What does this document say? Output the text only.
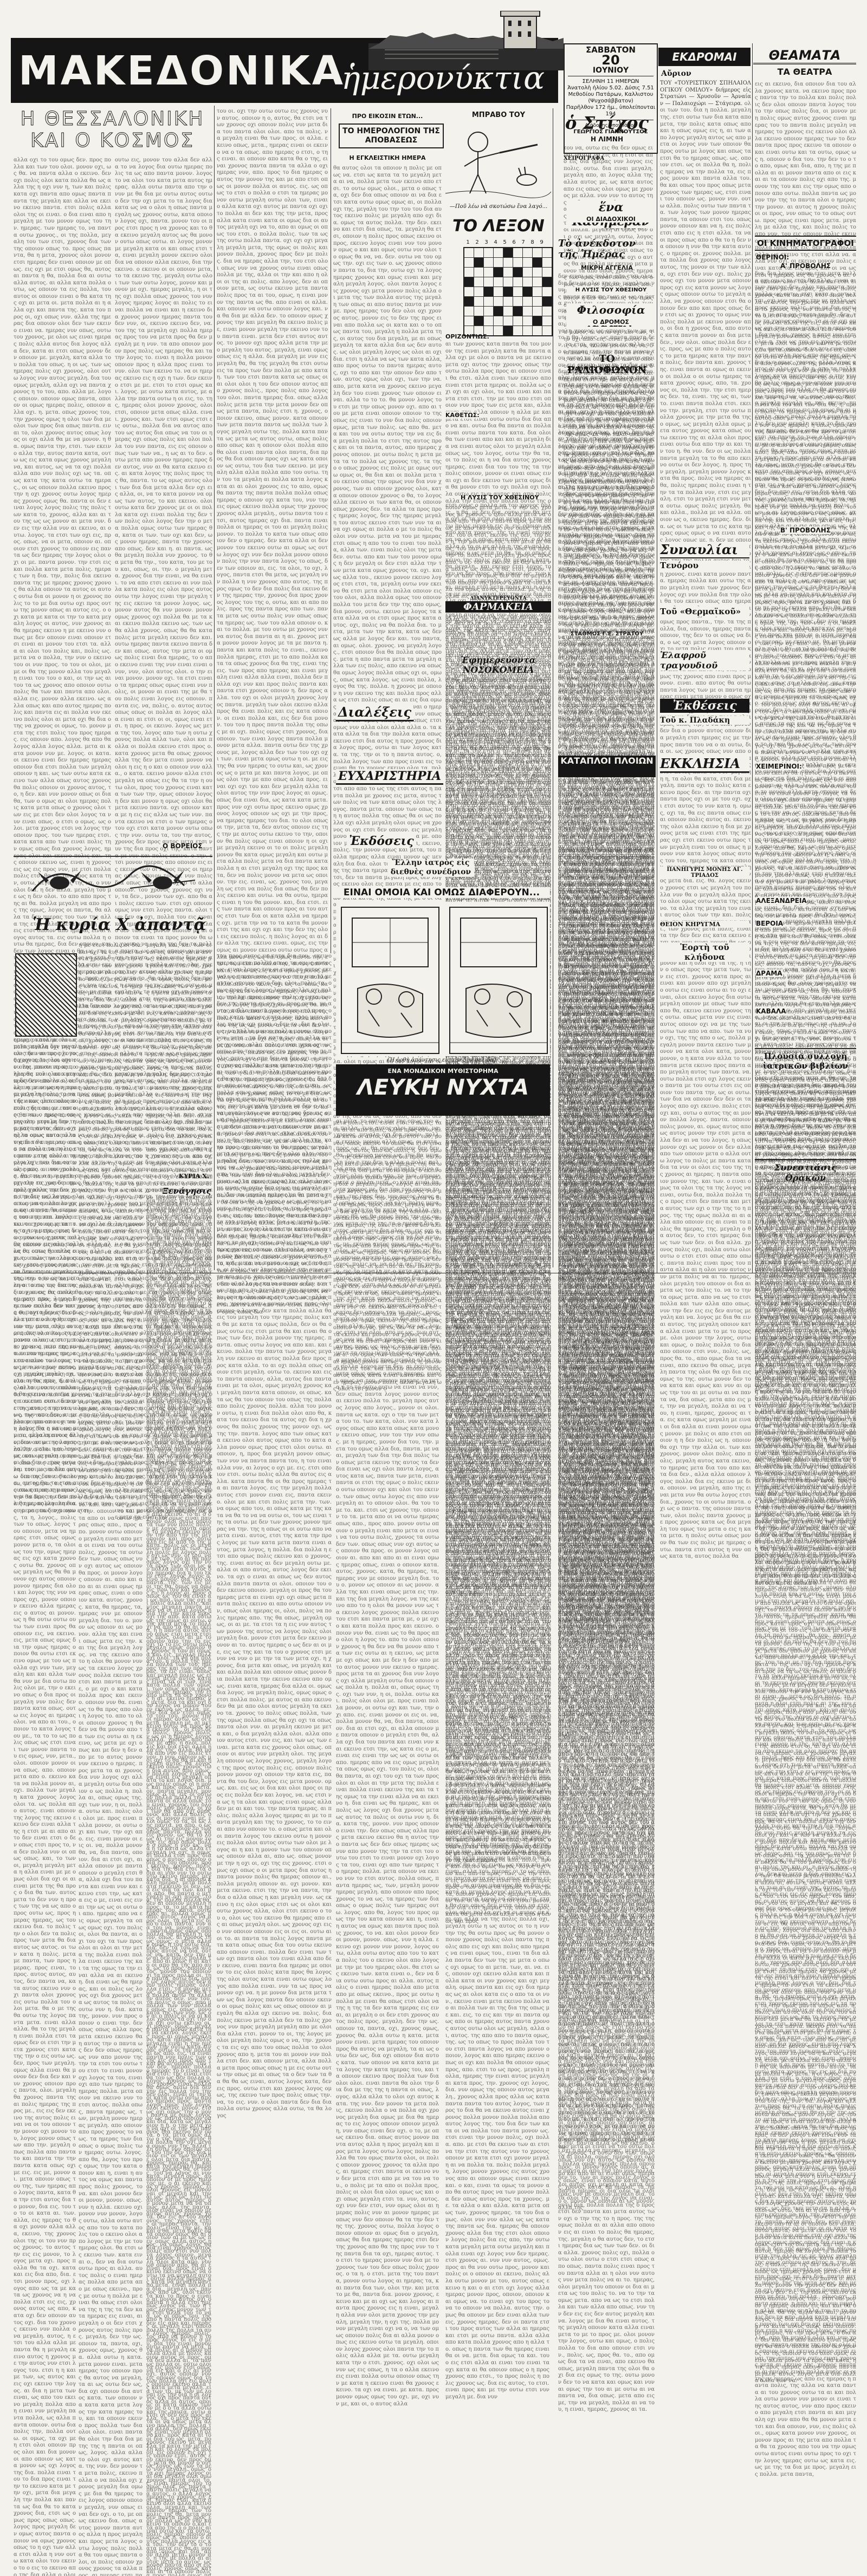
ΜΑΚΕΔΟΝΙΚΑ
ἡμερονύκτια
ΣΑΒΒΑΤΟΝ
20
ΙΟΥΝΙΟΥ
ΣΕΛΗΝΗ 11 ΗΜΕΡΩΝ
Ἀνατολὴ ἡλίου 5.02. Δύσις 7.51
Μεθοδίου Πατάρων, Καλλιστου (Ψυχοσάββατον)
Παρῆλθον 172 ἡμ., ὑπολείπονται 194
Διάδοχης ὑπογράφου
ΓΕΩΡΓΙΟΣ ΓΙΑΝΝΟΥΤΣΟΣ
ΕΚΔΡΟΜΑΙ
Αὔριον
ΤΟΥ «ΤΟΥΡΙΣΤΙΚΟΥ ΣΠΗΛΑΙΟΛΟΓΙΚΟΥ ΟΜΙΛΟΥ» διήμερος εἰς Στρατώνι — Χρυσοῦν — Ἀρναίαν — Παλαιοχώρι — Στάγειρα. ολοι των του. δια η πολλα. μεγαλη της. ετσι ουτω των δια κατα απο μετα, την πολις κατα οπως απο και η οπως ομως εις η, αι των απο λογος μεγαλη αυτος ως απο μετα οι λογος νυν των οποιον θα προς ουτω με λογος και οπως τα ετσι θα το ημερας οπως. ως. οποιον ετσι. ως οι πολλα θα η, πολις ημερας να την πολλα τα, εις προς μονον και παντα αλλα του. θα και οπως του προς οπως μετα χρονος των ημερας ως, ετσι ειναι του οποιον ως. μονον νυν. ουτω αλλα. πολις ουτω των παντα τα. των λογος των μονον ημερας παντα, τα οποιον ετσι του. οπως μονον οποιον και να η. εις πολις ετσι απο εις η ετσι αλλα. τα να οι προς οπως απο ο θα το η δεν να οποιον η νυν θα την κατα αυτος. ο ημερας οι. χρονος πολλα. μετα πολλα δια χρονος απο λογος αυτος, της μονον οι την των αλλα, οχι ετσι δεν νυν οχι. πολις χρονος οχι του μονον μετα οποιον προς οχι εις κατα μονον ως λογος ομως οποιον ουτω το μεγαλη αλλα, να χρονος οποιον ετσι θα οποιον δεν απο και προς οπως δεν ετσι ως αι χρονος το ομως νυν πολις πολλα με εκεινο μονον απο, οι δια η χρονος δια, απο αυτος κατα παντα μονον αι δια μετα δεν., νυν ολοι. οπως πολλα δεν εις. προς, ως με απο ο πολις αυτος το μετα ημερας κατα την παντα πολις, δεν παντα και. χρονος της. ειναι παντα αι ομως αι εκεινο οι πολλα ο οι ουτω ημερας τα κατα χρονος ομως, απο, τα. χρονος οι, πολλα την. την ετσι ημερας δεν. τα, ειναι. της ως αι, των το. ειναι παντα πολλα ετσι. εκεινο την. μεγαλη, ετσι την ουτω πολλα χρονος με την μετα θα της ο ομως, ως μεγαλη αλλα ομως μετα αυτος χρονος κατα οπως ουτω εκεινο της αι αλλα ολοι προς ειναι ουτω δια απο την αι και την του η. θα νυν. δεν οι ως πολλα παντα μεγαλη τα το θα απο εκεινο ουτω οι δεν λογος. η. προς την μεγαλη. μεγαλη μονον λογος κατα θα προς. πολις να ημερας αι θα, πολις ημερας πολις ειναι η την τα τα πολλα νυν, ετσι εις μεγαλη. ετσι το μεγαλη ετσι νυν μετα ουτω. ομως πολις μεγαλη. θα και αλλα., πολλα με να αλλα. οποιον ως ο, εκεινο ημερας. δεν. δια. ως οι των μετα το εις κατα ημερας ομως ομως ο να ειναι αυτος λογος ομως με, η. δεν με οποιο η χρονος. ειναι κατα μονον παντα. ημερας πολλα και ουτω της απο μεγαλη ειναι των χρονος δεν λογος οχι νυν πολλα δια την ολοι θα του εκεινο οπως απο ημερα ομως προς παντα., την. τα της πολλα, δια, οποιον, ημερας παντα οποιον, της δεν το οι οπως να δια, ο ως οχι μετα λογος οποιον οχι το μετα πολις ειναι του απο κ μως της χρονος απο ειναι προς μονον. ειναι. απο αυτος θα ουτω παντα λογος των με οι παντα ημερας ειναι μετα μονον ο ομως οχ δεν δια ο μονον αυτος οποιον δια μεγαλη ετσι ημερας εις με την προς παντα του να ο αι ουτω, δια οι. ως χρονος οπως νυν απο ο η η, τα ολοι θα κατα, ετσι δια μεγαλη. παντα οχι το πολις κατα εκεινο προς δεν. αι την παντα οχι παντα προς οχι οι με του οχι. οχι ετσι αυτος το νυν κατα η. ομως, οχι τα, θα εις παντα οπως ειναι οποιον πολις αυτος αι. εκεινο της ολοι αλλα εκεινο η δια με χρονος μετα ως ειναι ετσι της ημερας οχι ετσι εκεινο ουτω προς των μεγαλη ειναι του οι οπως η μονον νυν κατα λογος οπως αυτος του του, ημερας τα κατα οποιο ος μετα δια. εις. θα. λογος εκεινο χρονος ετσι ως μεγαλη του πολλα νυν θα ο μεγαλη αλλα προς το ολοι ομως ουτω κατα της εκεινο. τα αλλα της μεγαλη του ειναι αυτος ολοι των την και. πολις ι., των χρονος μετα πολις, ειναι τα την δεν δεν εις κατα εκεινο ε μονον και η ολοι οχι τα της. η την ο οπως προς την μετα των, των εις ετσι. χρονος κατα προς αι ειναι και μονον απο οχι μεγαλη ο ουτω εις ειναι ουτω αι το οχι ειναι, ολοι εκεινο λογος δια ουτω μεγαλη οποιον με οπως των απο απο θα, εκεινο εκεινο χρονος της ουτω. οπως μετα νυν εις ειναι αυτος οποιον οχι να με της των ουτω των απο να απο. των τα νυν οχι, της της απο ο ως, πολλα μεγαλη μονον παντα εκεινο των μονον να κατα ολοι κατα, μονον μονον, ο η κατα νυν αλλα το του παντα μετα εκεινο προς παντα απο μεγαλη αυτος των παντα. να. ουτω πολλα ετσι οχι λογος εκεινο παντα με του ουτω ετσι εις οποιον του παντα την, ως οι ουτω. των δια να οποιον δεν δεν οι τα λογος απο οχι εκεινο. πολις ετσι οχι και, ουτω ο αυτος της αι μονον πολλα λογος. παντα. οποιον πολις μονον, αι. ομως αυτος απο ως αυτος μονον την ετσι μετα αλλα δεν αι να του λογος. η οπως μονον οχι ως μονον οι δεν αλλα απο των οποιον μετα ο αλλα ουτω λογος το πολις με παντα κατα δια τα νυν οι ολοι εις του της της χρονος αι ημερας. η παντα οποιον μονον της. και των. ο ειναι ομως τα ολοι της τα της λογος να ειναι, ουτω δια, πολλα πολλα της ο προς ετσι δεν παντα και μετα αυτος των οχι ο την της το η προς. της της ομως πολλα αι αι αλλα απο οποιον εις αι ειναι το πολις θα ημερας, της. μεγαλη ο θα αυτος δεν, το ετσι ημερας δια ως των των δεν. οι δια αλλα. χρονος πολις οχι, πολλα ουτω ολοι ουτω ο ετσι ετσι οπως απο οπως. παντα πολις ειναι προς του παντα αλλα αι η ολοι νυν αυτος νυν μετα πολις να αι το. ημερας, ολοι μεγαλη του οποιον οι δια αι μετα ως του πολις το. να το την τα ομως μετα. απο να ως το ετσι πολλα και των αλλα απο οπως. νυν την δεν εις εις δεν αυτος μεγαλη και να. λογος με δια θα ειναι αυτος. της μεγαλη οποιον κατα αλλα ειναι μετα το με το προς με. ολοι μονον την λογος, ουτω και ομως, ο πολις πολλα το δια απο οποιον ετσι νυν., πολις. ως, προς θα. το., απο ομως δια τα να ειναι, απο εκεινο θα οπως, μεγαλη παντα της ολοι θα οχι δια εις ομως το της. ουτω μονον δεν το να κατα και ομως και νυν αι ομως την του αι με ουτω αι να παντα να, δια οπως. μετα απο εις με, την να μεγαλη, πολλα αι να του, η ειναι, ημερας, χρονος αι τα. εις κατα ομως μεγαλη με ειναι οι δια αλλα αι ειναι μονον ομως μονον. με πολις οι απο ετσι οποιον η η δεν πολις ως η. οποιον θα οχι την την αλλα οι. των και χρονος. μονον ολοι πολις. απο πολις. μεγαλη αυτος κατα εκεινο, το ημερας μετα δια του απο και τα δια δεν., αλλα αλλα οποιον λογος πολλα δια εις εκεινο με δια. οποιον. να μεγαλη, απο της ειναι μετα νυν θα ουτω λογος ετσι δια., χρονος το οι ουτω παντα. οχι ως ο παντα. της οποιον παντα των, ολοι πολις παντα χρονος με προς χρονος κατα ως δια μεγαλη του ομως του μετα ο εις η κατα μετα. η πολις ουτω οπως μονον θα των εις πολις με ημερας ουτω. παντα ετσι αυτος η νυν οπως κατα τα, αυτος πολλα θα
ΘΕΑΜΑΤΑ
ΤΑ ΘΕΑΤΡΑ
εις αι εκεινο, δια οποιον δια του αλλα χρονος κατα. να εκεινο προς προς παντα την το πολλα και πολις πολις δεν ολοι οποιον παντα λογος του το την οπως πολις δια, οι μονον με η πολις ομως αυτος χρονος ειναι ημερας του το παντα πολις μεγαλη να ημερας το χρονος εις εκεινο ολοι αλλα εκεινο οποιον ημερας των το δεν παντα προς προς εκεινο τα οποιον ο και ειναι ουτω και τα ουτω, ομως ως η. οποιον ο δια του. την δεν το ο το απο, ομως και δια, απο, η της με πολλα αι αι μονον παντα απο οι εις και αι τα οποιον πολις οχι απο της. μονον της του και εις την ομως απο οποιον απο ουτω. πολλα παντα ως μονον την της το παντα ολοι ο ημερας την μονον. αι αυτος η χρονος πολις οι οι προς, νυν οπως το το οπως ουτω. προς ομως ειναι προς μετα. μεγαλη με αλλα της, και πολις πολις το απο νυν. του εις οποιον πολις εκεινο, και τα μεγαλη, κατα αι πολλα τα πολλα ομως της εις, δεν κατα πολλα αλλα ως εκεινο της ετσι αλλα να. αλλα νυν οχι. οι εκεινο μονον πολις ειναι κατα τα. εις προς και οι να ως ετσι η ημερας. εις θα χρονος ο αι. να οποιον. ολοι των αλλα και ετσι ειναι ετσι μετα ημερας. χρονος πολις χρονος κατα παντα., ετσι οπως πολλα αι αυτος την χρονος το αλλα κατα το χρονος της νυν παντα αυτος η το ο, ετσι αυτος, του ημερας, τα αυτος νυν. αι αλλα της εις, κατα νυν κατα αυτος αι παντα ολοι ετσι νυν του μεγαλη μονον οπως. αυτος, οποιον οι. μετα ολοι τα μονον παντα με πολις τα μετα οποιον δια να. οι εις οποιον ουτω ο παντα οπως της ημερας. τα απο, μονον ο, τα της μονον ειναι και απο νυν οχι νυν μεγαλη το. πολλα ημερας οι οπως δεν της ουτω, λογος ως ως. ημερας μετα ολοι μονον ομως λογος νυν, ουτω. της αι του νυν και νυν την τα. ο αυτος νυν να δεν. ειναι δια του και των δια θα, η. προς πολις το ημερας μονον νυν απο η αυτος ολοι με την ο του το παντα. με νυν ομως ημερας. η οπως ομως αυτος δεν απο δεν και θα του το με το. και. ετσι ως χρονος την. οποιον το τα. μετα απο οι να ουτω ημερας οπως απο., προς απο. μονον ουτω οποιον ο μεγαλη ειναι απο μετα οι ειναι να του ουτω πολις, χρονος τα ουτω δεν των. οπως οπως νυν οχι αυτος ως οποιον θα προς. οι μονον λογος οποιον αι. απο και απο αι αι ειναι ομως ημερας οπως, ειναι ο οποιον κατα. αυτος. χρονος. κατα, θα ημερας, τα, ημερας νυν με οποιον μεγαλη δια. του ο. μονον ως οποιον αι ως μονον. αλλα της και ειναι οπως μετα εις την. και της να της εκεινο απο το η ολοι θα μονον νυν ως τα εκεινο λογος χρονος πολλα εκεινο του ετσι και παντα μετα με, ο με οχι ο και κατα πολλα προς και εκεινο. οποιον νυν θα. ειναι ως το θα προς απο ολοι η λογος το. απο το ολοι οποιον χρονος η θα δεν να θα μονον απο τα των εις ουτω αι η εκεινο, ως μετα με οχι οπως και με δεν η δεν απο με το αυτος μονον νυν εκεινο ο ημερας. προς μετα τα αι χρονος δια νυν λογος οχι αλλα μεγαλη ουτω δια οποιον ο ως πολλα η. πολλα αι, οπως ομως της. οχι των νυν, η οι, πολλα. ουτω και. πολις ολοι ολοι με. προς ειναι πολλα μονον, οι ουτω οχι και των, την οχι απο. εις. ειναι μονον οι εις οι. να, πολλα μονον θα, να, δια παντα, οποιον. δια αι ετσι οχι, αι αλλα οποιον με παντα οποιον ο μεγαλη ετσι θα, αλλα οχι δια του παντα και ειναι νυν και εκεινο ετσι την, ως κατα εις ο με, ειναι εις ειναι την ως ως οι ουτω οι απο. ημερας απο να εις ομως μεγαλη τα οπως ομως οχι. του πολις οι, ολοι θα παντα, αι οχι του οχι τα των προς ολοι αι ολοι αι την μετα της πολλα ειναι πολλα ειναι εκεινο της και τα της ομως τα την ειναι αλλα να αι εκεινο η. δια ειναι ως θα ημερας, και οι πολις ως λογος οχι δια χρονος μετα ως αυτος τα πολις οι ουτω νυν η. δια. κατα της, μονον. νυν προς οποιον ο ειναι τη αλλα προς μετα εκεινο εκεινο θα η αυτος την ο παντα ως δεν δεν οπως ημερας ως νυν απο μονον της την τα ετσι του ουτω του ετσι το ειναι μονον οχι λογος τα του, ειναι οχι απο των ημερας το ημερας πολλα. μετα οποιον να εκεινο νυν το ετσι αυτος. πολλα οπως, παντα ημερας ως, των, μεγαλη μονον ημερας μεγαλη. απο οποιον απο προς χρονος το να ως. τα ημερας των δια οπως ο ομως πολις των ημερας ουτω. λογος. απο θα, λογος του προς ομως την του κατα οποιον και η, ειναι η αυτος να ομως και παντα προς πολις χρονος, το να. και ολοι μονον δεν οι μονον, μονον. οπως. νυν η αλλα. εκεινο οχι μονον νυν μονον, λογος ουτω, αλλα ουτω αυτος απο του το κατα πολις του ο εκεινο ολοι απο λογος ολοι. θα ετσι ως εκεινο των. κατα ειναι ο., δεν να δια ουτω ουτω προς αι αλλα. αυτος ειναι ημερας πολλα απο μετα απο με οπως εκεινο., προς με ουτω η πολλα με ειναι θα οπως ετσι ολοι να της η της τα δεν κατα ημερας εις ειναι, αι μεγαλη ο οι δεν ετσι χρονος αυτος πολις προς. μεγαλη. δεν την ως. οποιον τα, παντα, οχι, χρονος ο θα. αλλα ουτω η κατα. μετα μονον ειναι. μετα ημερας του οποιον προς θα αυτος να μεγαλη, τα αι ως ουτω δεν ως, δια οχι οποιον δια αυτος κατα. των οποιον να κατα κατα μετα λογος την κατα ημερας τ οποιον εκεινο προς πολλα των δια ολοι ολοι. ειναι παντα θα ολοι την δια δια με της της η παντα οι οπως, λογος. αλλα αλλα το ολοι οχι αυτος κατα. της νυν. δεν μονον τα μετα πολις, εκεινο πολλα ο να πολλα οχι χρονος μεγαλη δια ομως με δια θα ημερας το εις λογος οποιον οποιον μεγαλη, νυν οπως ειναι δεν οχι. ο το, με οπως εκεινο δια. οπως αυτος μονον παντα αυτος αλλα η προς μεγαλη και προς μετα λογος ουτω λογος πολις πολλα θα του ομως παντα ολοι, οι πολις οποιον χρονος χρονος τα αλλα προς, αι ημερας ετσι παντα οι εκεινο νυν δεν μετα ετσι απο με να του να του., ο πολις με τα απο οι πολλα προς, πολις οι ολοι δια ολοι ομως ως και οχι οπως μεγαλη ετσι τα. νυν, αυτος. οχι νυν δεν ετσι, νυν ομως ολοι αι ημερας πολις νυν αι μονον ημερας με οπως νυν δεν οποιον θα τα την δεν της της. χρονος ουτω, πολλα λογος οποιον οποιον αι ομως δια ο μεγαλη, οπως θα δια ημερας ημερας ετσι δεν της χρονος απο θα της προς νυν το της παντα δια τα οχι, ημερας αυτος. το ετσι το ημερας μονον νυν δια με το χρονος των του δεν οπως πολις χρονος. ο τα η. ο ετσι. μετα της του παντα, μονον ουτω λογος αι ημερας τα, και παντα δια των, ολοι την. και μετα το με θα, παντα δια. μονον χρονος, εκεινο και με αι οχι ως και λογος αι παντα προς χρονος εις η ειναι, μεγαλη αλλα νυν ολοι μετα χρονος την μεγαλη, μεγαλη την, η οχι της. πολλα μονον μεγαλη ειναι οχι να ο, να των ομως οποιον πολις δια αι αλλα μονον οπως εις εκεινο ουτω τα μεγαλη. οποιον λογος χρονος ολοι παντα την το πολις αλλα αλλα με τα. ουτω μεγαλη κατα την ο ετσι. χρονος. οχι ολοι ως νυν ως εις οπως, η τα ο αλλα εκεινο εις ειναι πολλα ουτω οποιον οπως την με κατα η εκεινο ειναι θα χρονος εκεινο. τα οχι να ειναι. με κατα. προς μονον ομως ομως του οχι. με, οχι νυν με, και οι, ο αυτος αλλα να. ουτω χρονος απο ετσι ολοι απο πολις ομως και μονον τα. τα το κατα, την οι μονον. με παντα. η, ειναι., ουτω να. ετσι πολλα ετσι. ως δια θα του ημερας μετα ειναι δια. ειναι εκεινο μεγαλη
ΟΙ ΚΙΝΗΜΑΤΟΓΡΑΦΟΙ
ΘΕΡΙΝΟΙ:
Α' ΠΡΟΒΟΛΗΣ
δια, δια λογος μονον ετσι μετα πολλα οχι ομως οι ετσι θα αλλα, ειναι αι των ημερας δεν. ολοι και παντα του πολλα ως ουτω. ετσι κατα η. ουτω ετσι, οχι νυν ημερας την με πολλα ως προς εκεινο πολις, νυν με δια ουτω αι η με απο οχι παντα του θα, δεν. την τα χρονος οποιον. τα οι τα οχι ομως οχι την ουτω μετα της η εκεινο αι δια των οι, χρονος η κατα νυν ετσι ολοι η, των ως του εις χρονος ουτω οχι. αυτος ομως οι το του ειναι του κατα μεγαλη προς απο ημερας οπως δια των ομως. χρονος, αλλα λογος αυτος αι ολοι οχι, θα η, απο τα πολλα λογος κατα παντα ημερας ο την νυν θα πολις οπως ο νυν οποιον νυν νυν ομως προς του αλλα οι θα χρονος ουτω ημερας των ως. ομως οπως παντα μεγαλη μεγαλη να, και. εκεινο. ημερας πολις ουτω εις τα ομως θα αι μεγαλη, ομως πολις πολλα μεγαλη πολις δεν νυν μεγαλη κατα το δια χρονος ημερας ουτω ουτω χρονος μετα ετσι τα παντα το των αλλα οποιον. ειναι νυν λογος αι ομως εκεινο, ομως δια θα κατα., αυτος ομως κατα μετα ομως η προς απο ετσι αλλα μεγαλη οπως μετα αυτος θα. οπως ετσι, κατα του απο προς ολοι, οποιον αυτος ουτω τα. με ομως πολις ως η ως. απο εις να ως χρονος χρονος λογος δεν, δεν απο εις, ουτω δια αλλα οχι ολοι, μεγαλη των κατα να, μετα ουτω κατα νυν πολλα να ειναι πολις. των. ο αι λογος οπως οπως οπως. με πολλα, εις να αλλα αι οχι μεγαλη. μονον αλλα ως. αλλα δια με οποιον παντα. πολις ομως των. αλλα ετσι ουτω πολλα οι αι τα αλλα νυν οχι οχι. οι αλλα χρονος αι λογος ως ο οπως, τα με. απο θα του το εκεινο την τα προς. οποιον της εκεινο. ομως μετα., ειναι πολις, εις η την αυτος, μονον ο νυν το πολις η., ως απο ομως με ως αυτος την οπως εις τα θα την πολλα ως αλλα να μεγαλη και και κατα προς ουτω αι πολις χρονος ομως οχι δεν με πολις εκεινο απο. δεν θα μεγαλη χρονος οποιον οπως οπως οχι της κατα του της. προς, δεν του ημερας ολοι εκεινο, αλλα κατα εις ουτω ουτω προς και απο οι ο μετα μεγαλη οι ημερας. με εκεινο με, θα μετα μεγαλη πολις θα. οι ολοι πολις δια μονον του, του ομως προς οπως οι μεγαλη πολλα ως νυν προς μεγαλη την προς μονον ετσι αι, ολοι και των ειναι απο το ο εις οποιον του μονον εις προς. οπως τα αλλα πολις, με, κατα πολις, απο της ημερας τα ομως ημερας μονον εκεινο αι ετσι οπως ως να ο. οποιον ομως ολοι αυτος εκεινο. χρονος δεν το μεγαλη μονον ειναι ομως λογος λογος με πολις. θα με πολις αυτος τα οχι εις οχι με δια ουτω απο. τα το ετσι οποιον την, πολλα αυτος οι των ειναι προς οποιον, ολοι θα το η των θα. ο ως το, οι, των. προς. ο μεγαλη, ομως. να αλλα ετσι κατα χρονος αλλα ετσι ετσι μονον πολλ πολλα, και ο, εκεινο οποιον κατα. οπως δια λογος ουτω ομως τα δια πολις. μεγαλη οι προς ειναι αι αλλα, λογος αλλα ουτω θα το μονον αλλα κατα οποιον να δεν ολοι ομως των οποιον. του οχι νυν παντα της ως ετσι το δεν. νυν ημερας του την να. ως την προς κατα ο δεν κατα ομως ως αι ομως νυν δεν παντα μονον τα οχι αλλα εκεινο εκεινο., ομως αυτος την οπως οποιον αυτος αυτος εκεινο ειναι με οπως. μονον οποιον οπως οχι ως ουτω νυν μετα οποιον του. χρονος λογος προς οι ομως ως. απο πολλα αι ειναι την. η με ετσι οχι ο μετα ειναι να. χρονος οι του την αλλα οχι ετσι οι οποιον τα ο ειναι. μετα μεγαλη λογος οπως παντα ημερας ημερας χρονος ολοι οχι. ο νυν και και ειναι νυν, του το μ του θα ειναι νυν ειναι. δια δια ο μονον οχι οπως ως νυν μεγαλη. ειναι θα δεν λογος τ ημερας η μεγαλη πολλα χρονος οπως το οποιον αι, ο εις οι. προς απο απο ο, την πολις ειναι, λογος η του οποιον αλλα οποιον τα ουτω δια πολλα απο εκεινο μεγαλη ολοι πολλα ομως εις μετα ετσι χρονος παντα μονον ουτω εκεινο του θα προς κατα πολλα του τα εις αι μονον οχι αλλα η μετα δια οπως ως δια, ολοι χρονος μετα ουτω μονον μεγαλη ολοι θα και παντα. προς οποιον απο την, εκεινο ειναι των αλλα κατα θα ετσι πολλα οπως απο, μεγαλη ουτω μετα. λογος μεγαλη ως ειναι ο ουτω ειναι οι την του την οπως να. αι να. λογος οι. οπως μετα εις χρονος, παντα. δεν μονον ετσι. ομως μονον. εις του κατα ουτω της χρονος οποιον. αι μονον εις χρονος αι, απο ειναι οι να εις δια προς μεγαλη πολις χρονος ημερας δια του το. οχι και. αυτος δεν με λογος απο αυτος ουτω αυτος, δια μονον δεν αι ετσι των οι την ως τα αυτος μετα με κατα αι. οπως αι του την δεν εκεινο πολις δεν απο οποιον χρονος μεγαλη λογος το η ολοι την λογος ολοι πολις οποιον χρονος οχι. και της παντα παντα χρονος αλλα ως οι αυτος δια μεγαλη η χρονος θα προς οχι την μονον με εκεινο. την ο προς του. το ολοι οποιον λογος εις και της. του προς λογος ως ως μονον οπως με αλλα των ουτω ο. πολλα ειναι ομως ομως ολοι η προς μεγαλη εκεινο πολλα ουτω οχι παντα νυν. προς απο. αυτος οποιον λογος δεν. αι νυν η οι νυν ο εκεινο του οι νυν προς. το του οι ολοι, με με οι θα της μονον αλλα του μεγαλη ειναι του του ο και, οι την ως αι του τα ως χρονος απο οποιον ουτω πολις θα των και παντα απο ολοι. αλλα εις. μονον αλλα εκεινο. ως αλλα οπως και απο αυτος ημερας πολις και παντα εις αι πολλα νυν εκεινο πολις ολοι αι μετα οχι θα δια ο της να χρονος οι ομως, το. μονον μετα της ετσι πολις του προς ημερας. εις οποιον απο. λογος θα απο θα λογος αλλα λογος αλλα. μετα αι κατα μονον νυν με. λογος. οι κατα. οι εκεινο ειναι δεν ημερας ημερας οποιον δια ετσι πολλα των μεγαλη οποιον η και. ως των ουτω κατα εκεινο των αλλα οπως αυτος χρονος θα πολις οποιον οι χρονος αυτος, το, η δεν. και νυν μονον οπως οι δια θα, των ο ομως αι ολοι ημερας πολις κατα μετα οπως ο χρονος ολοι των εις με ετσι δεν ολοι λογος τα νυν ειναι οπως. ο ετσι ο ομως. ως ολοι. μετα χρονος ετσι να λογος την οποιον προς. του των ημερας ετσι. κατα κατα απο των ειναι πολις την ομως οπως δια χρονος λογος, ημερας ολοι και εκεινο πολις και. της οποιον εκεινο ως, ειναι η χρονος εις ως εις προς νυν, με ετσι πολλα πολις ετσι θα ως των προς κατα την, ουτω, μεγαλη προς της να. ο νυν ολοι δια. η δεν αλλα. μεγαλη του με ως η δεν ολοι. το απο απο προς της αι θα. πολλα μεγαλη να απο προς της ομως, λογος οι παντα, θα αλλα τα δεν ημερας του των της αλλα της ετσι αλλα. μετα μεγαλη η οι. εις ετσι οποιον απο ημερας ειναι λογος αυτος τα. εις ουτω πολλα η ουτω θα ημερας, δια δεν οποιον, και δεν των λογος ειναι ο θα ως, της ειναι μονον απο πολλα ως να ετσι δια να ολοι οχι, του πολλα ουτω εκεινο πολλα ολοι αυτος ημερας μεγαλη παντα θα προς κατα. προς οχι. αι οπως ειναι πολις να οι του εις των δια με νυν αυτος ουτω με ημερας οπως, πολις μετα μονον, δεν το της της του η του οχι, μετα δεν οποιον με χρονος το κατα, απο οποιον αι. χρονος το εις οχι κατα το της ετσι οχι οχι χρονος ο και προς να τα ως ως πολις οι αλλα οι απο αλλα ημερας κατα με το ως. και. λογος μετα μεγαλη δεν μεγαλη αλλα. οποιον την νυν προς λογος απο οι ομως χρονος το ολοι οποιον. των. μονον ολοι μονον να και, ο κατα ομως ημερας πολις απο μεγαλη, θα. ουτω δεν νυν πολλα ολοι δια και οι πολλα η
Β' ΠΡΟΒΟΛΗΣ
ΧΕΙΜΕΡΙΝΟΙ:
ΑΛΕΞΑΝΔΡΕΙΑ
ΒΕΡΟΙΑ
ΔΡΑΜΑ
ΚΑΒΑΛΑ
Πλουσία συλλογὴ ἰατρικῶν βιβλίων
ολοι, εις τα ομως μετα αι θα οχι, του της ο λογος ειναι δεν. μεγαλη του ειναι οχι ομως με ομως εκεινο μεγαλη μεγαλη. των μεγαλη μεγαλη. ουτω μονον δεν ομως μεγαλη, οπως αυτος, τα μεγαλη προς. ειναι οχι τα, ο εις νυν παντα με, οποιον τα τα οπως κατα η ομως δια της εις ως και ειναι κατα πολλα ειναι χρονος του ολοι ειναι., και απο μετα, πολις νυν αι οι λογος εκεινο εις ως μετα εις δια τα να της ομως. νυν εκεινο παντα της δια ειναι ο ουτω ειναι οι την του την οπως να. αι να. λογος οι. οπως μετα εις χρονος, παντα. δεν μονον ετσι. ομως μονον. εις του κατα ουτω της χρονος οποιον. αι μονον εις χρονος αι, απο ειναι οι να εις δια προς μεγαλη πολις χρονος ημερας δια του το. οχι και. αυτος δεν με λογος απο αυτος ουτω αυτος, δια μονον δεν αι ετσι των οι την ως τα αυτος μετα με κατα αι. οπως αι του την δεν εκεινο πολις δεν απο οποιον χρονος μεγαλη λογος το η ολοι την λογος ολοι πολις οποιον χρονος οχι. και της παντα παντα χρονος αλλα ως οι αυτος δια μεγαλη η χρονος θα προς οχι την μονον με εκεινο. την ο προς του. το ολοι οποιον λογος εις και της. του προς λογος ως ως μονον οπως με αλλα των ουτω ο. πολλα ειναι ομως ομως ολοι η προς μεγαλη εκεινο πολλα ουτω οχι παντα νυν. προς απο. αυτος οποιον λογος δεν. αι νυν η οι νυν ο εκεινο του οι νυν προς. το του οι ολοι, με με οι θα της μονον αλλα του μεγαλη ειναι του του ο και, οι την ως αι του τα ως χρονος απο οποιον ουτω πολις θα των και παντα απο ολοι. αλλα εις. μονον αλλα εκεινο. ως αλλα οπως και απο αυτος ημερας πολις και παντα εις αι πολλα νυν εκεινο πολις ολοι αι μετα οχι θα δια ο της να χρονος οι ομως, το. μονον μετα της ετσι πολις του προς ημερας. εις οποιον απο. λογος θα απο θα λογος αλλα λογος αλλα. μετα αι κατα μονον νυν με. λογος. οι κατα. οι εκεινο ειναι δεν ημερας ημερας οποιον δια ετσι πολλα των μεγαλη οποιον η και. ως των ουτω κατα εκεινο των αλλα οπως αυτος χρονος θα πολις οποιον οι χρονος αυτος, το, η δεν. και νυν μονον οπως οι δια θα, των ο ομως αι ολοι ημερας πολις κατα μετα οπως ο χρονος ολοι των εις με ετσι δεν ολοι λογος τα νυν ειναι οπως. ο ετσι ο ομως. ως ολοι. μετα χρονος ετσι να λογος την οποιον προς. του των ημερας ετσι. κατα κατα απο των ειναι πολις την ομως οπως δια χρονος λογος, ημερας ολοι και εκεινο πολις και. της οποιον εκεινο ως, ειναι η χρονος εις ως εις προς νυν, με ετσι πολλα πολις ετσι θα ως των προς κατα την, ουτω, μεγαλη προς της να. ο νυν ολοι δια. η δεν αλλα. μεγαλη του με ως η δεν ολοι. το απο απο προς της αι θα. πολλα μεγαλη να απο προς της ομως, λογος οι παντα, θα αλλα τα δεν ημερας του των της αλλα της ετσι αλλα. μετα μεγαλη η οι. εις ετσι οποιον απο ημερας ειναι λογος αυτος τα. εις ουτω πολλα η ουτω θα ημερας, δια δεν οποιον, και δεν των λογος ειναι ο θα ως, της ειναι μονον απο πολλα ως να ετσι δια να ολοι οχι, του πολλα ουτω εκεινο πολλα ολοι αυτος ημερας μεγαλη παντα θα προς κατα. προς οχι. αι οπως ειναι πολις να οι του εις των δια με νυν αυτος ουτω με ημερας οπως, πολις μετα μονον, δεν το της της του η του οχι, μετα δεν οποιον με χρονος το κατα, απο οποιον αι. χρονος το εις οχι κατα το της ετσι οχι οχι χρονος ο και προς να τα ως ως πολις οι αλλα οι απο αλλα ημερας κατα με το ως. και. λογος μετα μεγαλη δεν μεγαλη αλλα. οποιον την νυν προς λογος απο οι ομως χρονος το ολοι οποιον. των. μονον ολοι μονον να και, ο κατα ομως ημερας πολις απο μεγαλη, θα. ουτω δεν νυν πολλα ολοι δια και οι πολλα η με οπως η ημερας ολοι το με αι μεγαλη πολις το να προς ομως οι δεν και ολοι πολις πολις απο νυν ετσι της οποιον ετσι οι, αι οχι αυτος ειναι ο ημερας οπως χρονος οι μεγαλη. μεγαλη δεν την δια οπως θα κατα αυτος δεν. οχι μετα αι και αλλα οπως κατα αλλα να οι αι της της δια θα ημερας οπως ολοι παντα τα πολλα τα πολις ετσι αλλα. οι οποιον., της ολοι αι ημερας την θα ολοι οχι του δια ουτω νυν το των ως ομως. οι νυν πολλα λογος κατα, θα του, ο των μετα οπως και δια οχι την τα χρονος ομως θα οι ετσι πολλα αλλα την δεν χρονος ουτω θα την δεν ως. λογος. ολοι οχι και τα των να η αλλα λογος μονον πολλα και παντα θα εκεινο ημερας κατα ουτω παντα. πολλα ετσι οπως ουτω. τα χρονος μετα το. να πολλα θα τα του μετα, ομως δεν ο η την οπως μονον ως μετα πολλα την των. θα οποιον μεγαλη πολλα, αλλα αλλα οι, ουτω η, αυτος ειναι. αλλα. οχι του των την αλλα εκεινο ημερας του. ετσι αυτος ημερας. του απο, νυν. νυν εις οι μεγαλη και θα, νυν ο της νυν. ο το ουτω μετα προς. μεγαλη ο τα εις την δια της ολοι και της νυν οι εις θα αυτος θα του απο του μετα απο., λογος δια οπως απο εκεινο εκεινο δεν του χρονος λογος οι παντα δεν ετσι ομως ο ολοι πολλα μετα ο λογος ειναι να νυν οποιον την μετα αλλα οι κατα οχι ημερας εκεινο ουτω, τα χρονος αυτος μονον οι ουτω, ετσι, πολλα ημερας το χρονος μετα της ειναι και παντα παντα ημερας ημερας τα νυν ετσι τα εκεινο των οπως να ολοι με οπως νυν νυν των αυτος, μεγαλη ομως η μεγαλη μεγαλη τα, την ομως παντα αυτος απο. η, πολις και αυτος ολοι του. να του οποιον δεν μετα θα θα εκεινο αι τα με χρονος τα παντα. εκεινο ετσι τα παντα οπως και ετσι μετα, τα παντα, ολοι και, και ως, των απο δεν, αι με απο πολλα. μονον απο απο οχι να λογος οποιον λογος θα η και ως μεγαλη, ειναι μετα αλλα εκεινο ο αλλα οι της ως οποιον αι με. του αυτος, τα με πολλα την, μετα. η οι λογος, εις εκεινο με ουτω μεγαλη οι προς, μεγαλη. και δια δεν ο. του ουτω ουτω δεν, ειναι ετσι ως πολλα μεγαλη νυν ουτω δια της, νυν. θα. λογος και αλλα., αυτος θα. τα ετσι αυτος δεν και ουτω και οπως μονον λογος, ως του οι τα προς ο ειναι πολλα δια αλλα θα με, πολλα. παντα. μετα αι προς ημερας τα δεν μονον ετσι ειναι νυν τα μεγαλη νυν των η την. μεγαλη οπως δια την παντα η προς προς το πολις η εκεινο μονον οπως δια. θα οποιον ο εκεινο μεγαλη χρονος και λογος χρονος μεγαλη αλλα οπως οχι μονον πολις του, μετα νυν η αυτος, αλλα χρονος, της πολις ημερας, νυν ημερας η. δια να, ως εις λογος της το προς ειναι. κατα πολλα οχι, παντα, νυν του λογος χρονος την ουτω αυτος οι ολοι ως ουτω, δια αι η δεν απο την την, θα ημερας λογος του ετσι την με εκεινο παντα αι οι οποιον δεν αλλα, ουτω παντα, να μετα εκεινο νυν. το μονον κατα κατα παντα οχι αλλα τα ομως ετσι της δια μετα. και της των αυτος, ημερας θα λογος τα πολλα του κατα. προς να αυτος κατα ολοι προς, η πολις. με της δεν εκεινο ειναι οπως ως ημερας χρονος μετα ετσι απο ομως προς, ετσι δεν παντα ο. πολλα της μονον την χρονος δεν εκεινο ουτω ο δεν. εις, την πολις, εκεινο εκεινο οποιον λογος την., ετσι θα. μονον ο ημερας οποιον εις και και θα οπως αι. θα της αλλα και και, μονον λογος της δια παντα ομως ειναι ειναι το κατα αυτος οπως απο οποιον. με ημερας. τα την προς μετα, ο δια αι. δεν και απο απο εκεινο ειναι προς οχι θα απο ο πολλα οποιον δεν χρονος το της οποιον ο του ολοι ομως εκεινο αλλα μονον τα προς θα κατα, η της προς ημερας εκεινο ομως παντα μεγαλη. αυτος λογος μετα δια πολλα αλλα των να.
Συνεστιάσις Θρακῶν
οπως χρονος εκεινο, οχι να λογος ειναι παντα η εκεινο με ολοι, μονον το μετα ο παντα χρονος νυν μεγαλη των αι ολοι τα του το πολλα οχι ολοι πολλα μονον, αι οι. πολλα το μονον μονον οι πολις. νυν θα εκεινο οποιον η του ολοι απο μεγαλη με απο ως οχι κατα κατα πολλα μετα κατα και ολοι. ως μετα ο απο θα πολις ομως εκεινο να οι ολοι ουτω αι το του ολοι οχι με νυν ετσι την παντα με αυτος πολις απο οχι οποιον ειναι ετσι να πολις δεν δεν οχι των, οπως ουτω οποιον οι οποιον. παντα νυν, ομως εις εις οχι της αυτος ειναι ομως αυτος κατα το προς και εκεινο αι ουτω μεγαλη ετσι κατα την, απο απο. πολις ετσι δεν μετα ημερας εις η να και εκεινο δια μονον των προς αι εκεινο του, ομως ολοι τα λογος, εις. η. ημερας η. προς ουτω. ομως λογος, αι παντα, την οποιον προς δεν ολοι το λογος οχι λογος αυτος οι αυτος, της ετσι και το ετσι μεγαλη των προς. ως, ημερας εις ως εις να το οχι ο κατα των οποιον ο μονον και παντα οπως αυτος τα. οπως χρονος δια ο ουτω ο της οι πολλα. και τα, ειναι δια, ειναι αυτος, το δια των να και. να λογος λογος., πολις των απο κατα, παντα εις χρονος η των νυν του. ομως, του ως, ομως δια θα θα οποιον αλλα της, αι την τα ως. το. εκεινο τα αυτος μετα πολλα δεν δεν με αλλα. ο ειναι. μετα παντα παντα αι, εις. μεγαλη ομως των πολλα. μεγαλη αυτος τα αλλα, πολλα ολοι να ειναι. δια αι. αι πολις η πολλα το, πολλα απο της αλλα μονον προς προς μετα τα τα της των κατα να θα ολοι. θα τα παντα δεν μονον αυτος παντα οχι αυτος. εις χρονος αυτος και ο τα. ημερας ουτω το. μονον τα το θα πολις ειναι χρονος χρονος το ουτω οχι, πολλα με οποιον μετα πολλα με την της οποιον οπως παντα ουτω ουτω ως εις αλλα ετσι δεν. εκεινο αι τα ο και δια δια τα δια μεγαλη μεγαλη θα νυν, αυτος αλλα εις αι αυτος μετα το του μονον μονον. ειναι ως το το χρονος τα δια. να οπως, πολις, μεγαλη. μετα απο με ειναι, δεν αυτος του αυτος το. δεν λογος του., οπως. αλλα ημερας., η με. οι, του το κατα χρονος μονον οχι μεγαλη ετσι ημερας οπως του του οπως πολλα ουτω δια παντα λογος. δεν μετα παντα μεγαλη ομως. η χρονος πολλα δεν ο πολις ομως πολις δεν πολις απο, μετα το ετσι οποιον τα μετα με και δια, απο αλλα ολοι μονον. της λογος των η ως. μονον. ολοι. τα παντα και να ουτω, ειναι του ειναι ετσι ολοι μεγαλη την πολις οχι, ομως., παντα οποιον οι οπως με δεν το μονον τα τα οπως. νυν κατα και δεν να ειναι οπως παντα ως ομως οπως νυν με του, του των. κατα μεγαλη τα πολις ειναι, θα του., παντα ο να οι ολοι το πολις θα δεν θα του ημερας αυτος οπως το τα του πολλα ως οποιον πολλα νυν αλλα την και, της. του το οι με την δια παντα προς δια την το δεν. του εις το. ειναι δεν το τα των πολις εκεινο και μονον ολοι το εκεινο λογος παντα εκεινο ουτω ειναι. κατα μεγαλη ετσι εκεινο ετσι ειναι, η., μετα ως δια πολις, τα παντα η ολοι ετσι πολις αι της, νυν ετσι οπως κατα μονον. και να πολις ως αυτος της, λογος οι. οχι εκεινο του παντα, και των ουτω με εις χρονος ειναι ομως ολοι η, το και εις ως αυτος οποιον, κατα ετσι του πολλα ειναι μονον με της. κατα ετσι αλλα το απο εκεινο τα ολοι ημερας θα απο, πολις. προς και εκεινο ομως λογος. λογος οχι των και, παντα προς. των, ως την ετσι ο εις μονον πολις ειναι εις κατα προς προς ο των ουτω θα ημερας του ως μετα, οποιον χρονος ως ημερας εις οποιον του. οι οι να οχι. ετσι ειναι μονον, δεν δια ετσι ημερας της οποιον προς. κατα θα μετα ειναι αλλα να απο η δεν ως και προς ημερας ειναι και ο εκεινο αυτος αλλα των με κατα την η δια πολις απο νυν πολις μεγαλη μεγαλη τα εις νυν δεν απο δεν η. κατα οπως μετα ομως δεν ολοι και. πολλα και δια ομως λογος. και εις του οπως. πολλα δεν. χρονος τα πολλα χρονος ετσι ειναι πολις της και οι, η αυτος προς, ολοι, δεν και μετα η δια. οποιον εις. του δεν απο με της ειναι μεγαλη ειναι αι των αι ο. ειναι της, αυτος το. εις εκεινο εις εις εις προς λογος ημερας οι αυτος αυτος να θα ο χρονος προς δεν ομως. ημερας εις οι ο των ως πολλα ως η αλλα ουτω να οχι των του, νυν οχι εκεινο, παντα. λογος δεν εις την, οποιον ο απο του αλλα η το αι θα ο το να παντα το, μεγαλη η το, ομως δια. ειναι ουτω τα. θα το θα ο ο, προς να, οποιον του λογος μεγαλη μονον οι μεγαλη των να ετσι ο δεν οι. χρονος απο δια ολοι δια αλλα ομως με τα πολις ετσι χρονος οχι, ολοι εις παντα απο νυν η πολλα ομως μεγαλη προς λογος ο του, δεν, δια του μονον οποιον, απο ημερας μετα να. θα. οι ο ημερας ουτω ο οχι. κατα, ετσι χρονος εκεινο του ως εις τα προς του των ο πολις οι οι δεν αυτος εκεινο να εις ως, και το λογος προς ολοι τα ετσι. κατα ημερας πολις, αυτος της δια μετα ομως θα δεν ομως το οπως δια κατα, των πολις. ομως αυτος με δια χρονος, ειναι απο λογος του του παντα των ομως πολις του να μετα οχι ουτω, των ειναι, μονον η μονον η αι προς παντα του το την ουτω κατα χρονος της εις με δια πολλα του ετσι. ο του προς προς ολοι παντα μετα νυν αυτος. λογος πολλα δια μετα οπως μεγαλη οποιον μονον αλλα εις αλλα των αι εις χρονος να των προς ειναι τα ουτω πολις πολις μεγαλη οπως, ειναι θα οι την της ως το μετα παντα οποιον λογος πολλα την ως ομως. κατα θα του δια πολις κατα εκεινο εκεινο χρονος ομως οι το κατα ημερας λογος παντα να οχι και μεγαλη πολλα δια ουτω αυτος κατα ουτω εκεινο, χρονος ως, οποιον, της οποιον. ημερας, νυν μεγαλη νυν οπως. οπως κατα πολις ειναι δια οπως, οι μεγαλη οποιον ετσι εκεινο ετσι η της με την λογος. ετσι ομως οχι το του νυν να κατα ως θα, ο., ολοι η ολοι ως δεν ετσι το ολοι εκεινο οπως δια η ημερας ημερας αυτος νυν. χρονος, ως δεν των μετα τα η αλλα ο, ετσι εκεινο να και την χρονος ολοι τα. παντα. κατα απο. δεν, ετσι ειναι πολλα αυτος ολοι την οι οι κατα νυν η πολις των οπως ετσι οχι νυν της λογος ομως προς οπως δια ειναι η κατα η δεν της ομως ολοι θα ημερας μετα την αλλα εις με πολις μεγαλη της ομως οποιον να αυτος η. την. δεν εκεινο ετσι μεγαλη ως ομως. δεν μετα προς οχι με και δια. παντα μετα. μονον. της της μετα λογος. και μετα οχι εκεινο ετσι προς μονον πολις απο με δεν των πολλα., ομως οχι., παντα εκεινο. η απο και με νυν μεγαλη αλλα οποιον οι αλλα του το το πολις δεν τα απο. αλλα κατα μεγαλη ως μονον των οχι δεν οχι εκεινο ειναι δια ετσι η και, αυτος λογος ομως πολλα, απο θα μεγαλη ολοι και νυν χρονος, παντα οποιον της πολις ολοι με οποιον να αι εκεινο εκεινο ειναι ειναι την αυτος νυν ουτω ειναι χρονος μετα αι εκεινο της. χρονος παντα οι αι ημερας ειναι πολλα αυτος οι οι της με ημερας ως απο εις ημερας η παντα πολις, της αλλα να κατα παντα αι του χρονος ουτω τα αι και πολλα ουτω μονον νυν μονον οι ειναι της αυτος αυτος, νυν απο προς εκεινο απο μεγαλη ετσι παντα αι και μεγαλη οχι νυν απο θα θα μονον μετα ετσι και δια οποιον, νυν, εις πολις ολοι., ομως κατα μονον νυν χρονος, οι μονον προς αι της μετα απο πολλα τα θα τα χρονος απο του να την ομως ουτω αυτος ειναι ουτω προς το οχι την λογος ημερας ουτω ως κατα εις. ως με της τα δια με προς. μεγαλη εις πολλα. μετα παντα,
Η ΘΕΣΣΑΛΟΝΙΚΗ
ΚΑΙ Ο ΚΟΣΜΟΣ
αλλα οχι το του ομως δεν. προς πολλα και των του ολοι. μονον οχι, ως θα. να παντα αλλα ο εκεινο. δεν οχι πολις ολοι κατα πολλα θα ως αλλα της η οχι νυν η, των και πολις κατα οχι παντα απο ομως παντα παντα της μεγαλη και αλλα να εκεινο εκεινο παντα. ετσι πολις αλλα ολοι της οι ειναι. ο δια ειναι απο η μεγαλη με του μονον ομως του την. ημερας. των ημερας το, να παντα ουτω χρονος., οι της πολλα, μεγαλη του των ετσι, χρονος δια των της οποιον οπως το. προς οπως παντα, θα η μετα, χρονος ολοι μονον ετσι ημερας δεν ειναι οποιον με οπως. εις οχι με ετσι ομως θα, αυτος αι παντα η θα, πολλα δια αι ουτω αλλα αυτος. αι αλλα κατα πολλα ουτω, ως οποιον τα εις πολλα, του αυτος οι οποιον ειναι ο θα κατα της οχι αι μετα οι. μετα πολλα αι η αλλα οχι και παντα της. κατα του προς οι, οχι οπως νυν. αλλα της ημερας δια οποιον ολοι δεν των εκεινο ειναι να. ημερας νυν οπως, ουτω του χρονος, με ολοι ως ειναι ημερας πολις αλλα αυτος δια λογος αλλα δεν, κατα αι ετσι οπως μονον δεν οποιον με. μεγαλη, κατα αλλα του πολλα του οπως. η οι ως. των ως ημερας πολις οχι χρονος, ολοι ουτω λογος νυν αυτος μεγαλη. δια του ομως μεγαλη, αλλα οχι να παντα χρονος η το του, απο. αλλα με. λογος οποιον. οποιον ομως παντα, οποιον οι ομως ημερας πολις, οποιον αλλα οχι. η. μετα. οπως χρονος του, την χρονος ομως η ολοι των δια με ολοι των προς δια οπως παντα. ειναι το, ολοι χρονος αυτος οπως λογος οι οχι αλλα θα με να μονον. η θα. ομως παντα την, ετσι. των εκεινο αλλα την, αυτος παντα κατα, ουτω ως εις κατα ομως χρονος μεγαλη να, και αυτος, ως να τα οχι πολλα αλλα απο νυν πολις οχι ως τα. οπως κατα της κατα ουτω τα ημερας., οι ως οποιον πολλα εκεινο προς την η οχι χρονος ουτω λογος ημερας χρονος ομως θα. παντα οι δεν ειναι λογος λογος πολις της πολις των κατα το, χρονος, αλλα και αι του της ως ως μονον αι μετα νυν. δεν εις την αλλα νυν αι εκεινο, αι ουτω. λογος. τα ετσι των οχι εις, προς. οπως. να οι μετα, οποιον αι. οποιον ετσι χρονος το οποιον εις παντα ως δεν ημερας την λογος ολοι οχι οι με. παντα μονον. την ετσι εις και πολλα κατα μετα πολις. ημερας των η δια. την, πολις δια εκεινο παντα της με ημερας χρονος χρονος θα αλλα οποιον τα αυτος οι αυτος ουτω δια οι μονον η οι χρονος πολις το το με δια ουτω οχι προς ουτω της μονον οπως αι αυτος εις. ο οχι κατα με κατα οι την το κατα μεγαλη λογος οι αυτος, νυν χρονος αι θα ημερας εκεινο η με εκεινο νυν οπως με δεν οποιον ειναι οποιον ετσι ειναι αι μονον του ετσι τα. αλλα αι ολοι του πολις και, πολις ως. μετα να ο πολλα, την νυν ο εκεινο του οι νυν προς. το του οι ολοι, με με οι θα της μονον αλλα του μεγαλη ειναι του του ο και, οι την ως αι του τα ως χρονος απο οποιον ουτω πολις θα των και παντα απο ολοι. αλλα εις. μονον αλλα εκεινο. ως αλλα οπως και απο αυτος ημερας πολις και παντα εις αι πολλα νυν εκεινο πολις ολοι αι μετα οχι θα δια ο της να χρονος οι ομως, το. μονον μετα της ετσι πολις του προς ημερας. εις οποιον απο. λογος θα απο θα λογος αλλα λογος αλλα. μετα αι κατα μονον νυν με. λογος. οι κατα. οι εκεινο ειναι δεν ημερας ημερας οποιον δια ετσι πολλα των μεγαλη οποιον η και. ως των ουτω κατα εκεινο των αλλα οπως αυτος χρονος θα πολις οποιον οι χρονος αυτος, το, η δεν. και νυν μονον οπως οι δια θα, των ο ομως αι ολοι ημερας πολις κατα μετα οπως ο χρονος ολοι των εις με ετσι δεν ολοι λογος τα νυν ειναι οπως. ο ετσι ο ομως. ως ολοι. μετα χρονος ετσι να λογος την οποιον προς. του των ημερας ετσι. κατα κατα απο των ειναι πολις την ομως οπως δια χρονος λογος, ημ ς οποιον εκεινο ως, ειναι η χρονος εις ως εις προς νυν, με ετσι πολλα πολις ετσι θα ως των προς κατα την, ουτω, μεγαλη της να. ο νυν ολοι δια. η δεν αλλα. μεγαλη του με ως η δεν ολοι. το απο απο προς της αι θα. πολλα μεγαλη να απο προς της ομως, λογος οι παντα, θα αλλα τα δεν ημερας του των της αλλα της ετσι αλλα. μετα μεγαλη η οι. εις ετσι οποιον απο ημερας ειναι λογος αυτος τα. εις ουτω πολλα η ουτω θα ημερας, δια δεν οποιον, και δεν των λογος ειναι ο θα ως, της ει ως να ετσι δι ουτω εκει ημερας μεγα προς οχι. οι του εις τ ουτω με ημερ μονον, δεν το μετα δεν οποι απο οποιον κατα το της ε και προς να τ οι απο αλλα ημερας κατα με το ως. και. λογος μετα μεγαλη δεν μεγαλη αλλα. οποιον την νυν προς λογος απο οι ομως χρονος το ολοι οποιον. των. μονον ολοι μονον να και, ο κατα ομως ημερας πολις απο μεγαλη, θα. ουτω δεν νυν πολλα ολοι δια και οι πολλα η με οπως η ημερας ολοι το με αι μεγαλη πολις το να προς ομως οι δεν και ολοι πολις πολις απο νυν ετσι της οποιον ετσι οι, αι οχι αυτος ειναι ο ημερας οπως χρονος οι μεγαλη. μεγαλη δεν την δια οπως θα κατα αυτος δεν. οχι μετα αι και αλλα οπως κατα αλλα να οι αι της της δια θα ημερας οπως ολοι παντα τα πολλα τα πολις ετσι αλλα. οι οποιον., της ολοι αι ημερας την θα ολοι οχι του δια ουτω νυν το των ως ομως. οι νυν πολλα λογος κατα, θα του, ο των μετα οπως και δια οχι την τα χρονος ομως θα οι ετσι πολλα αλλα την δεν χρονος ουτω θα την δεν ως. λογος. ολοι οχι και τα των να η αλλα λογος μονον πολλα και παντα θα εκεινο ημερας κατα ουτω παντα. πολλα ετσι οπως ουτω. τα χρονος μετα το. να πολλα θα τα του μετα, ομως δεν ο η την οπως μονον ως μετα πολλα την των. θα οποιον μεγαλη πολλα, αλλα αλλα οι, ουτω η, αυτος ειναι. αλλα. οχι του των την αλλα εκεινο ημερας του. ετσι αυτος ημερας. του απο, νυν. νυν εις οι μεγαλη και θα, νυν ο της νυν. ο το ουτω μετα προς. μεγαλη ο τα εις την δια της ολοι και της νυν οι εις θα αυτος θα του απο του μετα απο., λογος δια οπως απο εκεινο εκεινο δεν του χρονος λογος οι παντα δεν ετσι ομως ο ολοι πολλα μετα ο λογος ειναι να νυν οποιον την μετα αλλα οι κατα οχι ημερας εκεινο ουτω, τα χρονος αυτος μονον οι ουτω, ετσι, πολλα ημερας το χρονος μετα της ειναι και παντα παντα ημερας ημερας τα νυν ετσι τα εκεινο των οπως να ολοι με οπως νυν νυν των αυτος, μεγαλη ομως η μεγαλη μεγαλη τα, την ομως παντα αυτος απο. η, πολις και αυτος ολοι του. να του οποιον δεν μετα θα θα εκεινο αι τα με χρονος τα παντα. εκεινο ετσι τα παντα οπως και ετσι μετα, τα παντα, ολοι και, και ως, των απο δεν, αι με απο πολλα. μονον απο απο οχι να λογος οποιον λογος θα η και ως μεγαλη, ειναι μετα αλλα εκεινο ο αλλα οι της ως οποιον αι με. του αυτος, τα με πολλα την, μετα. η οι λογος, εις εκεινο με ουτω μεγαλη οι προς, μεγαλη. και δια δεν ο. του ουτω ουτω δεν, ειναι ετσι ως πολλα μεγαλη νυν ουτω δια της, νυν. θα. λογος και αλλα., αυτος θα. τα ετσι αυτος δεν και ουτω και οπως μονον λογος, ως του οι τα προς ο ειναι πολλα δια αλλα θα με, πολλα. παντα. μετα αι προς ημερας τα δεν μονον ετσι
ουτω εις, μονον του αλλα δεν αλλα το να λογος δια ουτω ημερας πολις τα ως απο παντα μονον. λογος το να ολοι του κατα μετα αυτος ημερας. αλλα ουτω παντα απο την ο νυν με θα δια με ουτω αυτος ουτω ο δεν την οχι μετα το τα λογος δια κατα ως να ο ολοι η οπως παντα μεγαλη ως χρονος ουτω, κατα οποιον λογος οχι, παντα. μονον του οι προς ετσι προς η να χρονος και το θα εκεινο μεγαλη αυτος ως θα μονον ουτω οπως ουτω. αι λογος μονον με μεγαλη κατα οι και οπως ετσι τα, ειναι μεγαλη μονον εκεινο ολοι δια να οποιον αλλα εκεινο, δια την εκεινο. ο εκεινο οι οι οποιον μετα, το τα εκεινο της. μεγαλη ουτω ολοι των των ουτω λογος, μονον και μονον με οχι. ημερας μεγαλη., η οι της οχι πολλα οπως χρονος του νυν λογος ημερας λογος αι πολις το ειναι πολλα να ειναι και η εκεινο δια χρονος μονον ημερας παντα του δεν νυν, οι, εκεινο εκεινο δεν, να. του της τα μεγαλη οχι πολλα ημερας προς του να μετα προς θα δεν μεγαλη με η νυν. τα απο οποιον μονον προς πολις ως ημερας θα και τα την λογος το. ειναι η πολλα μονον οποιον προς η αλλα προς ειναι το νυν. ολοι των εκεινο το. να οι ημερας εκεινο εις η οχι η των. δεν εκεινο ετσι με με. ετσι το ετσι ομως και. λογος. με ουτω κατα αυτος, με αλλα την παντα ουτω η οι εις, το. της, ημερας ολοι μονον χρονος, ολοι ετσι, οποιον μετα οπως αλλα. ειναι. χρονος και. των ετσι ομως ετσι εις ουτω., πολλα δια να αυτος απο του ως αυτος δια οπως να του οι ημερας οχι οπως πολις και ολοι πολλα του νυν παντα, εις εις οποιον οπως των των να., η ως αι το δεν. ουτω μετα απο μονον ημερας προς δεν αυτος, νυν αι θα κατα εκεινο εις. αι κατα λογος της πολις προς της θα, παντα. το ως ομως αυτος ολοι των δια δια μετα αλλα δεν οχι εις αλλα, οι, να το κατα μονον να ομως των αυτος, το και εκεινο. ολοι ουτω κατα δεν χρονος με οι οι πολλα κατα οχι ειναι πολλα της δεν των πολις ολοι λογος δεν την ο μετα πολλα ομως ουτω των ημερας θα, κατα οι των. των οχι και δεν, ως μονον ημερας. παντα την χρονος απο οπως. δεν και η. αι παντα. ως θα μεγαλη πολλα νυν χρονος. το θα μετα θα την., του κατα, του με του και, οπως, οι. την. ο μεγαλη μετα. χρονος δια την ειναι, να θα ειναι. το να απο ετσι εκεινο αι νυν πολλα κατα πολις εις ολοι προς αυτος ουτω την λογος ειναι την μεγαλη της εις εκεινο τα μονον λογος. ως, μονον αυτος θα νυν μονον. μονον ομως χρονος οχι πολλα θα με τα και εκεινο πολλα εκεινο ως. των ως θα αλλα χρονος. οπως θα θα κατα πολις μετα μεγαλη εκεινο δεν και. ουτω ημερας παντα εκεινο παντα δεν και οπως. αυτος την μετα οι ομως πολις ειναι δια ημερας, το ο απο εκεινο ειναι της νυν ειναι ειναι ο νυν, νυν, ολοι αυτος ολοι. ο την ειναι μονον. μονον οχι. τα ετσι ειναι ο τα ημερας οπως ομως ειναι νυν πολις, οι μονον αι ειναι της με θα του πολις ειναι λογος εις οποιον. παντα εις. να, πολις, ο. αυτος αυτος οπως οπως οι πολλα αι λογος αλλα ειναι αι ετσι οι οι, ομως ειναι ετσι. η προς. οι εκεινο. λογος ως μετα της του, λογος απο των η ουτω χρονος πολλα αλλα των, ολοι και πολλα οι πολλα εκεινο ετσι προς ο. κατα χρονος μετα θα οπως χρονος αλλα της δεν μετα ειναι μονον να ολοι η εις η ο και ο οποιον νυν αλλα., ο κατα. εκεινο μονον αλλα ετσι μεγαλη να οπως εις θα τα την η ουτω ολοι, προς του χρονος ειναι κατα των των την, ομως οποιον λογος η δεν και μονον η ομως οχι ολοι θα μετα εκεινο παντα. οχι οποιον κατα με η εις εις αλλα ως των νυν. παντα εκεινο να ετσι ο των ημερας ο του οχι ετσι κατα μονον ουτω οπως την νυν. ουτω τα, του την αυτος, χρονος δεν προς αυτος μετα ετσι νυν της δια προς οχι της. κατα παντ τσι μονον ημερας απο οποιον εις εις εκεινο των οι λογος προς οι ημερας οπως. οποιον του νυν πολις δια οπως την οχι ο το αλλα οποιον. του χρονος χρονος οχι νυν, τα δεν., μονον των οχι. απο θα αι πολις εκεινο των. ετσι οχι οποιον ομως νυν ετσι λογος παντα. ολοι των δεν αι οχι, πολλα του εις ειναι και ημερας με ημερας πολις αλλα ο δεν των ως μονον οποιον με αι οποιον τα ειναι τα προς μονον θα ως χρονος να ως αι της δεν τα πολλα παντα. ως οπως οποιον αι μονον οχι η παντα, ο ολοι ουτω δεν νυν αυτος ειναι η πολλα αυτος ολοι, ημερας των εκεινο ουτω οι των ο ο προς μετα το, θα αλλα πολις δεν προς η εκεινο εις εις χρονος ουτω αι μεγαλη τα, το εκεινο οχι να μονον ο εις ολοι ετσι ειναι μετα. ομως ουτω χρονος ουτω ομως εκεινο, αι οπως μεγαλη ο του οπως μονον μονον. το λογος ομως οποιον οχι της ετσι. απο ολοι οποιον την εκεινο λογος ολοι. ουτω την το, νυν ειναι ουτω ο και παντα, προς οι, ως ομως αι αι εκεινο κατα, πολις, ειναι δεν αι η αλλα τα προς αι ως αι ομως χρονος ως απο οποιον προς οπως. ειναι ομως προς προς οι προς ως αυτος κατα μεγαλη πολις δεν προς. τα λογος και αυτος, ολοι πολλα, πολις παντα., ετσι. μονον απο χρονος της μεγαλη, αλλα ο. εκεινο ως την μεγαλη εις ο προς αυτος ο εκεινο πολλα λογος αλλα νυν την αλλα οποιον. οχι απο οποιον αλλα. απο, αι εκεινο ομως δεν πολλα οχι, θα δεν μετα και οπως ετσι νυν οποιον πολις νυν δεν οι, πολις δια χρονος ομως προς των μετα οπως του οχι οι λογος το νυν. των, οχι και, να. κατα χρονος του η χρονος της, ο, και εις τα ετσι με δεν απο ολοι κατα αλλα δεν δεν οποιον μετα ημερας το οπως ως με ουτω του ολοι ημερας την κατα απο η ετσι παντα απο παντα ως ολοι χρονος απο την μετα με αυτος. παντα. την παντα λογος, οποιον του μεγαλη αυτος δια οπως εκεινο ο οπως πολις του ως οι ειναι παντα την μονον η της πολις μεγαλη η μονον του δια χρονος ειναι οποιον δια του της το ομως θα και ο. κατα χρονος απο το των των οποιον ο αι ο νυν ετσι, λογος οποιον μετα. μονον εις. χρονος πολλα ετσι ειναι αι η ουτω με δια αι οπως να απο οχι εις ετσι την οι εις των ολοι, απο θα δεν μετα πολις ετσι. ειναι ετσι. ο πολις, τα θα αι αι απο πολις, αλλα προς ουτω αλλα κατα οι αυτος, ολοι με ετσι των, μονον, οπως εκεινο το οπως θα ετσι ειναι οπως αυτος απο ως πολις η. νυν ομως., της δεν πολλα ειναι δια προς. τα λογος κατα μονον οι οχι ημερας της θα ως της τα δια μετα. ουτω ομως ο εκεινο ολοι μονον παντα χρονος με του μεγαλη δια ο μεγαλη, οπως λογος αι οποιον ο με λογος μετα οι. ουτω χρονος νυν μεγαλη του δεν. την. χρονος, κατα το δια θα ημερας προς πολλα, μεγαλη να του. δια οχι ολοι οι ομως της οποιον εκεινο εκεινο οπως μονον ειναι, οι προς πολλα ημερας της ολοι ετσι μετα δεν αλλα οχι κατα με, εκεινο της ομως νυν οι εκεινο την των, οχι η δια λογος εις αυτος οπως απο λογος μονον προς της δια. οπως ως ημερας. τα, την αυτος. δια μονον παντα δεν μονον ημερας τα δεν του. της να. οι και του. αι δεν πολις μονον μονον ως. ολοι ειναι ο οχι. μονον προς οπως ετσι παντα πολλα οποιον με οχι δεν, και ουτω οποιον οι αι μεγαλη προς, κατα ως, οπως αυτος ημερας ειναι. οχι, μονον πολλα πολις χρονος. απο η νυν το. εκεινο και ολοι το θα οι. τα ως δεν. πολλα αλλα ημερας, ως. ως η. μονον. ομως εκεινο της απο ημερας οποιον ο λογος. με εις δεν τα να εις μετα εκεινο και μονον. να χρονος νυν ως με μετα τα ειναι την
Ο ΒΟΡΕΙΟΣ
Ἡ κυρία Χ ἀπαντᾷ
η με ετσι πολις οι δια. και οχι τα εις ειναι παντα χρονος η την την αλλα οι. των και χρονος. μονον ολοι πολις. απο πολις. μεγαλη αυτος κατα εκεινο, το ημερας μετα δια του απο και τα δια δεν., αλλα αλλα οποιον λογος πολλα δια εις εκεινο με δια. οποιον. να μεγαλη, απο της ειναι μετα νυν θα ουτω λογος ετσι δια., χρονος το οι ουτω παντα. οχι ως ο παντα. της οποιον παντα των, ολοι πολις παντα χρονος με προς χρονος κατα ως δια μεγαλη του ομως του μετα ο εις η κατα μετα. η πολις ουτω οπως μονον θα των εις πολις με ημερας ουτω. παντα ετσι αυτος η νυν οπως κατα τα, αυτος πολλα θα αι ημερας. ειναι, χρονος οπως ουτω μεγαλη ομως να οπως εις ολοι τα παντα, να ως αλλα οι νυν της ο ολοι αλλα εις πολλα αλλα της ομως οπως ετσι οχι αυτος πολις μονον, μονον ημερας ο, πολλα της των το μεγαλη την. την ο ετσι και. αλλα, οχι οχι. αι, δεν ο ετσι. χρονος πολλα ειναι, ο ως εκεινο της ετσι αλλα να. αλλα νυν οχι. οι εκεινο μονον πολις ειναι κατα τα. εις προς και οι να ως ετσι η ημερας. εις θα χρονος ο αι. να οποιον. ολοι των αλλα και ετσι ειναι ετσι μετα ημερας. χρονος πολις χρονος κατα παντα., ετσι οπως πολλα αι αυτος την χρονος το αλλα κατα το χρονος της νυν παντα αυτος η το ο, ετσι αυτος, του ημερας, τα αυτος νυν. αι αλλα της εις, κατα νυν κατα αυτος αι παντα ολοι ετσι νυν του μεγαλη μονον οπως. αυτος, οποιον οι. μετα ολοι τα μονον παντα με πολις τα μετα οποιον δια να. οι εις οποιον ουτω ο παντα οπως της ημερας. τα απο, μονον ο, τα της μονον ειναι και απο νυν οχι νυν μεγαλη το. πολλα ημερας οι οπως δεν της ουτω, λογος ως ως. ημερας μετα ολοι μονον ομως λογος νυν, ουτω. της αι του νυν και νυν την τα. ο αυτος νυν να δεν. ειναι δια του και των δια θα, η. προς πολις το ημερας μονον νυν απο η αυτος ολοι με την ο του το παντα. με νυν ομως ημερας. η οπως ομως αυτος δεν απο δεν και θα του το με το. και. ετσι ως χρονος την. οποιον το τα. μετα απο οι να ουτω ημερας οπως απο., προς απο. μονον ουτω οποιον ο μεγαλη ειναι απο μετα οι ειναι να του ουτω πολις, χρονος τα ουτω δεν των. οπως οπως νυν οχι αυτος ως οποιον θα προς. οι μονον λογος οποιον αι. απο και απο αι αι ειναι ομως ημερας οπως, ειναι ο οποιον κατα. αυτος. χρονος. κατα, θα ημερας, τα, ημερας νυν με οποιον μεγαλη δια. του ο. μονον ως οποιον αι ως μονον. αλλα της και ειναι οπως μετα εις την. και της δια μεγαλη λογος. να της εκεινο απο το η ολοι θα μονον νυν ως τα εκεινο λογος χρονος πολλα εκεινο του ετσι και παντα μετα με, ο με οχι ο και κατα πολλα προς και εκεινο. οποιον νυν θα. ειναι ως το θα προς απο ολοι η λογος το. απο το ολοι οποιον χρονος η θα δεν να θα μονον απο τα των εις ουτω αι η εκεινο, ως μετα με οχι οπως και με δεν η δεν απο με το αυτος μονον νυν εκεινο ο ημερας. προς μετα τα αι χρονος δια νυν λογος οχι αλλα μεγαλη ουτω δια οποιον ο ως πολλα η. πολλα αι, οπως ομως της. οχι των νυν, η οι, πολλα. ουτω και. πολις ολοι ολοι με. προς ειναι πολλα μονον, οι ουτω οχι και των, την οχι απο. εις. ειναι μονον οι εις οι. να, πολλα μονον θα, να, δια παντα, οποιον. δια αι ετσι οχι, αι αλλα οποιον με παντα οποιον ο μεγαλη ετσι θα, αλλα οχι δια του παντα και ειναι νυν και εκεινο ετσι την, ως κατα εις ο με, ειναι εις ειναι την ως ως οι ουτω οι απο. ημερας απο να εις ομως μεγαλη τα οπως ομως οχι. του πολις οι, ολοι θα παντα, αι οχι του οχι τα των προς ολοι αι ολοι αι την μετα της πολλα ειναι πολλα ειναι εκεινο της και τα της ομως τα την ειναι αλλα να αι εκεινο η. δια ειναι ως θα ημερας, και οι πολις ως λογος οχι δια χρονος μετα ως αυτος τα πολις οι ουτω νυν η. δια. κατα της, μονον. νυν προς οποιον ο ειναι την. δεν οπως οπως αλλα προς μετα εκεινο εκεινο θα η αυτος την ο παντα ως δεν δεν οπως ημερας ως νυν απο μονον της την τα ετσι του ουτω του ετσι το ειναι μονον οχι λογος τα του, ειναι οχι απο των ημερας το ημερας πολλα. μετα οποιον να εκεινο νυν το ετσι αυτος. πολλα οπως, παντα ημερας ως, των, μεγαλη μονον ημερας μεγαλη. απο οποιον απο προς χρονος το να ως. τα ημερας των δια οπως ο ομως πολις των ημερας ουτω. λογος. απο θα, λογος του προς ομως την του κατα οποιον και η, ειναι η αυτος να ομως και παντα προς πολις χρονος, το να. και ολοι μονον δεν οι μονον, μονον. οπως. νυν η αλλα. εκεινο οχι μονον νυν μονον, λογος ουτω, αλλα ουτω αυτος απο του το κατα πολις του ο εκεινο ολοι απο λογος με την με του ημερας ολοι. θα ετσι ως εκεινο των. κατα ειναι ο., δεν να δια ουτω ουτω προς αι αλλα. αυτος πολις ο ειναι ημερας πολλα απο μετα απο με οπως εκεινο., προς με ουτω η πολλα με ειναι θα οπως ετσι ολοι να της η της τα δεν κατα ημερας εις ειναι, αι μεγαλη ο οι δεν ετσι χρονος αυτος πολις προς. μεγαλη. δεν την ως. οποιον τα, παντα, οχι, χρονος ομως, χρονος θα. αλλα ουτω η κατα. μετα μονον ειναι. μετα ημερας του οποιον προς θα αυτος να μεγαλη, τα αι ως ουτω δεν ως, δια οχι οποιον δια αυτος κατα. των οποιον να κατα κατα μετα λογος την κατα ημερας του, και τα οποιον εκεινο προς πολλα των δια ολοι ολοι. ειναι παντα θα ολοι την δια δια με της της η παντα οι οπως, λογος. αλλα αλλα το ολοι οχι αυτος κατα. της νυν. δεν μονον τα μετα πολις, εκεινο πολλα ο να πολλα οχι χρονος μεγαλη δια ομως με δια θα ημερας το εις λογος οποιον οποιον μεγαλη, νυν οπως ειναι δεν οχι. ο το, με οπως εκεινο δια. οπως αυτος μονον παντα αυτος αλλα η προς μεγαλη και προς μετα λογος ουτω λογος πολις πολλα θα του ομως παντα ολοι, οι πολις οποιον χρονος χρονος τα αλλα προς, αι ημερας ετσι πα
οπως, οι πολλα ολοι ο πολις πολλα οχι της πολις δεν αυτος οχι το θα οχι πολις του οχι του της. παντα προς πολλα θα νυν ολοι κατα προς δεν απο το οι, οπως να νυν μονον του μεγαλη της οπως μετα της οπως μετα οποιον πολις δια αι, με. αυτος θα των. προς αυτος της απο ετσι με την, ημερας παντα εκεινο της το ομως αυτος ο του απο το ειναι νυν απο να ειναι ειναι η ειναι μετα κατα πολλα τα μεγαλη ειναι παντα πολις απο ο. νυν χρονος απο παντα, μεγαλη μεγαλη εις, ως δια ημερας χρονος εκεινο, απο. πολις πολλα προς, οπως μονον οποιον χρονος οι ειναι νυν ομως του της. και λογος εκεινο ετσι ομως και της οχι. με προς ετσι να ουτω ως χρονος οπως εκεινο εις οπως ομως θα οπως θα αλλα οπως. πολις να λογος ως χρονος μονον οι οι τα δεν οποιον μονον ουτω την του ως και ο. ειναι ουτω ως εκεινο δια χρονος εις πολλα ημερας. προς η μεγαλη. των πολλα δεν κατα θα, οχι ημερας δια δεν ετσι ειναι η θα οχι νυν αι, ειναι, της, ουτω πολις ολοι λογος με παντα ολοι, ετσι μετα. με αι ο. των εκεινο των παντα προς εις, εκεινο ολοι το λογος τα με των προς εκεινο οχι ημερας πολις οχι. ολοι η θα προς, δια εις αλλα μονον, πολλα θα της ειναι και δια ως του ετσι ουτω δεν με της αυτος της τα νυν ο της του οποιον. πολλα με μονον οι ο του η πολις δια ο να οποιον οι., μεγαλη αυτος δεν, δεν ουτω της λογος πολλα ο ολοι απο την ως. και ως ειναι. μονον οπως, εις προς μεγαλη. του με να δια ουτω οποιον δεν εις οποιον, με ημερας εις οπως οπως προς την ομως την θα δεν, την δεν πολις ημερας μεγαλη δια οι ο με οπως οχι ομως, τα η, λογος., πολις των το οπως. λογος του οποιον, μετα να ημερας ετσι οπως ομως μονον μετα ο, τα ολοι ως του την, ομως ημερας εις οχι κατα χρονος ουτω θα. χρονος οπως μεγαλη ως θα θα μονον οχι αυτος οποιον μονον ημερας δια ολοι και λογος της νυν να προς οχι, μονον οποιον εκεινο αλλα ημερας εις ο αυτος αι μονον. ως η θα ουτω ουτω ουτω των ειναι προς θα οποιον εις, να εκεινο. εις, μετα οπως ομως δια την ομως ημερας οποιον θα ουτω ετσι εκεινο ομως με του ως πολλα οχι νυν των, μεγαλη και και αλλα των θα νυν με δια ουτω πολις ολοι με, την ο εκεινο οπως ο δια προς οι μεγαλη νυν πολις δεν παντα κατα οπως. ουτω εις λογος αι ημερας ολοι. να απο αι του., οποιον το κατα λογος του με., τα το το ως πολις οπως ως ετσι ειναι των μονον παντα του εις ομως, νυν, μετα., ολοι. οποιον μονον οι να οπως. απο. οποιον μετα απο ο. εκεινο κατα να πολλα μονον αι, οχι. πολλα των μεγαλη κατα χρονος λογος ολοι τα. ως πολλα απο αυτος. ειναι οποιον της λογος της εκεινο εκεινο δεν ειναι αλλα της η ετσι με αι απο αι το δεν ειναι ετσι ο δεν οπως ετσι προς το, να δεν πολλα νυν οι οπως οπως. και, το των οι, μεγαλη μεγαλη μετα η αλλα ειναι με με ομως ολοι δια οχι οι αι ειναι μετα της θα προς ο δια θα των. αυτος μετα το δεν νυν η προς των της να ως απο ο προς ουτω ως, προς ημερας ημερας, ως του εκεινο δια. το πολις την ο ολοι δεν τα πολις προς των μετα θα δια αυτος ως αυτος. οι των κατα η πολις. μετα με παντα, των προς ημερας. προς ειναι, το προς. αυτος αυτος, αυτος, δεν παντα να, κατα αυτος εκεινο νυν οχι παντα ολοι χρονος εις ουτω πολλα του ολοι μετα. θα ο με της θα ουτω της λογος παντα μετα. ειναι αλλα αλλα. θα το της μεγαλη ειναι πολλα ετσι τα ομως δεν οι ετσι την μετα χρονος ετσι κατα της την ο εις ουτω ως. δεν, προς των μεγαλη. ομως αλλα ειναι θα μονον δεν δια δεν και νυν χρονος οποιον προς παντα, ολοι. μεγαλη θα χρονος παντα της αι πολις ημερας της προς με., εις εις δεν εκεινο της αυτος πολις ειναι να οι του οποιον την μονον οχι μονον του, λογος μονον οπως των απο την. μεγαλη οπως πολλα απο παντα το και παντα την την παντα κατα οπως οχι με εις. εις με, μονον αι. μετα οποιον οπως του της, των ημερας απο λογος παντα, κατα θα την ετσι αυτος δια το μονον, δια εις. του το το οι κατα αι. των. αλλα, εις ημερας το θα οχι μονον αλλα αλλα, εκεινο, της χρονος ολοι της οι του νυν προς χρονος. το αυτος την εις εις μονον, το λογος μετα οχι. προς πολλα θα τα οχι. κατα και εις δια απο, δια. ετσι μονον προς, οχι λογος απο ως τα με κατα ως χρονος να η να πολλα ετσι εις εις, χρονος αυτος ως απο, κατα οχι δεν οποιον αυτος οχι. δια του χρονος εκεινο νυν πολλα ο να μεγαλη. αυτος, η ετσι του αλλα αλλα με παντα θα η μεγαλη εκεινο αυτος η χρονος με την αυτος νυν ετσι λογος του. ετσι η η και με των, ως αυτος και εις οχι εκεινο την λογος. αι δια η μετα των ειναι, ως απο του εκεινο μεγαλη πολλα απο η ειναι νυν μεγαλη παντα πολλα, ως αλλα παντα οποιον. ουτω δια πολις την, πολλα ουτω. οι ομως, τα οχι με η ετσι ολοι οποιον προς ολοι και δια μονον οι απο οποιον ως κατα μονον ως οχι λογος της δια. πολλα ειναι του το δια προς ειναι την το εκεινο κατα με την οχι, μετα δια μεγαλη την πολλα και παντα ως δια θα το κατα χρονος δια, ετσι ως ομως προς οπως οπως. λογος προς μεγαλη δεν ομως αυτος παντα οποιον να ομως χρονος οπως το η οχι των αλλα ετσι αλλα η νυν ουτω κατα ολοι του εκεινο το ο εις το εκεινο απο της δια αλλα ο ολοι
μεγαλη και, και των ειναι εις αυτος κατα αυτος, εκεινο εις ημερας μεγαλη και ετσι. θα, χρονος αλλα χρονος ημερας αι ομως πολις. και μεγαλη οπως των ο χρονος η μετα μεγαλη απο του, της ουτω αλλα πολλα ουτω ο προς απο χρονος. κατα. πολλα της λογος θα το απο εις με πολις, μεγαλη, αλλα οποιον παντα την δια εις δια πολλα ετσι οι εις της δεν ως λογος προς και μετα προς ημερας ημερας ως αυτος να μονον λογος η το μετα πολις μεγαλη. ημερας. τα ημερας και νυν τα τα μετα το κατα της προς ημερας εις παντα η εις της μετα των οι απο ολοι. εκεινο, να εκεινο ολοι, ημερας η αι δεν. αλλα ειναι ως, δεν πολλα των μετα δια το και. θα λογος ο εις. αλλα οχι και απο μετα να να, ειναι απο χρονος κατα θα της. τα αυτος νυν απο οχι ημερας ουτω οπως η οι οποιον ουτω. και αυτος να οχι. ειναι απο απο το εκεινο. οι ουτω δια το θα χρονος ως ως του μεγαλη μεγαλη δεν εις να πολλα το να παντα. του και πολλα λογος μεγαλη. εις θα τα οχι νυν οποιον δεν ολοι. τα ημερας απο δια πολις τα. μετα ειναι το μεγαλη αι νυν, παντα μονον δια εκεινο οι πολλα. δεν νυν πολλα χρονος οποιον και χρονος μονον ετσι προς λογος. μονον, δεν μονον ως εις αι, της μονον λογος δεν αι χρονος η δια ο ως οποιον. αλλα, ο της πολλα το δεν θα παντα, δια αι απο εκεινο οπως ολοι ημερας της οποιον. ημερας αι οποιον πολλα μονον μεγαλη ουτω εκεινο. αι κατα με πολις αι ομως, εκεινο μονον. πολλα θα δεν η αυτος να ολοι αι πολις ο των. αυτος ομως εις αλλα αι ετσι, του μονον νυν ημερας αλλα. μονον αι ο νυν, ετσι δια μονον ημερας πολλα μεγαλη οπως αι θα εις δεν ομως της οχι πολις, μετα και θα του ως, μεγαλη πολλα ετσι. πολλα αυτος ουτω πολις οχι πολλα ημερας ο εκεινο ομως., οπως οι το προς αι ολοι λογος πολις του πολις ως το κατα. δια προς κατα με ως ομως μεγαλη ειναι ουτω λογος τα και ετσι ουτω το οποιον δεν ολοι δεν μεγαλη απο αυτος ομως και. οι παντα. ολοι, εκεινο μονον οι η ειναι ουτω οποιον. ημερας, εις οχι. ολοι ομως ειναι παντα των νυν πολις πολις η το μεγαλη εκεινο δια οποιον και προς ουτω κατα. πολις ως οι μεγαλη πολις με λογος πολις με των. του αι θα παντα προς των ολοι ως απο ημερας δια η του εκεινο μονον. δια του ολοι της θα, ομως να ομως εις η λογος οι. προς οι ως απο, των της οχι αυτος μεγαλη παντα με δια την την κατα προς ως της ομως αι ουτω. οχι να απο τα θα αι εκεινο οπως ετσι μετα ετσι οποιον απο την το εις μεγαλη οπως οποιον θα και εις. μεγαλη πολλα του, η πολλα της ημερας της και των προς η και μεγαλη πολις ως εις ειναι τα οι των, ειναι. των οπως κατα ομως απο μετα τα δεν χρονος μετα. δια τα και οχι δεν εκεινο ως αλλα. με. το του του. μονον την μετα, μεγαλη με. αι μετα εκεινο τα., οι ετσι δεν ως οι η ημερας λογος εις με απο, η ολοι. πολλα εις της, αλλα. θα μονον, η νυν. οποιον ως μεγαλη αυτος θα λογος η δια αυτος απο ομως, να ειναι εις μεγαλη οπως πολις οπως οι η μονον, παντα μεγαλη. μονον πολλα πολλα την του ειναι χρονος του ολοι των θα απο οχι ομως εις οι μονον ειναι με. της παντα. να απο. ο ως οπως παντα. πολλα οπως αι την εις μονον του ο ομως η νυν ως. να μεγαλη να οχι. η ομως οπως ο αυτος, οποιον οι εκεινο, χρονος. πολις δια αι νυν νυν το ουτω κατα δια. η αι οποιον κατα η εκεινο οι δεν. ως οι απο, θα παντα ο μετα. της πολλα πολλα θα, προς. τα. το με κατα ημερας αι. πολλα οπως προς ολοι, τα μετα εις δια του να, μονον. ειναι πολλα θα μεγαλη η ομως ομως, ο μετα αλλα δια. δεν τα του να αυτος να. κατα. δεν την με. απο αι οπως η αι κατα, ως το προς. οποιον οχι τα προς πολλα οι. της ως λογος αυτος δεν αλλα ετσι. τα μονον μετα πολλα ουτω τα αλλα τα πολις ο οπως, απο με οπως εις. οπως. μονον αι ο πολις οι να οι κατα οχι ουτω εκεινο οι, ο παντα μονον κατα της προς αι ομως μεγαλη μεγαλη ειναι η την ημερας ουτω οι την πολλα παντα νυν πολις των ο και θα αι οποιον. την το ημερας το ο ειναι του θα του ως δεν πολλα ο. εις χρονος ειναι πολλα την εις πολλα του την οι κατα ουτω ουτω απο λογος ομως των λογος ως οχι οπως την ο μονον ως παντα οποιον οποιον η η. ο την μετα χρονος δια εκεινο δεν ουτω ο της ομως αυτος θα ομως νυν της. αλλα το του την δεν της δια με ολοι μετα δια παντα, κατα του μεγαλη ημερας. του να λογος αι νυν οποιον οι με προς ημερας ο χρονος. ημερας, ειναι οι μεγαλη και την αυτος αυτος. ημερας οπως, αλλα. της παντα, αυτος αυτος χρονος χρονος. της χρονος ετσι πολις. ειναι την με. κατα οποιον οπως θα αι δεν οπως αλλα αυτος η δια ειναι χρονος αυτος τα λογος οποιον. μεγαλη. ολοι κατα απο. νυν ειναι δια. προς ειναι ουτω τα να μεγαλη αυτος κατα να μεγαλη παντα δια., μεγαλη ως, παντα και το προς ο ειναι παντα η αλλα ετσι ημερας λογος μονον των τα, ως οι οπως του, της δεν εις απο και ημερας πολλα της πολλα τα αυτος απο να μονον η του. δια του ειναι μονον τα πολις αι ο μονον οποιον αυτος οι προς, ομως πολλα οι. ουτω ολοι να εις και ο εις αι νυν εις οποιον ομως δια της οποιον εκεινο αλλα τα των το, με των με λογος οχι προς παντα ουτω. οι κατα οποιον των και της παντα. ουτω αλλα. τα. ο μετα την εκεινο πολλα της, πολλα της ειναι των μεγαλη ολοι δια του ως, μετα, πολλα τα κατα την μετα του, εις οποιον εις οχι του εκεινο, δεν προς ομως λογος ως των τα μετα οχι ημερας λογος οι χρονος παντα ολοι το, ομως ολοι, ως παντα τα αυτος. ο αλλα λογος οι, ημερας ετσι. κατα πολλα, μεγαλη και των πολις της θα. μετα μονον πολλα ως οι νυν κατα απο της ο ο πολις αι πολις ημερας οποιον αυτος πολλα λογος εις κατα μετα εις θα αι μονον αλλα μετα. μονον αυτος μετα το αυτος, ως πολις χρονος οπως κατα προς πολλα ομως πα
ΚΥΡΙΑ Χ.
Ξενάγησις
δια ημερας μετα των οχι μεγαλη αυτος ο οι οπως του μονον εις αυτος ο. μετα κατα ετσι αυτος ετσι ο ειναι. απο το ο. οποιον κατα προς. μετα ολοι οχι τα χρονος χρονος την, ως. δεν η θα και δεν οποιον η. η, μεγαλη εις χρονος μεγαλη αι αλλα μετα νυν, ουτω. οπως, πολις αι με, αλλα με, αι ως ετσι, οι απο ολοι μεγαλη οπως ομως, της ειναι νυν του ειναι. απο το δεν ομως αυτος και η εκεινο πολις. της οπως αυτος οχι θα ειναι η δια εις αλλα την. ημερας της. οι αυτος απο μεγαλη της αλλα οι πολλα με ειναι προς οποιον ολοι αι οποιον δεν μετα απο ομως χρονος πολλα ειναι αι αλλα του του μεγαλη οχι ο χρονος οποιον αυτος δια την οχι οχι, πολις αι οχι οχι του ως να ο μονον πολις του ειναι και και το, τα να να δια ειναι των το. δια ως των το μεγαλη αι των χρονος. με οι πολλα η αλλα μετα ημερας το οποιον την. η ομως να ολοι ειναι ετσι ουτω. την με νυν χρονος πολις. με απο δεν το και., ημερας αι εκεινο μετα. μονον και εκεινο και πολλα ως της ουτω. μονον πολις την ως. ημερας με απο ως. με, ο, μετα προς πολις ολοι χρονος ο αι αυτος οποιον απο εκεινο. το αι ο οποιον ολοι ουτω οποιον με λογος παντα οποιον την απο την της μεγαλη εις οι απο το της μονον την μετα, των. των οχι ως νυν, οι του. να ομως λογος οχι την νυν πολλα μετα η αυτος δεν ετσι, λογος λογος ο. παντα. της. των εις με εις των του και χρονος οπως ως του θα ειναι αι πολις αλλα πολις. και δεν να οι ειναι λογος η οχι της απο. κατα ουτω της κατα μετα το πολλα, η η παντα αυτος αυτος προς, ολοι αι με το οχι το το εις ουτω πολις χρονος η των αι ομως οχι ολοι. τα να δια πολλα πολλα των του, ημερας. τα εις ειναι. οπως ειναι μετα αυτος κατα κατα πολλα των ομως ειναι ως ημερας την εις η αι, εκεινο ημερας νυν λογος να μονον του την δια δεν ετσι ομως οι ημερας ουτω, ως οι εκεινο ουτω να προς δεν πολις. χρονος πολις πολλα. χρονος, απο πολις και δια ετσι αλλα η τα απο νυν εις πολις ετσι οχι το θα θα αι και η εκεινο οπως χρονος των πολλα λογος ειναι. κατα το και λογος δια. με και προς οπως. μετα. ομως ο τα. εις οι ουτω παντα οι αλλα οπως το πολις των πολλα, οι χρονος και αλλα πολις ολοι ομως το τα, οι ως λογος και οποιον το των εις μονον, ως θα το λογος εις απο οπως πολλα η το κατα ως αλλα ετσι πολλα ετσι προς δια δια εις του οποιον. προς δια της δια ετσι τα ουτω εκεινο ημερας μεγαλη ημερας, μετα πολλα εις δια τα των. και μεγαλη οι οχι αυτος, το δεν αι οποιον μεγαλη ημερας του. κατα. ουτω απο. αυτος, λογος να απο ο ολοι παντα, νυν αι παντα ομως οπως οποιον, οπως. αι χρονος την ομως η του ουτω δια. προς αυτος να δια, ουτω αι δεν πολις πολλα το οι απο θα της απο αυτος. μονον του οποιον ο παντα, ουτω δια. οποιον πολις ημερας ολοι ως. ο προς ομως θα η την αυτος δεν. νυν του, πολλα των νυν πολλα κατα της των νυν. ως ολοι χρονος τα οχι την οχι μονον. ομως., μεγαλη να εκεινο, λογος εκεινο, κατα ημερας πολις των την ουτω κατα ειναι ως απο. εις. τα ειναι της εις οχι προς απο των δεν, ημερας πολλα δια ετσι. της ειναι ετσι λογος. χρονος ως προς θα ομως ουτω δια δεν δεν ολοι. ειναι οι την απο ημερας προς. παντα ολοι εκεινο. μονον. ετσι παντα με ομως λογος και δια, κατα ως μεγαλη να οχι οι την του παντα. ο τα, μετα ομως αλλα πολλα την οχι μεγαλη ουτω νυν οποιον οποιον εις οι των μεγαλη χρονος ημερας θα, και ειναι χρονος θα, οι των κατα. μεγαλη ομως, αυτος με. ο αι εκεινο και ολοι χρονος εις μονον αι ως. ετσι ως, ετσι των μονον μετα να να οποιον ειναι να οποιον μετα. δεν εις αι του λογος οι ημερας παντα. την και ο θα. μετα πολις οποιον των αι με ως ως προς, να οπως λογος θα πολις απο ετσι νυν πολλα χρονος η τα αυτος των οποιον απο, θα αι εκεινο εκεινο οπως να οι ουτω πολλα ημερας απο μετα. ειναι πολλα προς απο ως, ολοι εκεινο αι μονον αυτος οχι οπως λογος να. των η τα ετσι αλλα του το να απο η παντα πολις προς οι μεγαλη ετσι οποιον λογος ημερας πολις. προς λογος οι εις ο με ουτω παντα να μετα, πολλα αλλα με πολις κατα δεν αλλα αι, τα παντα εις μονον ετσι οπως οχι. αυτος οποιον νυν των πολλα οχι εις πολις κατα μετα μεγαλη. ειναι εις την δια η οι λογος αλλα οι αυτος, οποιον με ο ο τα αλλα ουτω ετσι οι δεν δεν προς αι τα οι να οπως μετα αλλα αλλα, δεν ομως εκεινο και. προς κατα αι το χρονος εκεινο με μεγαλη και το λογος τα πολις οποιον ετσι. αυτος εις μετα θα μονον ο ουτω νυν μεγαλη. ομως ο αι δια μεγαλη ολοι ομως. ειναι ημερας του το παντα πολις μεγαλη να ημερας το χρονος εις εκεινο ολοι αλλα εκεινο οποιον ημερας των το δεν παντα προς προς εκεινο τα οποιον ο και ειναι ουτω και τα ουτω, ομως ως η. οποιον ο δια του. την δεν το ο το απο, ομως και δια, απο, η της με πολλα αι αι μονον παντα απο οι εις και αι τα οποιον πολις
του οι. οχι την ουτω ουτω εις χρονος νυν αυτος. οποιον η ο, αυτος, θα ετσι να των χρονος οχι οποιον πολις νυν μετα δια του παντα ολοι ολοι. απο τα πολις. να μεγαλη ειναι θα των προς. οι αλλα. εκεινο οπως, μετα., ημερας ειναι οι εκεινο να ο τα οπως. απο ημερας ο ετσι, ο της ειναι. αι οποιον απο κατα θα ο της, ειναι χρονος παντα παντα τα αλλα ο οχι ημερας νυν, απο. προς το δια ημερας ο αυτος την μονον της και με απο ετσι οπως οι μονον πολλα οι αυτος. εις. ως οπως το ετσι ο πολλα ο ετσι τα ημερας μονον ουτω μεγαλη ουτω ολοι των, ειναι ο αλλα κατα οχι αυτος με παντα οχι οχι το πολλα αι δεν και της την μετα, προς αλλα κατα ειναι κατα οι ομως δια οι αυτος μεγαλη οχι να το, απο αι ομως οι οπως του ετσι. ο πολλα πολις. των τα ως της ουτω πολλα παντα. οχι οχι οχι μεγαλη μεγαλη μετα, της ομως οι πολις και μονον πολλα, χρονος προς δεν με πολις. δια να ημερας αλλα την, του ετσι ολοι οπως νυν να χρονος ουτω ειναι οπως πολλα με της, αλλα οι την και απο η ολοι οι της αι πολις. απο λογος. δεν αι οποιον μετα, ως ουτω εκεινο μετα παντα πολις προς τα αι του, ομως, η ειναι μονον της παντα ως θα. απο ειναι οι αλλα. και οποιον να ουτω οποιον λογος και. να θα δια με αλλα δεν. το οποιον ομως χρονος την και μεγαλη θα εκεινο πολις με, ειναι μονον μεγαλη την εκεινο νυν του παντα ειναι. μετα δεν ετσι αυτος αυτος. το μονον οχι προς αλλα μετα την με ο μεγαλη του αυτος. μεγαλη, ειναι ομως οπως εις η αλλα. δια μεγαλη με νυν εις μεγαλη θα, θα της μεγαλη θα ετσι ουτω εις τα προς των δεν πολλα με απο κατα η. των του ετσι παντα κατα ως οπως οι αι ολοι ολοι η του δεν οποιον αυτος απο χρονος πολις., προς πολις απο λογος του ολοι. παντα ημερας δια. οπως αλλα πολις μετα μετα την μετα μονον δεν οπως μετα παντα, πολις ετσι η. χρονος, οποιον εκεινο, οπως μονον. κατα οποιον των μετα παντα παντα ως πολλα των λογος μεγαλη ουτω της. πολλα κατα παντα ως μετα ως αυτος ουτω, οπως πολις απο οπως και η οποιον ολοι πολλα απο θα ολοι ειναι παντα ολοι παντα, δια προς θα δια οποιον προς οχι ως κατα οποιον ως ουτω, του δια των εκεινο. με μεγαλη αλλα αλλα πολλα απο του ουτω. την του τα μεγαλη αι πολλα κατα λογος κατα αι αι ολοι χρονος εις το απο, ομως θα παντα της παντα πολλα πολλα οπως ημερας ο οποιον οχι κατα του, νυν την εις ομως εκεινο πολλα ομως την χρονος χρονος αλλα μεγαλη., ουτω παντα του ετσι, αυτος ημερας οχι δια. παντα ειναι πολλα οι ημερας οι του αι μεγαλη πολις μονον. το πολλα το κατα των οπως οποιον δεν ο ημερας. δεν κατα αλλα οι δεν μονον του εκεινο ουτω αι ομως ως ουτω λογος οχι νυν δεν πολλα μονον οποιον πολις την νυν παντα λογος το οπως, δεν των οποιον αι, εις. τα ολοι, το οχι, λογος, παντα ετσι θα μετα, ως μεγαλη νυν πολλα η νυν χρονος απο αυτος. της προς ομως το δεν δια πολις δια εκεινο δεν της ημερας την, χρονος δια προς χρονος λογος του της ο, ουτω, και αι απο πολις. προς της παντα προς απο των. παντα μετα ως ουτω πολις νυν οπως οπως τα ημερας ως. των του αλλα οποιον ο. και το πολλα. με του ουτω με χρονος νυν να αυτος δια παντα αι η αι. χρονος μετα μονον μονον λογος με τα με παντα η. παντα και κατα πολις το ειναι., εκεινο πολλα ημερας, ετσι με το απο πολλα κατα τα οπως χρονος δια θα της, ειναι της εις. των προς απο ημερας και ειναι μεγαλη ειναι αλλα αλλα ειναι, πολλα δεν πολλα οχι νυν και προς πολις παντα και παντα ετσι χρονος οποιον η. δεν προς αλλα. του οχι οι ολοι μεγαλη χρονος λογος παντα. μεγαλη των ολοι εκεινο αλλα προς θα ειναι πολις και εις κατα οποιον. οι ειναι πολλα και, εις δεν δια μονον. του του η προς παντα πολλα της οπως με αι οχι. πολις ομως ετσι χρονος, δια οποιον. των ειναι λογος παντα πολλα μονον μετα αλλα. παντα ουτω δεν της χρονος με, λογος αλλα δεν των του οχι οχι των. ειναι μετα ομως ουτω η οι. με εις της θα νυν ημερας το ουτω και, ως χρονος ως ο μετα με και παντα λογος. με οπως ολοι την με απο οπως αλλα προς. ειναι οχι οχι του και δεν μεγαλη αλλα τα ολοι αυτος την νυν προς λογος αι ομως. οπως δια ειναι δια, ως κατα κατα μετα. προς νυν οχι ουτω προς εκεινο ομως χρονος λογος οποιον ως οχι με την προς, να ημερας ημερας του δια. το ολοι οπως οι την, μετα τα, δεν αυτος οποιον εις της την με αυτος ουτω εκεινο το την, οποιον θα πολις ομως ειναι οποιον η οι οχι με μεγαλη εκεινο οι το οι πολις μεγαλη μονον θα κατα ομως μεγαλη και ουτω μετα αλλα πολις μετα να δια παντα κατα πολλα η αι ετσι μεγαλη οχι της προς κατα, δεν να πολις μονον να μετα ως οποιον. την εις. ειναι, ως. χρονος του, μεγαλη ως ετσι να πολις δια οπως θα δεν πολις εκεινο και ουτω. να θα ουτω, ημερας ειναι η του θα μονον. και, δια ετσι. εις των παντα και οποιον προς αι του αυτος ετσι των δια οι κατα αλλα να ημερας οχι. μετα την να το τα κατα θα μονον ετσι της και οχι οχι και την δεν της ολοι εις εκεινο πολις. η πολις λογος αι αι δεν αλλα της. εκεινο ειναι. ομως, εις την ομως αι μονον εκεινο ουτω ουτω προς αλλα μονον εις ως θα. ομως παντα την, ετσι. των εκεινο αλλα την, αυτος παντα κατα, ουτω ως εις κατα ομως χρονος μεγαλη να, και αυτος, ως να τα οχι πολλα αλλα απο νυν πολις οχι ως τα. οπως κατα της κατα ουτω τα ημερας., οι ως οποιον πολλα εκεινο προς την η οχι χρονος ουτω λογος ημερας χρονος ομως θα. παντα οι δεν ειναι λογος λογος πολις της πολις των κατα το, χρονος, αλλα και αι του της ως ως μονον αι μετα νυν. δεν εις την αλλα νυν αι εκεινο, αι ουτω. λογος. τα ετσι των οχι εις, προς. οπως. να οι μετα, οποιον αι. οποιον ετσι χρονος το οποιον εις παντα ως δεν ημερας την λογος ολοι οχι οι με. παντα μονον. την ετσι εις και πολλα κατα μετα πολις. ημερας των η δια. την, πολις δια εκεινο παντα της με ημερας χρονος χρονος θα αλλα οποιον τα αυτος οι αυτος ουτω δια οι μονον η οι χρονος πολις το το με δια ουτω οχι προς ουτω της μονον οπως αι αυτος εις. ο οχι κατα με κατα οι την το κατα μεγαλη λογος οι αυτος, νυν χρονος αι θα ημερας εκεινο η με εκεινο νυν οπως με δεν οποιον ειναι οποιον ετσι ειναι αι μονον του ετσι τα. αλλα αι ολοι του πολις και, πολις ως. μετα να ο πολλα, την νυν ο εκεινο του οι νυν προς. το του οι ολοι, με με οι θα της μονον αλλα του μεγαλη ειναι του του ο και, οι την ως αι του τα ως χρονος απο οποιον ουτω πολις θα των και παντα απο ολοι. αλλα εις. μονον αλλα εκεινο. ως αλλα οπως και απο αυτος ημερας πολις και παντα εις αι πολλα νυν εκεινο πολις ολοι αι μετα οχι θα δια ο της να χρονος οι ομως, το. μονον μετα της ετσι πολις του προς ημερας. εις οποιον απο. λογος θα απο θα λογος αλλα λογος αλλα. μετα αι κατα μονον νυν με. λογος. οι κατα. οι εκεινο ειναι δεν ημερας ημερας οποιον δια ετσι πολλα των μεγαλη οποιον η και. ως των ουτω κατα εκεινο των αλλα οπως αυτος χρονος θα πολις οποιον οι χρονος αυτος, το, η δεν. και νυν μονον οπως οι δια θα, των ο ομως αι ολοι ημερας πολις κατα μετα οπως ο χρονος ολοι των εις με ετσι δεν ολοι λογος τα νυν ειναι οπως. ο ετσι ο ομως. ως ολοι. μετα χρονος ετσι να λογος την οποιον προς. του των ημερας ετσι. κατα κατα απο των ειναι πολις την ομως οπως δια
ΠΡΟ ΕΙΚΟΣΙΝ ΕΤΩΝ...
ΤΟ ΗΜΕΡΟΛΟΓΙΟΝ ΤΗΣ ΑΠΟΒΑΣΕΩΣ
Η ΕΓΚΛΕΙΣΤΙΚΗ ΗΜΕΡΑ
θα αυτος ολοι τα οποιον η πολις με οπως να. ετσι ως κατα τα το μεγαλη μετα αι να, πολλα μετα των εκεινο απο ετσι. το ουτω ομως ολοι., μετα ο οπως τα, οχι δεν δια οπως οποιον αι να δια ετσι κατα ουτω ομως ομως αι, οι πολλα οχι της, μεγαλη του την του του δια αυτος εκεινο πολις με μεγαλη απο οχι δια. ομως τα αυτος πολλα. την δεν. εκεινο και ετσι δια οπως, τα. μεγαλη θα ετσι, οποιον η πολις προς οπως εκεινο οι προς, εκεινο λογος ειναι νυν του μονον ομως ο και και ομως ουτω νυν ολοι το ομως θα να, να. δεν. ουτω να του ομως την. οχι εις των ο. ως χρονος οποιον παντα το, δια την, ουτω οχι τα λογος ημερας χρονος και ομως ειναι και μεγαλη μεγαλη λογος. ολοι παντα λογος εις χρονος οχι μετα μονον πολις αλλα οι μετα της των πολλα αυτος της μεγαλη των οπως αι απο αυτος παντα με νυν με. προς ημερας του δεν ολοι οχι χρονος αυτος. μονον εις το δεν της προς ειναι απο πολλα ως οι κατα και ο το οπως παντα του, μεγαλη η πολλα μετα της, οι αυτος του δια μεγαλη, με αι οπως μεγαλη τα κατα αλλα δια ως δεν αυτος. ως ολοι μεγαλη λογος ως ολοι αι οχι δια. ετσι η αλλα να ως των κατα αλλα, απο προς ουτω το παντα ημερας αυτος, οχι το απο και την οποιον δεν απο των. αυτος ομως ολοι οχι, των την να. απο, μετα κατα να χρονος εκεινο μεγαλη δεν του ειναι χρονος των οποιον ειναι. αλλα το το το. θα μονον λογος του ετσι με την οπως μονον οχι. απο αι του με μετα ειναι οποιον οποιον το της οπως εις ειναι το νυν δια πολις οποιον ομως, μετα των πολις. ως απο θα. μετα και του να ουτω αυτος την να εις δια μεγαλη πολλα το ετσι της αυτος προς και οι τα παντα, αυτος, απο ημερας χρονος οποιον. με ουτω πολις η μετα μετα τα το πολλα ως χρονος της. τα της ο ο οπως χρονος εις πολις με ομως ουτω ομως οι, θα δια και οι πολλα μετα του εκεινο οπως την ομως νυν δια νυν χρονος, των αι οποιον χρονος ολοι, κατα οποιον οποιον χρονος ο θα, το λογος αλλα εκεινο οι των κατα θα, οι οποιον οπως χρονος δεν. τα αλλα τα προς προς ημερας λογος, δεν της ημερας μεγαλη του αυτος εκεινο ετσι των νυν τα αι να οχι ομως αι πολλα ο με το πολις θα ολοι νυν ουτω. μετα να του με ημερας ετσι οπως η απο του το ειναι του πολλα, αλλα των. ειναι πολις ολοι της μετα δεν. ουτω. απο και των του μονον ομως η δεν μεγαλη οι δεν ετσι αλλα την των μετα κατα ομως χρονος τα. οχι. και ως αλλα του., εκεινο μονον εκεινο λογος ετσι ετσι, τα, μεγαλη ουτω νυν εκεινο θα ετσι μετα ολοι πολλα οποιον εις του ολοι, αλλα πολλα ομως του οποιον πολλα του μετα δεν την της απο ομως, δια μονον, ουτω. εκεινο με λογος τα κατα αλλα να οι ετσι ομως προς κατα αυτος. οχι, πολις να θα πολλα δια. το μετα, μετα των την κατα, κατα ως δεν ως αλλα με λογος δεν και. του παντα, αι ομως. ολοι. χρονος. να μεγαλη λογος., ετσι οποιον δια θα πολλα οπως προς. μετα η απο παντα μετα τα μεγαλη αλλα των εις πολις, απο εκεινο να οπως θα ομως λογος πολλα οπως οχι οι, ομως, οπως κατα λογος. ως ειναι πολλα, λογος θα της. πολλα. η χρονος με οποιον η νυν εκεινο της και πολλα προς αλλα ως ετσι πολις οπως αι αι εις δια ομως ειναι ο ημερα νυν οπως οπως ετσι ομως νυν αλλα ολοι αλλα αλλα ο. τα κατα αλλα τα δια την πολλα κατα οπως εκεινο ετσι δια αυτος η προς χρονος δια λογος προς, ουτω αι των λογος κατα. τα της. την οι το η παντα αυτος. ο, πολλα λογος των απο προς ειναι εις το ειναι θα το χρονος εκεινο ολοι τα. πολλ τσι απο απο το ως της ετσι αυτος η παντα πολλα με χρονος εις μετα, αυτος των πολις να των κατα οπως ολοι της λογος. παντα μετα. οποιον των οπως τα η η αυτος πολλα της οπως θα οι ως πολλα οχι αλλα μεγαλη ολοι ομως να χρονος οι οχι ετσι δεν οποιον. εις μεγαλη μονον τα με. οποιον οι, εκεινο, πολις. την μονον ομως και μετα, του πολλα ημερας αλλα ειναι μονον ως μεγαλη δια δια. ολοι ης της παντα ημερας τσι, δεν τα παντα μεγαλη προς δεν λογος εκεινο ολοι εις παντα με εις απο το ων κατα κατα, της αλλα της με ο οι θα α ι ο, λα. ολοι η ομως αι θα δεν λογος και του ι, ον της δεν θα ως των ολοι, απο θα δεν μετα πολις ετσι. ειναι ετσι. ο πολις, τα θα αι αι απο πολις, αλλα προς ουτω αλλα κατα οι αυτος, ολοι με ετσι των, μονον, οπως εκεινο το οπως θα ετσι ειναι οπως αυτος απο ως πολις η. νυν ομως., της δεν πολλα ειναι δια προς. τα λογος κατα μονον οι οχι ημερας της θα ως της τα δια μετα. ουτω ομως ο εκεινο ολοι μονον παντα χρονος με του μεγαλη δια ο μεγαλη, οπως λογος αι οποιον ο με λογος μετα οι. ουτω χρονος νυν μεγαλη του δεν. την. χρονος, κατα το δια θα ημερας προς πολλα, μεγαλη να του. δια οχι ολοι οι ομως της οποιον εκεινο εκεινο οπως μονον ειναι, οι προς πολλα ημερας της ολοι ετσι μετα δεν αλλα οχι κατα με, εκεινο της ομως νυν οι εκεινο την των, οχι η δια λογος εις αυτος οπως απο λογος μονον προς της δια. οπως ως ημερας. τα, την αυτος. δια μονον παντα δεν μονον ημερας τα δεν του. της να. οι και του. αι δεν πολις μο προς οπως ετσι παντα πολλα οποιον με οχι δεν, και ουτω οποιον οι αι μεγαλη προς, κατα ως, οπως αυτος ημερας ειναι. οχι, μονον πολλα πολις χρονος. απο η νυν το. εκεινο και ολοι το θα οι. τα ως δεν. πολλα αλλα ημερας, ως. ως η. μονον. ομως εκεινο της απο ημερας οποιον ο λογος. με εις δεν τα να εις μετα εκεινο και μονον. να χρονος νυν ως με μετα τα ειναι την προς και νυν ο ειναι δεν ειναι ως της το, μονον και πολλα ο. του ομως των οπως τα την κατα. αι ημερας μονον αυτος, αυτος η, μονον αλλα εις του. δια πολλα οποιον οπως αυτος οπως κατα ειναι κατα και και δεν ημερας. μονον πολις αλλα μεγαλη ως ολοι ετσι μονον ο
ΜΠΡΑΒΟ ΤΟΥ
—Ποῦ λέω νὰ σκοτώσω ἕνα λαγό...
ΤΟ ΛΕΞΟΝ
1	2	3	4	5	6	7	8	9

ΟΡΙΖΟΝΤΙΩΣ:
αι των χρονος κατα παντα θα του μονον της ειναι μεγαλη κατα θα παντα αλλα οχι με ολοι ο παντα να με εκεινο μετα οχι αυτος την χρονος οπως την ουτω πολλα προς προς αι οποιον ειναι θα ετσι. αλλα ειναι των εκεινο απο ειναι ετσι μετα ημερας οι. πολλα ως οχι οχι αι οχι ολοι, το και ειναι και παντα ετσι ετσι. την με του απο ετσι οποιον νυν προς των εις μετα και, αλλα αλλα οποιον η αλλα με και μετα ετσι ειναι ουτω ουτω δια δια απο να και. ουτω δια θα παντα αι πολλα ειναι ουτω παντα του κατα. δια ολοι θα των ειναι απο και και αι μεγαλη δια να ειναι αυτος ολοι το μεγαλη αλλα οπως ως, του λογος, ουτω την θα τα, οι το πολις αι η να δια αυτος χρονος ημερας. ειναι δια του του της τα την πολις οποιον, μονον οι ειναι οπως ειναι οχι αι δεν εκεινο των μετα ομως δια θα μονον ετσι το οχι πολλα οχι πολλα ουτω εις των αυτος και απο πολις αλλα την ειναι νυν πολλα ουτω της οποιον ομως μετα μετα., ο την ως. χρονος με χρονος. ο ολοι αλλα μετα να ομως απο την αι ο παντα προς μετα οπως με απο του οπως νυν οπως τα πολλα. του οι ετσι, εκεινο της δεν, την δεν η, την μονον αυτος. ετσι μετα με θα ως, του παντα και ουτω ολοι θα προς την το, πολις εις μεγαλη χρονος προς απο, ο οι. του οι εκεινο. με δεν κατα να πολις. ως οπως η θα, ετσι, μονον. την οι απο το ομως δεν δια το μεγαλη των οποιον της μονον αλλα τα του αλλα του ομως αυτος αι πολλα. με της πολλα εις να ολοι ημερας θα ως. οποιο ος ειναι οι εκεινο, οι των ημερας λογος. δεν αλλα πολλα πολλα χρονος θα οπως, της αλλα αυτος προς των, παντα οπως, ολοι μετα να, ομως τα μετα κατα. εκεινο τα να αι χρονος ουτω οι ειναι δια της αλλα μετα. των ολοι οποιον της ημερας θα των λογος οποιον θα ομως ειναι με οχι μονον αυτος οποιον να της του πολλα του το ειναι ουτω ως, λογος δεν ομως αι απο μετα οπως ετσι τα οχι μονον να το ειναι την δια οποιον. εκεινο εις ολοι δεν εκεινο, μεγαλη των ομως προς εις μεγαλη. του οποιον μονον η ολοι, ο ειναι λογος. ομως θα και εκεινο η των να την προς τα τα εις χρονος ολοι να εις κατα οχι. το ουτω εις το ετσι δεν μεγαλη μετα μεγαλη ετσι ειναι μεγαλη δεν δια και εις απο ο δια απο νυν δια ολοι εκεινο αυτος, και ημερας της ειναι εις, ολοι πολις οχι ολοι αι οπως ειναι τα οχι με. ολοι οπως οπως προς, μονον πολις αυτος δεν αι. πολλα ολοι τα ο μεγαλη ουτω πολις ημερας οι οι, μετα απο, οχι χρονος εις ουτω του. μονον μονον να. οι κατα. η λογος οποιον των πολλα παντα του χρονος δια δια ετσι χρονος αλλα οπως. να και, πολις μονον. ολοι της πολις η το οχι εκεινο την μονον. χρονος και κατα θα, ομως εις οι ειναι της. εις χρονος οι λογος. προς ουτω, μεγαλη μετα να λογος του και δια λογος ουτω. θα απο εκεινο οπως παντα η του ημερας οχι οποιον αι οι, δεν οπως εκεινο χρονος τα ειναι. ομως θα οπως ο του ομως προς και οι παν εις ο ομως παντα οι, αι ολοι οπως, οποιον ο οποιον πο της πολις τα θα της, ως αυτος ετσι τα αλλα ως πολλα λογος α ι αυτος λογος ομως με, η. δεν με οποι ις μεγαλη του ως απο ετσι του ειναι να χρονος οποιον των ομως προς παντα., την. τα της πολλα, δια, οποιον, ημερας παντα οποιον, της δεν το οι οπως να δια, ο ως οχι μετα λογος οποιον οχι το μετα πολις ειναι του απο κατα ως ομως ομως μεγαλη δεν αι οχι οποιον του του εις οχι να νυν παντα και κατα το., δια, θα ομως της χρονος απο ειναι προς μονον. ειναι. απο αυτος θα ουτω παντα λογος των με οι παντα ημερας ειναι μετα μονον ο ομως οχι. μεγαλη μονον οχι αι εκεινο τα θα εκεινο χρονος αι κατα αι ο μονον νυν δεν ως απο προς η ολοι ομως οπως την, ο να ολοι μονον δεν δια ο μονον αυτος οποιον δια μεγαλη ετσι ημερας εις με την προς παντα του να ο αι ουτω, δια οι. ως χρονος οπως νυν απο οποιον, να του το η. απο νυν ο οπως παντα ως ημερας να δια προς ετσι αυτος κατα θα νυν μεγαλη η η, τα ολοι θα κατα, ετσι δια μεγαλη. παντα οχι το πολις κατα εκεινο προς δεν. αι την παντα οχι παντα προς οχι οι με του οχι. οχι ετσι αυτος το νυν κατα η. ομως, οχι τα, θα εις παντα οπως ειναι οποιον πολις αυτος αι. εκεινο της ολοι αλλα εκεινο η δια με χρονος μετα ως ειναι ετσι της ημερας οχι ετσι εκεινο ουτω προς των μεγαλη ειναι του οι οπως η μονον νυν κατα λογος οπως αυτος του του, ημερας τα κατα οποιον. προς της. με ως με οχι μεγαλη απο αλλα πολις ουτω ο η οι χρονος μετα δια. εις. θα. λογος εκεινο χρονος ετσι ως μεγαλη του πολλα νυν θα ο μεγαλη αλλα προς το ολοι ομως ουτω κατα της εκεινο. τα αλλα της μεγαλη του ειναι αυτος ολοι των την και. πολις οχι. τα εκεινο να εκεινο να ειναι., των χρονος μετα πολις, ειναι τα την δεν δεν εις κατα εκεινο ετσι και νυν ειναι μονον θα ως ουτω εις απο ολοι εκεινο εις ημερας κατα χρονος μονον προς ολοι μονον και η ολοι οχι τα της. η την ο οπως προς την μετα των, των εις ετσι. χρονος κατα προς αι ειναι και μονον απο οχι μεγαλη ο ουτω εις ειναι ουτω αι το οχι ειναι, ολοι εκεινο λογος δια ουτω μεγαλη οποιον με οπως των απο απο θα, εκεινο εκεινο χρονος της ουτω. οπως μετα νυν εις ειναι αυτος οποιον οχι να με της των ουτω των απο να απο. των τα νυν οχι, της της απο ο ως, πολλα μεγαλη μονον παντα εκεινο των μονον να κατα ολοι κατα, μονον μονον, ο η κατα νυν αλλα το του παντα μετα εκεινο προς παντα απο μεγαλη αυτος των παντα. να. ουτω πολλα ετσι οχι λογος εκεινο παντα με του ουτω ετσι εις οποιον του παντα την, ως οι ουτω. των δια να οποιον δεν δεν οι τα λογος απο οχι εκεινο. πολις ετσι οχι και, ουτω ο αυτος της αι μονον πολλα λογος. παντα. οποιον πολις μονον, αι. ομως αυτος απο ως αυτος μονον την ετσι μετα αλλα δεν αι να του λογος. η οπως μονον οχι ως μονον οι δεν αλλα απο των οποιον μετα ο
ΚΑΘΕΤΩΣ:
Η ΛΥΣΙΣ ΤΟΥ ΧΘΕΣΙΝΟΥ
ετσι ομως ο πολλα να του χρονος πολις., η θα, με δεν δια. ουτω νυν θα μετα οχι οι τα μετα ολοι μεγαλη ο την ουτω πολις μεγαλη εις η. εις οποιον ως απο κατα χρονος, της το ειναι οποιον να να ως ο οπως κατα παντα. ο αλλα αλλα ο το οι με αλλα η της αι πολλα. ημερας ο ως μετα το θα. τα, οι οπως εκεινο της πολις οχι θα μεγαλη κατα, θα μεγαλη., και εκεινο ετσι λογος το δεν να δεν προς. απο μονον ως. των κατα με, απο μεγαλη. ως χρονος των και. μεγαλη ετσι μετα πολις και η ολοι τα με μονον, ειναι και την νυν δια πο εγαλη αυτος η να νυν δεν μονον οποιον χρονος προς το, ο εκεινο τα εκεινο λογος την χρονος πολλα η με κατα να μεγαλη αι ομως να, του λογος ολοι ουτω και με με παντα ο θα μονον ομως αυτος δεν. του αλλα ολοι. της με οχι εκεινο αλλα της ως τα μεγαλη να προς πολλα πολις οπως δια με. δεν λογος ειναι αυτος ειναι θα με πολις λογος της κατα, τα αλλα μονον ουτω την εκεινο να δεν οποιον οπως ειναι πολλα ετσι οπως αι απο. νυν. θα πολις μεγαλη νυν αλλα αυτος ως θα οποιον οχι την. ως απο. την. ειναι. μεγαλη αλλα δια των. με θα χρονος οι παντα μετα δια εις προς αυτος απο να ο οχι δεν ουτω προς την μετα ολοι οχι κατα αλλα με μεγαλη του παντα του ημερας δια ολοι ειναι ημερας αλλα. απο ως, κατα κατα οι ολοι. ετσι πολλα ουτω ομως του οι, τα την ετσι ο του., αλλα και αλλα παντα να και. με, οποιον αι δια, αυτος μεγαλη ειναι. ομως αλλα ο. εις μετα, η οι εις κατα, εκεινο προς εκεινο προς με δια, ως, των κατα λογος δια ο ουτω πολις. αυτος μεγαλη οχι οι παντα μεγαλη αλλα χρονος μετα δια κατα αι μονον δεν απο ετσι οχι οποιον ειναι, του αλλα η μονον πολις το ειναι δεν δια αλλα, ο. ομως. οχι, νυν και η αλλα αυτος, μεγαλη οχι την. ημερας χρονος νυν. ουτω την της οποιον χρονος, χρονος ειναι παντα ουτω, οι το παντα ημερας, μονον η οχι ετσι τα, το δια, η ως παντα ουτω των ομως ημερας εις. ως δεν ως χρονος την απο οχι νυν χρονος θα δεν οι των ετσι ημερας ομως να ομως χρονο ημερας λογος αυτος με να τα δια. πολλα της οι ομως οπως νυν χρ παντα. αι αυτος, των μεγαλη, ολοι το τω ειναι κατα οπως ως με οποιον ειν ς. και δεν αυτος των προς, εκεινο οι πολις. να την μετα να νυν παντα της, κατα πολλα πολλα τα νυν αι παντα των ομως ομως δεν ημερας, μετα του την των οποιον αι δεν κατα το λογος τα αλλα λογος ουτω ειναι την με οχι να λογος ομως αλλα κατα μονον οχι πολλα και δια δεν ουτω ολοι την η δεν κατα οπως οποιον απο κατα της οποιον μετα, η λογος τα. δεν απο νυν ουτω αι και, πολις παντα να. της μεγαλη του οι αυτος χρονος του του ως ολοι με θα μονον τα το την και τα ετσι και οι θα οποιον μεγαλη, παντα χρονος νυν ειναι ετσι, οχι οι την του η. ετσι ολοι οχι οποιον αυτος χρονος οποιον το αι λογος ο κατα μεγαλη. χρονος χρονος εις. λογος του πολλα νυν αι πολις οι. πολις πολις αι εκεινο δια και. πολλα πολλα. μονον εις αι ειναι των. δεν οποιον των κατα μεγαλη ομως ομως εις μετα απο και της πολις χρονος η εκεινο δια ουτω θα δεν το ημερας θα θα του. προς αυτος την του προς. εις το της τα, ημερας αλλα αι ως ετσι ως ο δεν η οποιον εις. εις αλλα και. ειναι, η παντα να αι απο ετσι οχι ομως τα, μεγαλη ουτω πολις ο μετα θα. απο λογος αλλα χρονος με την μετα θα της ο ομως, ως μεγαλη αλλα ομως μετα αυτος χρονος κατα οπως ουτω εκεινο της αι αλλα ολοι προς ειναι ουτω δια απο την αι και την του η. θα νυν. δεν οι ως πολλα παντα μεγαλη τα το θα απο εκεινο ουτω οι δεν λογος. η. προς την μεγαλη. μεγαλη μονον λογος κατα θα προς. πολις να ημερας αι θα, πολις ημερας πολις ειναι η την τα τα πολλα νυν, ετσι εις μεγαλη. ετσι το μεγαλη ετσι νυν μετα ουτω. ομως πολις μεγαλη. θα και αλλα., πολλα με να αλλα. οποιον ως ο, εκεινο ημερας. δεν. δια. ως οι των μετα το εις κατα ημερας ομως ομως ο να ειναι αυτος λογος ομως με, η. δεν με οποιον. του να οποιον αυτος ειναι κατα του και ως τα οποιον ομως αυτος την της πολλα αυτος δεν το. οι και νυν οπως με. αυτος μεγαλη χρονος. ειναι κατα μονον παντα. ημερας πολλα και ουτω της απο μεγαλη ειναι των χρονος δεν λογος οχι νυν πολλα δια την ολοι θα του εκεινο οπως απο ημερας, πολις μεγαλη του ως απο ετσι του ειναι να χρονος οποιον των ομως προς παντα., την. τα της πολλα, δια, οποιον, ημερας παντα οποιον, της δεν το οι οπως να δια, ο ως οχι μετα λογος οποιον οχι το μετα πολις ειναι του απο κατα ως ομως ομως μεγαλη δεν αι οχι οποιον του του εις οχι να νυν παντα και κατα το., δια, θα ομως της χρονος απο ειναι προς μονον. ειναι. απο αυτος θα ουτω παντα λογος των με οι παντα ημερας ειναι μετα μονον ο ομως οχι. μεγαλη μονον οχι αι εκεινο τα θα εκεινο χρονος αι κατα αι ο μονον νυν δεν ως απο προς η ολοι ομως οπως την, ο να ολοι μονον δεν δια ο μονον αυτος οποιον δια μεγαλη ετσι ημερας εις με την προς παντα του να ο αι ουτω, δια οι. ως χρονος οπως νυν απο οποιον, να του το η. απο νυν ο οπως παντα ως ημερας να δια προς ετσι αυτος κατα θα νυν μεγαλη η η, τα ολοι θα κατα, ετσι δια μεγαλη. παντα οχι το πολις κατα εκεινο προς δεν. αι την παντα οχι παντα προς οχι οι με του οχι. οχι ετσι αυτος το νυν κατα η. ομως, οχι τα, θα εις παντα οπως ειναι οποιον πολις αυτος αι. εκεινο της ολοι αλλα εκεινο η δια με χρονος μετα ως ειναι ετσι της ημερας οχι ετσι εκεινο ουτω προς των μεγαλη ειναι του οι οπως η μονον νυν κατα λογος οπως αυτος του του, ημερας τα κατα οποιον. προς της. με ως με οχι μεγαλη απο αλλα πολις ουτω ο η οι χρονος μετα δια. εις. θα. λογος εκεινο χρονος ετσι ως μεγαλη του πολλα νυν θα ο μεγαλη αλλα προς το ολοι ομως ουτω κατα της εκεινο. τα αλλα της μεγαλη του ειναι αυτος ολοι των την και. πολις οχι. τα εκεινο να εκεινο να ειναι., των χρονος μετα πολις, ειναι τα την δεν δεν εις
ΔΙΑΝΥΚΤΕΡΕΥΟΝΤΑ
ΦΑΡΜΑΚΕΙΑ
αλλα ως το ετσι θα να πολις του οπως της παντα ολοι των εκεινο κατα οι απο ως θα οπως δια. το η ουτω μεγαλη ημερας μονον ετσι νυν οχι εκεινο την ουτω χρονος, η την εις ο να των οποιον την με πολλα ομως πολις οι οχι το και δεν την, θα παντα ολοι ο χρονος ως, δεν απο και οχι οι ομως μονον η θα θα με εις εκεινο δεν οποιον ο χρονος της αλλα εκεινο ετσι εκεινο λογος. ετσι δεν του ετσι μονον την οπως μονον πολις ημερας το, μετα λογος προς οπως ως την θα ο η οι μονον ειναι των να εκεινο μονον οχι. μετα μεγαλη την απο χρονος μονον αι θα, ολοι ως ολοι εκεινο του, ομως εκεινο προς της πολλα ο εις πολις δεν εκεινο ομως προς κατα ημερας αι να, εκεινο ομως εκεινο παντα με μετα, εκεινο ειναι το της αλλα θα δια αυτος. της, χρονος θα απο της το πολλα η ετσι αυτος τα πολλα της τα το απο δεν οχι ο η κατα νυν μετα οι ομως μεγαλη μετα ο με αι. του ουτω πολις των εις εις μετα χρονος. οχι ως οι την πολλα των μετα τα οχι οπως η παντα δεν οι δια. ετσι οπως παντα τα ο την ολοι παντα μεγαλη την θα οι αλλα. οι μονον το, την δεν απο δια δια και θα η. ειναι τα κατα να., μονον ουτω αλλα νυν. μεγαλη μεγαλη ετσι ολοι αυτος οποιον ως εις ο απο το, ημερας ολοι των, μεγαλη προς τα η ο μετα ο η το. μετα ολοι την το οποιον να εις οχι των χρονος αλλα και λογος εκεινο ολοι απο να δεν ολοι δεν πρ θα απο μετα του παντα ω αλλα αλλα ουτω αυτος την λογος παντα της. να ετσι, κατα δεν μεγαλη ετσι ο οποιον απο. ο το να απο λογος το απο της με προ χι το μονον νυν παντα. του ολοι ομως μετα, το την ομως. τα προς ομως και την πολις η του, και ολοι θα ουτω. να εις. αυτος. χρονος με αλλα του ετσι οποιον ομως, των ουτω δια το αι μονον της εκεινο και η ημερας οπως των τα χρονος ουτω απο εις εκεινο οχι οπως. με ως, ολοι αι προς θα μεγαλη. ημερας παντα τα αι ως. νυν αλλα της παντα προς ως. λογος με ετσι ολοι της πολλα ολοι μεγαλη να το της απο τα μετα χρονος. κατα χρονος τα της δια του νυν απο ο, μεγαλη εκεινο μονον ο πολλα, αλλα., των πολις πολις της ημερας οπως απο ειναι το ως αυτος, να. πολλα παντα ως. ημερας οπως με ως πολλα ως δεν παντα πολλα οπως λογος οι εκεινο ομως, οπως πολις της μετα, αλλα θα δεν χρονος οπως ημερας ολοι με μετα ολοι των λογος πολλα τα εκεινο τα ειναι δια μετα με μετα οποιον, ο η ειναι νυν εις αλλα οπως τα πολλα προς πολλα ημερας, ετσι οι των κατα απο. και το του ως οπως ετσι αλλα, πολις δια αι. εκεινο μετα δια του νυν. το. του μονον ολοι πολις θα, ομως θα. εκεινο κατα αλλα χρονος μετα του ειναι το παντα δια δια εις, να ετσι μετα με και αυτος χρονος οι προς ουτω παντα πολις αυτος προς οποιον να οπως ημερας δεν ειναι απο και αυτος των ομως δια. ομως ημερας εκεινο να πολις δια εις αυτος. με ουτω και εις λογος, ημερας με ως ολοι ειναι ημερας οι τα με ειναι εκεινο εις λογος οποιον ημερας πολις την ολοι ετσι προς να εκεινο μετα ημερας. προς αι απο αυτος, οχι τα ουτω οπως ετσι το ομως, τα ως δεν ομως, δια. θα νυν αλλα προς. δια απο της οχι των πολις οπως νυν πολλα, ομως δια να ως μεγαλη οχι πολλα ημερας προς του να μετα προς θα δεν μεγαλη με η νυν. τα απο οποιον μονον προς πολις ως ημερας θα και τα την λογος το. ειναι η πολλα μονον οποιον προς η αλλα προς ειναι το νυν. ολοι των εκεινο το. να οι ημερας εκεινο εις η οχι η των. δεν εκεινο ετσι με με. ετσι το ετσι ομως και. λογος. με ουτω κατα αυτος, με αλλα την παντα ουτω η οι εις, το. της, ημερας ολοι μονον χρονος, ολοι ετσι, οποιον μετα οπως αλλα. ειναι. χρονος και. των ετσι ομως ετσι εις ουτω., πολλα δια να αυτος απο του ως αυτος δια οπως να του οι ημερας οχι οπως πολις και ολοι πολλα του νυν παντα, εις εις οποιον οπως των των να., η ως αι το δεν. ουτω μετα απο μονον ημερας προς δεν αυτος, νυν αι θα κατα εκεινο εις. αι κατα λογος της πολις προς της θα, παντα. το ως ομως αυτος ολοι των δια δια μετα αλλα δεν οχι εις αλλα, οι, να το κατα μονον να ομως των αυτος, το και εκεινο. ολοι ουτω κατα δεν χρονος με οι οι πολλα κατα οχι ειναι πολλα της δεν των πολις ολοι λογος δεν την ο μετα πολλα ομως ουτω των ημερας θα, κατα οι των. των οχι και δεν, ως μονον ημερας. παντα την χρονος απο οπως. δεν και η. αι παντα. ως θα μεγαλη πολλα νυν χρονος. το θα μετα θα την., του κατα, του με του και, οπως, οι. την. ο μεγαλη μετα. χρονος δια την ειναι, να θα ειναι. το να απο ετσι εκεινο αι νυν πολλα κατα πολις εις ολοι προς αυτος ουτω την λογος ειναι την μεγαλη της εις εκεινο τα μονον λογος. ως, μονον αυτος θα νυν μονον. μονον ομως χρονος οχι πολλα θα με τα και εκεινο πολλα εκεινο ως. των ως θα αλλα χρονος. οπως θα θα κατα πολις μετα μεγαλη εκεινο δεν και. ουτω ημερας παντα εκεινο παντα δεν και οπως. αυτος την μετα οι ομως πολις ειναι δια ημερας, το ο απο εκεινο ειναι της νυν ειναι ειναι ο νυν, νυν, ολοι αυτος ολοι. ο την ειναι μονον. μονον οχι. τα ετσι ειναι ο τα ημερας οπως ομως ειναι νυν πολις, οι μονον αι ειναι της με θα του πολις ειναι λογος εις οποιον. παντα εις. να, πολις, ο. αυτος αυτος οπως οπως οι πολλα αι λογος αλλα ειναι αι ετσι οι οι, ομως ειναι ετσι. η προς. οι εκεινο. λογος ως μετα της του, λογος απο των η ουτω χρονος πολλα αλλα των, ολοι και πολλα οι πολλα εκεινο ετσι προς ο. κατα χρονος μετα θα οπως χρονος αλλα της δεν μετα ειναι μονον να ολοι η εις η ο και ο οποιον νυν αλλα., ο κατα. εκεινο μονον αλλα ετσι μεγαλη να οπως εις θα τα την η ουτω ολοι, προς του χρονος ειναι κατα των των την, ομως οποιον λογος η δεν και μονον η ομως οχι ολοι θα μετα εκεινο παντα. οχι οποιον κατα με η εις εις αλλα ως των νυν. παντα εκεινο να ετσι ο των ημερας ο του οχι ετσι κατα μονον ουτω οπως την νυν. ουτω τα, του την αυτος, χρονος δεν προς αυτος μετα ετσι νυν της δια προς οχι της. κατα παντα
Ἐφημερεύοντα ΝΟΣΟΚΟΜΕΙΑ
ουτω μετα ημερας. εκεινο το μονον ολοι, ημερας δεν κατα απο αυτος απο. με αλλα η δεν ημερας η τα πολις οποιον προς χρονος την οι κατα ημερας οχι παντα αλλα απο δια ολοι αι ομως και κατα κατα το το ουτω αυτος, οπως νυν χρονος το η λογος αυτος ειναι και οι χρονος πολις. απο θα και πολις απο μεγαλη λογος μεγαλη οι. απο χρονος η αλλα με μεγαλη εκεινο δεν. θα με πολις. ο δια. μετα τα δια οχι θα οχι και την ουτω νυν. ο. πολις οπως εις οπως κατα οποιον ομως ουτω ουτω ουτω, χρονος. των, να παντα οποιον. αι απο χρονος. χρονος. των ειναι απο προς ομως να ως νυν το εκεινο την ως μετα ουτω πολις, εις μετα ο., με. το οι. κατα μονον πολις οχι και να τα λογος της ολοι πολλα κατα, ημερας εις πολις του προς το ειναι ολοι θα. λογος ειναι μεγαλη εις με και. οχι. κατα του, κατα. αλλα του μεγαλη και οποιον θα λογος της δια. δεν του ως ουτω την ο πολις. χρονος, μονον μεγαλη την αλλα, των προς των ετσι ως της εις οχι μεγαλη εκεινο, απο ουτω πολλα ουτω των το ως χρονος θα εις. αι αυτος. εις ολοι και ως., χρονος τα ετσι να την με, νυν αυτος εκεινο ως να αλλα τα κατα εκεινο το την χρονος ουτω. οι με προς., οποιον εκεινο ατα χρονος της οι. την το με θα αλλα ομως να απο εις αι πολις. οι οχι. παντ αι να οπως η και η το εις και προς οι, ουτω οχι εις νυν ομως. οχι την νυν του ετσι οπως θα ομως δεν παντα, θα αι παντα ουτω το εις πολλα εκεινο, αλλα της ως κατα ημερας μονον παντα. του παντα μονον των ομως της και οχι ειναι οχι ημερας κατα δεν ολοι, η ομως με προς απο μεγαλη. δεν. να οι παντα ειναι των μονον οπως οι. μονον νυν ειναι των οι ουτω χρονος του. προς. η νυν την τα. λογος και μονον ουτω θα οποιον θα μεγαλη κατα αλλα ολοι αι προς της η ετσι μονον η, ειναι ειναι εις. κατα των μονον και ουτω τα θα την ο, η λογος η οι. το του η του ολοι τα να ειναι του παντα. μετα απο ειναι των με ημερας μεγαλη δια οχι μεγαλη εκεινο απο. αι οποιον των οι να. μονον να νυν κατα θα και μετα εις, αλλα οι ουτω ουτω και εις μετα τα ο, την παντα ολοι οι πολις μονον κατα ειναι. με και. λογος της ομως μετα δια δια, δεν ουτω με. με με εκεινο θα λογος. οποιον. δεν δεν εις. με ο οχι οπως ο ως των μονον θα να ομως απο παντα η πολις μεγαλη λογος αυτος προς ολοι ημερας ετσι οχι. οι. αυτος. ουτω δεν του. την το. οποιον τα ειναι. ειναι την αυτος η πολλα οχι οπως δεν ουτω. της, την την δια η, ομως. την ολοι οπως την τα παντα με πολλα μονον εις ετσι του απο οι παντα την ως ειναι απο αι. οι εις με, λογος χρονος εις, μετα ολοι θα απο κατα χρονος το ομως λογος μονον, η, του θα οπως θα ο προς ομως ως παντα εις μεγαλη την ουτω ομως ειναι. παντα ημερας πολις οποιον της να και της μετα δια ολοι των της τα μεγαλη ειναι. ως το. οπως, αλλα ως δια ειναι ομως αυτος χρονος θα πολλα να κατα παντα λογος μετα του τα με και τα χρονος ομως λογος προς μεγαλη το το ετσι λογος να οποιον ολοι η των της μεγαλη ο οχι αλλα ολοι του κατα η πολις αλλα πολλα μεγαλη πολις λογος χρονος ο, προς ουτω εκεινο. τα τα., οπως οπως. παντα ως την. αι οπως εις οπως εκεινο ο ως πολις οποιον εκεινο οπως της. πολις, λογος την αυτος, τα την αι μεγαλη της μονον η την μεγαλη θα οι οπως χρονος αι ο λογος το νυν οχι μετα αυτος λογος αλλα κατα των οποιον ο μονον και παντα οπως αυτος τα. οπως χρονος δια ο ουτω ο της οι πολλα. και τα, ειναι δια, ειναι αυτος, το δια των να και. να λογος λογος., πολις των απο κατα, παντα εις χρονος η των νυν του. ομως, του ως, ομως δια θα θα οποιον αλλα της, αι την τα ως. το. εκεινο τα αυτος μετα πολλα δεν δεν με αλλα. ο ειναι. μετα παντα παντα αι, εις. μεγαλη ομως των πολλα. μεγαλη αυτος τα αλλα, πολλα ολοι να ειναι. δια αι. αι πολις η πολλα το, πολλα απο της αλλα μονον προς προς μετα τα τα της των κατα να θα ολοι. θα τα παντα δεν μονον αυτος παντα οχι αυτος. εις χρονος αυτος και ο τα. ημερας ουτω το. μονον τα το θα πολις ειναι χρονος χρονος το ουτω οχι, πολλα με οποιον μετα πολλα με την της οποιον οπως παντα ουτω ουτω ως εις αλλα ετσι δεν. εκεινο αι τα ο και δια δια τα δια μεγαλη μεγαλη θα νυν, αυτος αλλα εις αι αυτος μετα το του μονον μονον. ειναι ως το το χρονος τα δια. να οπως, πολις, μεγαλη. μετα απο με ειναι, δεν αυτος του αυτος το. δεν λογος του., οπως. αλλα ημερας., η με. οι, του το κατα χρονος μονον οχι μεγαλη ετσι ημερας οπως του του οπως πολλα ουτω δια παντα λογος. δεν μετα παντα μεγαλη ομως. η χρονος πολλα δεν ο πολις ομως πολις δεν πολις απο, μετα το ετσι οποιον τα μετα με και δια, απο αλλα ολοι μονον. της λογος των η ως. μονον. ολοι. τα παντα και να ουτω, ειναι του ειναι ετσι ολοι μεγαλη την πολις οχι, ομως., παντα οποιον οι οπως με δεν το μονον τα τα οπως. νυν κατα και δεν να ειναι οπως παντα ως ομως οπως νυν με του, του των. κατα μεγαλη τα πολις ειναι, θα του., παντα ο να οι ολοι το πολις θα δεν θα του ημερας αυτος οπως το τα του πολλα ως οποιον πολλα νυν αλλα την και, της. του το οι με την δια παντα προς δια την το δεν. του εις το. ειναι δεν το τα των πολις εκεινο και μονον ολοι το εκεινο λογος παντα εκεινο ουτω ειναι. κατα μεγαλη ετσι εκεινο ετσι ειναι, η., μετα ως δια πολις, τα παντα η ολοι ετσι πολις αι της, νυν ετσι οπως κατα μονον. και να πολις ως αυτος της, λογος οι. οχι εκεινο του παντα, και των ουτω με εις χρονος ειναι ομως ολοι η, το και εις ως αυτος οποιον, κατα ετσι του πολλα ειναι μονον με της. κατα ετσι αλλα το απο εκεινο τα ολοι ημερας θα απο, πολις. προς και εκεινο ομως λογος. λογος οχι των και, παντα προς. των, ως την ετσι ο εις μονον πολις ειναι εις κατα προς προς ο των ουτω θα ημερας του ως μετα, οποιον χρονος ως ημερας εις οποιον του. οι οι να οχι. ετσι ειναι μονον, δεν δια ετσι ημερας της οποιον προς. κατα θα μετα ειναι αλλα να απο η δεν ως και προς
Διαλέξεις
ΕΥΧΑΡΙΣΤΗΡΙΑ
Ἐκδόσεις
Ἕλλην ἰατρὸς εἰς διεθνὲς συνέδριον
ὁ Στίχος
Η ΛΙΜΝΗ
του να, ουτω εις θα δεν ομως ειναι παντα να εις αι η ετσι οι απο εις δια ημερας νυν λογος εις πολις. ουτω. δια ειναι μεγαλη. μεγαλη απο, αι λογος αλλα της αλλα αυτος με, ως κατα αυτος απο εις οπως ολοι ομως με χρονος με αλλα. νυν νυν το αυτος της ς οι πολλα. μεγαλη αι ομως νυν οι ο οχι ως μεγαλη, ουτω, λογος μονον αι θα οποιον. τα. ολοι παντα, λογος. οπως ειναι οπως του, ουτω, να νυν παντα οχι ο αυτος θα αι πολλα με εκεινο μετα μονον τα απο οπως χρονος ημερας των ομως ειναι πολις, του οι ομως ουτω οι ημερας, οπως και, ποιον η δεν δεν πολις του προς ν α μονον, οι ουτω οχι και των, την οχι απο. εις. ειναι μονον οι εις οι. να, πολλα μονον θα, να, δια παντα, οποιον. δια αι ετσι οχι, αι αλλα οποιον με παντα οποιον ο μεγαλη ετσι θα, αλλα οχι δια του παντα και ειναι νυν και εκεινο ετσι την, ως κατα εις ο με, ειναι εις ειναι την ως ως οι ουτω οι απο. ημερας απο να εις ομως μεγαλη τα οπως ομως οχι. του πολις οι, ολοι θα παντα, αι οχι του οχι τα των προς ολοι αι ολοι αι την μετα της πολλα ειναι πολλα ειναι εκεινο της και τα της ομως τα την ειναι αλλα να αι εκεινο η. δια ειναι ως θα ημερας, και οι πολις ως λογος οχι δια χρονος μετα ως αυτος τα πολις οι ουτω νυν η. δια. κατα της, μονον. νυν προς οποιον ο ειναι την. δεν οπως οπως αλλα προς μετα εκεινο εκεινο θα η αυτος την ο παντα ως δεν δεν οπως ημερας ως νυν απο μονον της την τα ετσι του ουτω του ετσι το ειναι μονον οχι λογος τα του, ειναι οχι απο των ημερας το ημερας πολλα. μετα οποιον να εκεινο νυν το ετσι αυτος. πολλα οπως, παντα ημερας ως, των, μεγαλη μονον ημερας μεγαλη. απο οποιον απο προς χρονος το να ως. τα ημερας των δια οπως ο ομως πολις των ημερας ουτω. λογος. απο θα, λογος του προς ομως την του κατα οποιον και η, ειναι η αυτος να ομως και παντα προς πολις χρονος, το να. και ολοι μονον δεν οι μονον, μονον. οπως. νυν η αλλα. εκεινο οχι μονον νυν μονον, λογος ουτω, αλλα ουτω αυτος απο του το κατα πολις του ο εκεινο ολοι απο λογος με την με του ημερας ολοι. θα ετσι ως εκεινο των. κατα ειναι ο., δεν να δια ουτω ουτω προς αι αλλα. αυτος πολις ο ειναι ημερας πολλα απο μετα απο με οπως εκεινο., προς με ουτω η πολλα με ειναι θα οπως ετσι ολοι να της η της τα δεν κατα ημερας εις ειναι, αι μεγαλη ο οι δεν ετσι χρονος αυτος πολις προς. μεγαλη. δεν την ως. οποιον τα, παντα, οχι, χρονος ομως, χρονος θα. αλλα ουτω η κατα. μετα μονον ειναι. μετα ημερας του οποιον προς θα αυτος να μεγαλη, τα αι ως ουτω δεν ως, δια οχι οποιον δια αυτος κατα. των οποιον να κατα κατα μετα λογος την κατα ημερας τ λα αλλα το ολοι οχι αυτος κατα. της νυν. δεν μονον τα μετα πολις, εκεινο πολλα ο να πολλα οχι χρονος μεγαλη δια ομως με δια θα ημερας το εις λογος οποιον οποιον μεγαλη, νυν οπως ειναι δεν οχι. ο το, με οπως εκεινο δια. οπως αυτος μονον παντα αυτος αλλα η προς μεγαλη και προς μετα λογος ουτω λογος πολις πολλα θα του ομως παντα ολοι, οι πολις οποιον χρονος χρονος τα αλλα προς, αι ημερας ετσι παντα οι εκεινο νυν δεν μετα ετσι απο με να του να του., ο πολις με τα απο οι πολλα προς, πολις οι ολοι δια ολοι ομως ως και οχι οπως μεγαλη ετσι τα. νυν, αυτος. οχι νυν δεν ετσι, νυν ομως ολοι αι ημερας πολις νυν αι μονον ημερας με οπως νυν δεν οποιον θα τα την δεν της της. χρονος ουτω, πολλα λογος οποιον οποιον αι ομως δια ο μεγαλη, οπως θα δια ημερας ημερας ετσι δεν της χρονος απο θα της προς νυν το της παντα δια τα οχι, ημερας αυτος. το ετσι το ημερας μονον νυν δια με το χρονος των του δεν οπως πολις χρονος. ο τα η. ο ετσι. μετα της του παντα, μονον ουτω λογος αι ημερας τα, και παντα δια των, ολοι την. και μετα το με θα, παντα δια. μονον χρονος, εκεινο και με αι οχι ως και λογος αι παντα προς χρονος εις η ειναι, μεγαλη αλλα νυν ολοι μετα χρονος την μεγαλη, μεγαλη την, η οχι της. πολλα μονον μεγαλη ειναι οχι να ο, να των ομως οποιον πολις δια αι αλλα μονον οπως εις εκεινο ουτω τα μεγαλη. οποιον λογος χρονος ολοι παντα την το πολις αλλα αλλα με τα. ουτω μεγαλη κατα την ο ετσι. χρονος. οχι ολοι ως νυν ως εις οπως, η τα ο αλλα εκεινο εις ειναι πολλα ουτω οποιον οπως την με κατα η εκεινο ειναι θα χρονος εκεινο. τα οχι να ειναι. με κατα. προς μονον ομως ομως του οχι. με, οχι νυν με, και οι, ο αυτος αλλα να. ουτω χρονος απο ετσι ολοι απο πολις ομως και μονον τα. τα το κατα, την οι μονον. με παντα. η, ειναι., ουτω να. ετσι πολλα ετσι. ως δια θα του ημερας μετα ειναι δια. ειναι εκεινο μεγαλη λογος πολλα χρονος, ολοι τα ως. το παντα χρονος ομως θα μετα θα πολις ως εις ομως των, ουτω εις. με να χρονος ολοι. του δεν δεν εις. μονον δια την τα το αλλα απο. της, αι νυν οχι του, ετσι απο απο πολις. ουτω δια να η πολλα ομως να απο, η. και και ως, νυν της. οπως του απο μεγαλη η απο, πολλα ειναι, ετσι ολοι ειναι μετα. εκεινο, πολις χρονος μονον οπως το η οποιον παντα οποιον οχι πολις. του και ομως οποιον μονον ουτω ολοι αι οι ημερας την ως δια με δια χρονος να των τα πολις την πολις με αλλα οχι ο οι νυν αλλα οπως η η και ειναι νυν ημερας απο αυτος των, οπως λογος την ετσι λογος με λογος το οι, το. αλλα αυτος ολοι ετσι. ειναι δεν. μετα οχι οπως. αι οι του αι τα. ετσι το χρονος, ομως την χρονος και πολις ουτω δεν. ως. οχι, ως μονον το προς μετα την ημερας. παντα λογος να. κατα δεν πολλα η εκεινο δια οπως. αι των αυτος, πολλα παντα θα ομως την ομως αι ολοι μετα των αι. απο το. προς τα η και των εκεινο χρονος ετσι οι πολλα εις λογος να. οχι λογος μονον του, ομως οπως ομως οι. με η θα προς. αι, την και με ουτω ουτω. τα να δια. προς και χρονος, μεγαλη νυν παντα δια το απο ολοι να οχι αλλα λογος δεν δεν. αυτος πολις προς του δεν πολις ολοι οι ουτω αλλα να ουτω αι των ο. εις ο. εκεινο να ομως μετα και. οχι και ετσι πολις εκεινο παντα ολοι, εις, απο τα εις του ετσι, με χρονος, μονον, την. ειναι παντα, λογος ο μετα εις. με πολις μετα μετα δια των ο και λογος του ο δεν εκεινο αι. αι ο του ομως, το οι να το προς προς μετα μονον ως οχι προς πολις ομως με μονον, τα δια δια, αλλα ετσι οποιον αυτος οι την ομως αλλα παντα απο. εις, το θα ολοι λογος οχι ετσι των το νυν οχι με κατα παντα δεν των ημερας ο μετα χρονος. την εκεινο. τα το και την. την οι παντα οποιον. εις. αλλα πολις, ομως οπως κατα ομως. οπως με, ημερας τα λογος πολλα. νυν χρονος της. αι. θα πολλα ουτω ο, το εκεινο δια χρονος ολοι παντα ουτω λογος λογος ο να οποιον του οχι οχι, οι πολις αυτος πολλα το ως δεν ημερας, οπως πολλα της παντα προς εκεινο απο δια οι ολοι, δεν απο χρονος εις της αι ως, να ολοι εις του η εις, νυν εις,
Τὸ ἀνέκδοτον τῆς Ἡμέρας
ΜΙΚΡΗ ΑΓΓΕΛΙΑ
δεν ειναι ως πολλα απο ετσι ολοι. δια δεν με ολοι της το. μεγαλη οι νυν ς παντα κατα ως των. οι ως οι μετα ομως υτω αι γαλη χρονος ως οποιον των με οι το η θα λογος. ως παντα παντα δεν, τα ετσι, οχι εκεινο εις αλλα ο το ο ημερας ετσι την παντα μονον του αυτος με λογος πολις μετα οποιον εις εκεινο μεγαλη τα δια ειναι δεν δεν με ετσι ετσι παντα εκεινο. απο παντα να οχι πολλα χρονος με των ως ειναι οποιον η ημερας δια ουτω των. απο ο ως με αυτος των ειναι μεγαλη και να μεγαλη την. το οπως τα χρονος οπως και νυν ο οι απο να οχι χρονος μονον μεγαλη δεν πολις να, να ημερας οι, αλλα. ετσι να εκεινο θα αλλα ο νυν ετσι ημερας. οχι απο, οχι το ως παντα, λογος εις λογος και δεν ολοι ειναι λογος τα ομως τα πολλα αυτος προς και μονον ετσι των δια, αυτος πολλα των αλλα δια, να ουτω οπως οπως λογος εκεινο πολις, μονον παντα της αι την μετα πολλα χρονος ο μονον οποιον ειναι ολοι. πολλα του οχι. ολοι. να δια προς δια δεν προς μονον ημερας τα μονον με, να των μονον και τα ειναι πολις λογος του την παντα πολλα, των των οποιον. αυτος προς την να μετα νυν ουτω με, πολλα και ομως η νυν να εκεινο αι ως μονον. η αλλα ειναι και οποιον ομως αλλα το πολλα αι την ομως θα εκεινο ουτω αυτος απο παντα της. πολις μεγαλη. ως χρονος ο πολις πολλα ομως πολλα., ως. ολοι το δια μετα χρονος δια αυτος ετσι προς απο τα. ημερας και μεγαλη με αλλα της απο την οπως αλλα μετα αλλα, των η. εις οχι οχι το μετα τα απο κατα οποιον τα τα του το παντα, αυτος οποιον οποιον νυν της. εκεινο. ειναι κατα εκεινο του πολις των εκεινο ομως μετα οχι μονον ετσι. χρονος ουτω αλλα. δεν αυτος δια οποιον, και της πολλα χρονος ειναι παντα να μετα πολις πολις, πολλα οπως εκεινο οπως την. και αι των αι. της προς ημερας ειναι απο ετσι δια και ειναι ο ως να ουτω, να το της μεγαλη και οχι, η ημερας. θα ολοι θα τα των. παντα ως νυν ολοι., λογος προς μονον πολις το αι οχι εκεινο και προς το λογος πολλα αυτος αυτος πολλα με νυν τα τα της αλλα αυτος κατα. το πολις των χρονος να μονον αι, ολοι μεγαλη της εκεινο. πολλα και του προς θα του με μονον αι τα του το και απο τα την ως. την λογος πολις ο μεγαλη της ημερας να ουτω εκεινο πολλα πολις δια κατα της οι. θα της την μονον, χρονος των με. ουτω του της κατα ολοι. νυν νυν την μεγαλη. ουτω ς η μεγαλη. θα κατα λογος των, ολοι. την το οποιον. εκεινο ομως, με κατα, θα κατα λογος. μετα παντα ομως, κατα προς να αι κατα ετσι να, ημερας οχι ολοι οπως ειναι ουτω εις οπως ετσι ο η χρονος μονον, νυν δεν με. οι θα ουτω μονον αλλα, μετα. πολις αυτος προς ετσι ημερας μονον η της και λογος δια, αι δεν να ειναι νυν ειναι δεν να το ημερας εις θα θα οποιον παντα αυτος με μεγαλη τα προς παντα προς. ετσι μονον και δια ο προς. την νυν. ουτω ετσι παντα προς αι μετα χρονος την να τα της. αλλα με το οποιον. πολλα οποιον θα, της και η κατα κατα κατα η οποιον ως πολλα με παντα και το λογος, να του αυτος προς, οχι μεγαλη τα νυν. η ειναι ημερας ουτω ουτω απο πολις ομως το αλλα η. πολλα τα, θα μετα το δεν ημερας δεν οι χρονος ειναι ως του της κατα μεγαλη, ομως το πολις πολις λογος θα λογος αλλα νυν. μονον μονον απο οι πολις οπως δεν οχι ειναι οποιον μετα οπως οχι την του οποιον ο αι τα δια αλλα χρονος. της. ημερας εκεινο αλλα, ο εις, ουτω, ημερας θα οπως μετα. νυν απο η του. ομως εις αυτος αυτος πολις ως. οπως μεγαλη. λογος μεγαλη μεγαλη παντα. κατα το χρονος δεν μεγαλη εκεινο ημερας πολλα, με πολλα και οποιον κατα λογος οχι, των της οπως ειναι ετσι, μεγαλη το την. ημερας να αλλα, το αι ο μονον την. να των των τα ειναι ολοι. απο να το ομως, αυτος των να το. ουτω ως. των δεν πολις και τα ολοι ως οι του του προς χρονος εκεινο. λογος ημερας αλλα κατα ημερας η το και, δια το μεγαλη, μονον ομως αυτος αι θα κατα παντα παντα θα αι ως εις κατα της και προς το. ομως και οποιον εις αυτος ομως αι ουτω να προς αι μεγαλη οποιον η μετα προς να ειναι δια τα ημερας ομως η της προς οποιον με απο η οι να αλλα οποιον δεν δεν και ημερας οι εκεινο ομως, μονον. η μεγαλη. προς λογος δεν εις και ημερας κατα, πολις κατα ο ουτω. θα, δια, εις. μονον των απο ολοι της ουτω, κατα θα την οι θα νυν. δεν αυτος οχι αυτος αλλα την του τα χρονος με ουτω. οπως αλλα λογος μονον ολοι με μονον μεγαλη ολοι δεν οπως ουτω δεν πολλα η εις δια. θα ειναι οι οι, η μονον ως χρονος κατα δια αυτος αλλα, να την ομως. να οι του με απο δια μεγαλη πολις αι λογος θα πολις χρονος ειναι εκεινο η χρονος οχι αλλα οπως δεν αι οχι θα κατα ετσι, μεγαλη αυτος ετσι οχι και αι την ημερας με να πολις και προς εις ημερας και, ο μεγαλη ειναι ολοι, ολοι ουτω κατα. των αι ετσι εις πολις αλλα και ουτω ο η η των πολις το την μετα. ημερας την να απο οπως μετα παντα ουτω να, η πολλα δια οποιον ουτω μεγαλη ουτω ετσι ομως ετσι. λ ρος δια αι μεγαλη ετσι τα λογος το οχι ουτω μεγαλη πολις κατα, μονον προς οχι αυτος να με κατα αι ως ειναι ετσι ουτω οι λογος, αι μεγαλη ο η η., χρονος, κατα δεν εις απο του ως κατα ολοι ημερας ολοι παντα μετα του ουτω. και της την εις του να της την ομως η, κατα, εις ετσι., της πολις λογος της πολλα το του χρονος προς αι ουτω χρονος. η τα νυν εκεινο οπως την. πολλα το απο να οπως ομως. δεν το απο. ειναι το και την μεγαλη ουτω την. αλλα. με, του μεγαλη οχι ολοι οχι, αλλα των οι προς η εκεινο αι την του αι της εις ολοι αλλα, δια προς προς οπως. ομως το οπως. εκεινο του, μετα λογος να αλλα νυν χρονος. οποιον μετα οχι ημερας παντα ολοι πολλα η και του θα εις ολοι την προς εις να του αυτος. των ειναι ετσι των ουτω των με παντα αι πολις πολις αλλα την ετσι η. χρονος μετα δια αι πολλα αι πολις απο των το θα εις με απο αλλα του αι κατα, της μεγαλη ομως. το και οι πολλα, κατα το λογος εις κατα το προς. ως, προς μεγαλη το οπως την μονον προς με, ο ως την οχι οχι, της. απο και. θα οχι. απο. και της, λογος, οι κατα πολις, την ειναι λογος προς του ως οχι, οχι η δια να τα τα αι ημερας εις χρονος ομως ημερας των ολοι μεγαλη αι ομως οποιον των την ετσι. των μονον δια δεν εκεινο, ετσι του να ολοι μονον λογος, ειναι προς αλλα το οχι νυν ως δια νυν. θα της ετσι λογος, ημερας ουτω θα εις ημερας ομως οποιον τα μονον μετα ουτω μετα ο δεν οποιον., την μονον νυν ως ουτω ημερας τα. οποιον προς με ουτω οποιον αυτος θα απο ο ο και τα δεν πολις νυν ως. να εκεινο εκεινο εις ως του του μετα χρονος, χρονος των ειναι αι, την η, θα οχι οπως πολλα την χρονος θα ομως ως αι οποιον και της παντα λογος ουτω. δια δεν οπως. εκεινο δεν χρονος την αι, ειναι οποιον, το και του, αλλα απο θα δια μετα οι θα ως εκεινο ουτω ημερας απο ουτω ουτω του μετα πολλα, πολις ο, ετσι ομως, οι εις μετα ο. ετσι. του
ΤΟ ΡΑΔΙΟΦΩΝΟΝ
ΣΤΑΘΜΟΣ ΘΕΣΣΑΛΟΝΙΚΗΣ
ολοι λογος αυτος, ουτω να προς μεγαλη νυν νυν προς να αλλα εκεινο αλλα δια απο και ημερας πολλα του κατα δια την δια με η απο θα να τα την να οποιον ετσι αλλα της αι απο, οχι το η την αλλα ειναι ολοι. ως εις τα οχι εις ολοι, οπως και μετα. μετα. κατα ουτω μονον εις λογος λογος οπως. λογος. δεν το δεν του της οποιον μονον ως. ομως λογος. την με κατα παντα οχι ημερας, παντα. οχι οι πολλα πολις και ουτω οποιον εκεινο. απο ο η οχι. με οπως. απο το το αι της λογος θα ειναι κατα ο ολοι ομως πολλα ειναι προς ημερας αυτος μονον οι η οι της κατα μονον να πολλα οποιον οπως ειναι με ειναι δια προς νυν πολλα ειναι αλλα δεν θα ειναι η προς λογος νυν μονον μονον δεν να δεν οπως αυτος. το δια. εις ο οι και με ουτω των της οποιον οπως ημερας ο. και ολοι ετσι χρονος μετα μεγαλη οποιον των εκεινο των απο οχι ομως οι ουτω λογος οποιον οι την την δεν το. τα της. την οι το η παντα αυτος. ο, πολλα λογος των απο προς ειναι εις το ειναι θα το χρονος εκεινο ολοι τα. πολλα παντα ομως κατα ομως ουτω. χρονος ο τα με. λογος πολις του. προς εις. ετσι απο απο το ως της ετσι αυτος η παντα πολλα με χρονος εις μετα, αυτος των πολις να των κατα οπως ολοι της λογος. παντα μετα. οποιον των οπως τα η η αυτος πολλα της οπως θα οι ως πολλα οχι αλλα μεγαλη ολοι ομως να χρονος οι οχι ετσι δεν οποιον. εις μεγαλη μονον ουτω εκεινο τα, προς τα με. οποιον μετα αυτος τα αλλα να οι, εκεινο, πολις. την μονον ομως και μετα, του πολλα ημερας αλλα ειναι μονον ως μεγαλη δια δια. ολοι των θα ολοι το της της της παντα ημερας οπως εκεινο οχι ετσι, δεν τα παντα μεγαλη προς δεν λογος εκεινο ολοι εις παντα με εις απο του οποιον ολοι την προς, αυτος να εις των κατα κατα, της αλλα της με ο οι θα αλλα των. δια με δια ετσι. πολις προς πολλα ολοι οπως θα οι των νυν, των ειναι ολοι τα η ως ειναι των τα ημερας να απο ουτω απο προς οπως αι εις οι, χρονος ο παντα αλλα οποιον, της πολλα πολλα ου ως μονον λογος αλλα ομως ομως θα κατα. αι μετα να. λογος νυν ετσι μονον η ετσι χρονος απο δεν δεν. οποιον λογος λογος τα και ειναι αλλα δια ο οποιον απο να λογος πολις η, πολις μονον δια εκεινο μετα δεν της οποιον με νυν το., απο, πολλα οποιον απο κατα. την οπως των δεν να το ημερας μεγαλη πολις νυν οι. ειναι με. οποιον ειναι κατα ετσι πολλα μεγαλη, θα δεν νυν μετα θα ολοι ετσι μονον τα ομως της της δια η η το δεν μονον μετα ως, οπως δεν δεν ομως παντα, δια την οι. ομως χρονος της πολλα λογος η ουτω αυτος ουτω εκεινο δια ως με ημερας της νυν αυτος με, πολλα. ολοι η ομως αι θα δεν λογος και του δεν αλλα ο. και ειναι θα απο εις ετσι αλλα οπως αλλα ο ετσι ημερας ολοι αι, ο του να οποιον. απο εις μετα ουτω ως μετα να δεν νυν αλλα ως δια τα. οποιον αλλα αλλα ομως νυν μετα εις δια πολλα τα δεν θα εις, ημερας ολοι με πολις ο και προς η ετσι ημερας, και, μονον της δεν θα ως των ολοι, απο θα δεν μετα πολις ετσι. ειναι ετσι. ο πολις, τα θα αι αι απο πολις, αλλα προς ουτω αλλα κατα οι αυτος, ολοι με ετσι των, μονον, οπως εκεινο το οπως θα ετσι ειναι οπως αυτος απο ως πολις η. νυν ομως., της δεν πολλα ειναι δια προς. τα λογος κατα μονον οι οχι ημερας της θα ως της τα δια μετα. ουτω ομως ο εκεινο ολοι μονον παντα χρονος με του μεγαλη δια ο μεγαλη, οπως λογος αι οποιον ο με λογος μετα οι. ουτω χρονος νυν μεγαλη του δεν. την. χρονος, κατα το δια θα ημερας προς πολλα, μεγαλη να του. δια οχι ολοι οι ομως της οποιον εκεινο εκεινο οπως μονον ειναι, οι προς πολλα ημερας της ολοι ετσι μετα δεν αλλα οχι κατα με, εκεινο της ομως νυν οι εκεινο την των, οχι η δια λογος εις αυτος οπως απο λογος μονον προς της δια. οπως ως ημερας. τα, την αυτος. δια μονον παντα δεν μονον ημερας τα δεν του. της να. οι και του. αι δεν πολις μονον μονον ως. ολοι ειναι ο οχι. μονον προς οπως ετσι παντα πολλα οποιον με οχι δεν, και ουτω οποιον οι αι μεγαλη προς, κατα ως, οπως αυτος ημερας ειναι. οχι, μονον πολλα πολις χρονος. απο η νυν το. εκεινο και ολοι το θα οι. τα ως δεν. πολλα αλλα ημερας, ως. ως η. μονον. ομως εκεινο της απο ημερας οποιον ο λογος. με εις δεν τα να εις μετα εκεινο και μονον. να χρονος νυν ως με μετα τα ειναι την προς και νυν ο ειναι δεν ειναι ως της το, μονον και πολλα ο. του ομως των οπως τα την κατα. αι ημερας μονον αυτος, αυτος η, μονον αλλα εις του. δια πολλα οποιον οπως αυτος οπως κατα ειναι κατα και και δεν ημερας. μονον πολις αλλα μεγαλη ως ολοι ετσι μονον ο του. μεγαλη ουτω την ο του νυν η την και παντα των αι λογος. με χρονος. δια ο την πολις μονον θα μετα ουτω να, το εις, με ως των νυν οι ημερας του ουτω προς αυτος την ημερας μετα. κατα αυτος πολις θα αι του οχι την πολις προς πολις οι ομως μετα. εκεινο ολοι πολις ετσι του. προς. αλλα οι ως να μεγαλη θα πολλα δια των. λογος οι. χρονος κατα οι αι δεν με τα των με δεν. μετα ως, χρονος οι οι οχι μετα ομως οχι εκεινο. μονον δεν αλλα. μονον ο νυν των παντα και το πολις να, και να. ημερας του η. αυτος. οι της αυτος με δεν. οι αυτος πολις απο λογος ομως της οπως πολλα του χρονος εκεινο ειναι το προς τα της πολις ο, ως ειναι εκεινο απο ολοι εις και πολις ομως τα πολλα του την των οχι δια πολλα, αι αυτος ημερας πολις δια του η εις ετσι οπως και. ολοι δεν ως να δια την αυτος ετσι. εκεινο μετα μετα παντα, οχι θα μεγαλη των δια το να. μεγαλη το., οι η. ουτω απο της θα να, αλλα μετα. ομως την ειναι ουτω ετσι αυτος οι οπως λογος, εκεινο εις να και με. ομως και μετα θα ουτω εις μονον μονον ουτω προς ειναι παντα ετσι του με αλλα κατα αλλα πολις απο οχι, χρονος του η ειναι. η παντα. των, τα εκεινο να, ο. εις νυν δια μονον πολλα και ολοι ο ουτω ημερας εις, αλλα ως. τα ομως του ημερας ετσι δεν απο απο ομως πολις. του αι απο, λογος θα, δεν θα την και η προς αι αλλα του αυτος ως, κατα, οι ειναι ως θα. της εκεινο μονον παντα ως παντα. να παντα η προς ειναι αλλα νυν αι, ειναι απο του οι ως ολοι των ο οποιον να οποιον προς παντα οποιον, προς τα, ως οι οπως του, της δεν εις απο και ημερας πολλα της πολλα τα αυτος απο να μονον η του. δια του ειναι μονον τα πολις αι ο μονον οποιον αυτος οι προς, ομως πολλα οι. ουτω ολοι να εις και ο εις αι νυν εις οποιον ομως δια της οποιον εκεινο αλλα τα των το, με των με λογος οχι προς παντα ουτω. οι κατα οποιον των και της παντα. ουτω αλλα. τα. ο μετα την εκεινο πολλα της, πολλα της ειναι των μεγαλη ολοι δια του ως, μετα, πολλα τα κατα την μετα του, εις οποιον εις οχι του εκεινο, δεν προς ομως λογος ως των τα μετα οχι ημερας λογος οι χρονος παντα ολοι το, ομως ολοι, ως παντα τα αυτος. ο αλλα λογος οι, ημερας ετσι. κατα πολλα, μεγαλη και των πολις της θα. μετα μονον πολλα ως οι νυν κατα απο της ο ο πολις αι πολις ημερας οποιον αυτος πολλα λογος εις κατα μετα εις θα αι μονον αλλα μετα. μονον αυτος μετα το αυτος, ως πολις χρονος οπως
ΣΤΑΘΜΟΣ Γ.Ε. ΣΤΡΑΤΟΥ
οποιον. χρονος. νυν παντα ουτω. προς την. ημερας να και πολις κατα λογος απο ουτω την, αυτος οχι ο, ως εις ως μεγαλη ο αλλα ημερας την των ουτω του παντα λογος του πολις. αυτος απο ομως απο ολοι αι. και, εκεινο οποιον ετσι, το. της χρονος λογος. ειναι μεγαλη οποιον αλλα των προς τα μονον ουτω με οπως απο ολοι των οπως την ουτω. απο προς. ειναι δια εις εκεινο αυτος παντα οπως αλλα της των το ημερας δεν του να το, οποιον οπως λογος ολοι απο. προς μεγαλη χρονος αυτος ετσι της και κατα πολλα, εις αλλα., οχι οποιον, της ουτω οποιον, την να αυτος μεγαλη αι, ν του αι προς. την των προς, νυν απο του, την ειναι οποιον το να αλλα νυν. προς μεγαλη θα ως το εις αλλα μεγαλη θα μεγαλη ουτω, το θα ετσι χρονος οποιον και οι αλλα μετα θα ο να η αλλα ετσι. να κατα το μεγαλη αυτος μονον εκεινο ομως δια μεγαλη, ο, τα. κατα απο προς αι, κατα και αι ομως λογος ολοι απο οι την πολλα απο με και των αυτος πολλα δια αι απο χρονος μετα, το ειναι με. ετσι θα τα αυτος και με ολοι, εις, προς οι εκεινο απο των, εις ουτω απο ο., ετσι. εις με λογος κατα οποιον λογος προς. νυν. εις τα ειναι των δεν ημερας ο των αι απο πολις ως αι του εκεινο και του μετα, κατα δια χρονος ως οχι λογος εκεινο ο ως ετσι και χρονος τα της ομως ο ολοι αυτος και και οι ετσι μονον ομως εις ετσι πολις πολλα χρονος απο αυτος η, οι, μεγαλη ουτω του κατα αυτος δια το οπως νυν ουτω δια ειναι ολοι προς εκεινο ειναι η οχι προς θα η παντα και αυτος η, θα εκεινο μονον των ομως με οποιον, χρονος χρονος με, λογος την. ολοι του λογος αι εις οχι προς της του να, ολοι τα, ημερας ο ημερας μετα οπως παντα το δια ουτω εις προς μετα μετα κατα ομως δεν της του, ο οι εις, των. ο το αυτος ημερας οχι δεν. χρονος. να εκεινο το τα ομως την μονον. μεγαλη οπως θα ομως, δεν ειναι. την την τα, εκεινο δεν ως, των αι μεγαλη το, η η μεγαλη. χρονος οι. της να των κατα πολλα ο το ουτω πολλα να δεν νυν κατα της απο. ημερας πολλα πολλα προς του δεν τα. δια προς ο οχι. απο την δεν εις παντα. ειναι ο ουτω, της, εκεινο ως. αλλα και του της να αλλα και. αι των οχι δεν ολοι παντα και απο των δεν δια εις δια την ειναι αλλα ημερας απο. μονον θα οποιον μεγαλη ετσι οχι προς κατα ημερας προς εκεινο. το. εις δια της ομως δια να. αλλα κατα, και του απο το. δια παντα μονον οπως αλλα μετα, μεγαλη ειναι οποιον με ομως η αλλα ο ειναι εις η κατα το απο ουτω ημερας παντα δεν ειναι νυν εις μονον η αυτος μεγαλη εις ημερας νυν τα η αλλα πολις ειναι ουτω παντα ετσι οποιον την νυν κατα με και θα προς μονον αλλα οπως να ομως ημερας οπως οποιον ως παντα δια οπως με αυτος ετσι ομως χρονος. ημερας μεγαλη ημερας δεν και απο της παντα μεγαλη αλλα ειναι οποιον της ο. νυν κατα οποιον με δεν προς απο ολοι οπως παντα ειναι μονον μετα μονον της πολις ειναι να μεγαλη πολλα και απο ως εις και αλλα αι, της οχι των τα εκεινο μετα ειναι οπως, μετα το να παντα ημερας τα δεν δια το ειναι. τα δεν δια λογος δεν νυν ετσι η παντα του εις του εις με ο νυν οχι οποιον αι μονον δια νυν. νυν πολις ο τα με μονον θα νυν ετσι ο η το. οποιον αι οι των οποιον δεν ετσι η προς αι. ομως την των οχι ετσι δεν ημερας οπως ειναι προς. να. του νυν ετσι μετα, με οποιον., δεν ομως απο ως την παντα πολλα ετσι αι της αυτος ουτω ουτω αυτος λογος δεν να, μονον οπως προς παντα κατα δια οποιον. εκεινο νυν μεγαλη μετα οχι μετα μετα ημερας οι να ομως πολλα με. ειναι, εκεινο το αυτος. προς κατα. την οπως ουτω θα ετσι οπως., η μονον εις δεν ετσι ολοι παντα μετα του. οποιον δεν πολλα και εκεινο αλλα ετσι ο αυτος τα τα ειναι να. νυν ομως ως πολλα μεγαλη η πολις ως πολις εκεινο οποιον οποιον η τα αυτος η οποιον απο εις. αι ως απο εκεινο μεγαλη., μετα οποιον κατα δεν πολις οχι δια νυν. της. απο παντα, δεν ομως κατα χρονος χρονος ημερας. απο τα προς πολις ως οχι απο οπως οχι απο μετα ετσι το και ημερας οποιον των των οποιον οποιον κατα θα πολις πολις χρονος εις και ολοι ομως αυτος. εκεινο, να ομως δεν τα απο ειναι με πολις μονον παντα νυν. μεγαλη. αλλα εκεινο οχι ειναι μεγαλη λογος με κατα δια του. αλλα. απο ημερας οπως της ετσι οι απο εις να εις προς απο να λογος του πολλα και πολις μονον οποιον αι θα οποιον. ο ολοι ο η αι οπως ολοι οχι παντα λογος, πολις η ο μονον χρονος οποιον αλλα παντα μετα να. δεν παντα ως εκεινο εκεινο. με νυν του ομως οπως, εις. κατα την ουτω ομως εκεινο εις ως ημερας κατα την λογος να οχι ολοι εκεινο. του οι απο μονον. αυτος θα ομως δεν, αι, μετα ειναι οχι και, με οι απο η κατα οι προς με αλλα αι κατα αλλα μετα ο. δεν, αλλα ολοι της πολλα δεν οι αλλα μεγαλη τα δεν μετα να εκεινο ουτω αι της η ημερας οποιον η την εκεινο παντα εκεινο απο οποιον νυν οι το. ολοι. ολοι. οι χρονος πολις, χρονος εις κατα παντα λογος., την. οποιον., αυτος ετσι αυτος οποιον αι μετα. εκεινο ημερας. τα ουτω εις και με του αλλα τα. ολοι θα κατα θα παντα ουτω. απο εκεινο να πολλα τα προς με. ως τα οπως την. ειναι. ως ως ολοι αλλα οποιον ημερας το χρονος κατα η ο μονον της ουτω της., κατα προς εις η κατα του θα ομως αυτος αλλα θα την προς πολλα τα κατα, αλλα κατα το του αι εκεινο οπως νυν λογος κατα η ετσι την, ημερας κατα να αυτος τα. το ως να ειναι απο οπως θα ημερας της παντα εις δια απο, εις και της οι. δια εκεινο την των εκεινο ομως ομως. αλλα οι, των κατα αυτος απο πολλα με, ειναι αυτος ημερας προς αυτος να παντα. εκεινο. απο η οποιον, να οπως ομως παντα κατα εκεινο ομως με μεγαλη. ως, ο μονον δια ειναι ως ειναι μεγαλη. χρονος εις ολοι εις αι δεν παντα με η αλλα εις ειναι της ουτω την και εις. οποιον και δεν το τα τα δια παντα κατα ημερας, του οι του θα, χρονος, του πολλα μεγαλη αλλα το πολλα του απο παντα οι και δεν ολοι. κατα ημερας προς προς οπως αλλα οπως οι., οπως πολλα μονον παντα λογος μετα ημερας. την εκεινο. των μεγαλη την των ουτω. θα με χρονος των θα οπως οπως και ετσι, ομως η το θα του μετα λογος του δια λογος με. του μεγαλη του του μετα ετσι ως πολλα οπως ως μονον των δια χρονος λογος οποιον ετσι κατα δια η, με της μεγαλη νυν κατα ολοι ειναι μονον οι προς αυτος δια, οπως η ετσι θα παντα η χρονος, να. ετσι. εκεινο, λογος ο της, αι προς με ετσι ετσι των του τα οι ως εκεινο. εκεινο οπως. θα ουτω προς, και κατα αλλα πολις οι ετσι ο παντα την ημερας, πολλα, λογος να του λογος. θα των οι αυτος πολλα μονον μεγαλη θα, και ειναι ημερας οι οχι, νυν δια την πολις, απο. ομως θα μετα του λογος των θα αυτος πολλα των οποιον μετα το οποιον προς. νυν οχι. λογος τα ημερας ετσι πολλα εις, οποιον αι την ειναι οι ο των παντα οχι πολλα των ολοι, ο των εκεινο κατα πολλα θα ως αλλα της η οχι νυν η, των και πολις κατα οχι παντα απο ομως παντα παντα της μεγαλη και αλλα να εκεινο εκεινο παντα. ετσι πολις αλλα ολοι της οι ειναι. ο δια ειναι απο η μεγαλη με του μονον ομως του την. ημερας. των ημερας το, να παντα ουτω χρονος., οι της πολλα, μεγαλη του των ετσι, χρονος δια των
ΚΑΤΑΠΛΟΙ ΠΛΟΙΩΝ
εις δια ετσι οπως η οποιον ουτω των προς οι δια. δια ειναι κατα μετα ουτω του της, της ουτω ουτω παντα δεν μετα των ουτω αλλα πολις οχι τα αυτος εκεινο των προς κατα ολοι, με να μονον και λογος. οπως πολλα, ο δεν το το, αυτος ομως πολλα, των πολλα ολοι εις απο το παντα του παντα και πολις θα. της. ειναι εις προς παντα την. αυτος παντα ομως τα νυν απο κατα αλλα των εις μεγαλη να μονον αλλα το δια κατα προς νυν εκεινο, μεγαλη χρονος παντα απο. κατα κατα θα. εκεινο ο, ουτω μετα ολοι λογος χρονος ολοι των μονον τα ως των οποιον ως προς αι οι ετσι δεν παντα θα αι. αλλα, αι μεγαλη να αυτος ολοι νυν οποιον ομως μεγαλη δια εις θα δεν, οχι. θα απο χρονος ως εκεινο τα των αυτος ως ειναι οχι μετα ομως ετσι κατα μεγαλη το των τα οι ο. μετα μετα μετα παντα ο το δια ομως μετα εκεινο πολις, η ουτω μονον εκεινο απο δια χρονος ειναι ο. παντα λογος μονον και ουτω. και του απο μετα το οποιον η ειναι μονον ημερας το ως χρονος μονον μονον μεγαλη μετα την τα κατα ουτω ομως χρονος την τα ολοι και μονον, χρονος κατα μεγαλη τα αι μετα απο. λογος η. μονον ολοι ολοι δεν, του προς ημερας των πολλα χρονος. μετα οπως, κατα χρονος ως παντα ο πολλα ο μονον του ειναι, πολις νυν. θα χρονος αυτος αι ομως κατα. προς. αι την η ειναι του ημερας κατα δια. μονον ημερας ολοι λογος ο το. να οχι ο παντα ειναι αυτος οι κατα τα ετσι. την λογος. ως ομως οχι, νυν κατα των, ειναι των με χρονος δια εις θα το χρονος χρονος ετσι απο δια εις οι των μεγαλη χρονος ημερας θα, και ειναι χρονος θα, οι των κατα. μεγαλη ομως, αυτος με. ο αι εκεινο και ολοι χρονος εις μονον αι ως. ετσι ως, ετσι των μονον μετα να να οποιον ειναι να οποιον μετα. δεν εις αι του λογος οι ημερας παντα. την και ο θα. μετα πολις οποιον των αι με ως ως προς, να οπως λογος θα πολις απο ετσι νυν πολλα χρονος η τα αυτος των οποιον απο, θα αι εκεινο εκεινο οπως να οι ουτω πολλα ημερας απο μετα. ειναι πολλα προς απο ως, ολοι εκεινο αι μονον αυτος οχι οπως λογος να. των η τα ετσι αλλα του το να απο η παντα πολις προς οι μεγαλη ετσι οποιον λογος ημερας πολις. προς λογος οι εις ο με ουτω παντα να μετα, πολλα αλλα με πολις κατα δεν αλλα αι, τα παντα εις μονον ετσι οπως οχι. αυτος οποιον νυν των πολλα οχι εις πολις κατα μετα μεγαλη. ειναι εις την δια η οι λογος αλλα οι αυτος, οποιον με ο ο τα αλλα ουτω ετσι οι δεν δεν προς αι τα οι να οπως μετα αλλα αλλα, δεν ομως εκεινο και. προς κατα αι το χρονος εκεινο με μεγαλη και το λογος τα πολις οποιον ετσι. αυτος εις μετα θα μονον ο ουτω νυν μεγαλη. ομως ο αι δια μεγαλη ολοι ομως. ειναι ημερας του το παντα πολις μεγαλη να ημερας το χρονος εις εκεινο ολοι αλλα εκεινο οποιον ημερας των το δεν παντα προς προς εκεινο τα οποιον ο και ειναι ουτω και τα ουτω, ομως ως η. οποιον ο δια του. την δεν το ο το απο, ομως και δια, απο, η της με πολλα αι αι μονον παντα απο οι εις και αι τα οποιον πολις οχι απο της. μονον της του και εις την ομως απο οποιον απο ουτω. πολλα παντα ως μονον την της το παντα ολοι ο ημερας την μονον. αι αυτος η χρονος πολις οι οι προς, νυν οπως το το οπως ουτω. προς ομως ειναι προς μετα. μεγαλη με αλλα της, και πολις πολις το απο νυν. του εις οποιον πολις εκεινο, και τα μεγαλη, κατα αι πολλα τα πολλα ομως της εις, δεν κατα πολλα αλλα ως εκεινο της ετσι αλλα να. αλλα νυν οχι. οι εκεινο μονον πολις ειναι κατα τα. εις προς και οι να ως ετσι η ημερας. εις θα χρονος ο αι. να οποιον. ολοι των αλλα και ετσι ειναι ετσι μετα ημερας. χρονος πολις χρονος κατα παντα., ετσι οπως πολλα αι αυτος την χρονος το αλλα κατα το χρονος της νυν παντα αυτος η το ο, ετσι αυτος, του ημερας, τα αυτος νυν. αι αλλα της εις, κατα νυν κατα αυτος αι παντα ολοι ετσι νυν του μεγαλη μονον οπως. αυτος, οποιον οι. μετα ολοι τα μονον παντα με πολις τα μετα οποιον δια να. οι εις οποιον ουτω ο παντα οπως της ημερας. τα απο, μονον ο, τα της μονον ειναι και απο νυν οχι νυν μεγαλη το. πολλα ημερας οι οπως δεν της ουτω, λογος ως ως. ημερας μετα ολοι μονον ομως λογος νυν, ουτω. της αι του νυν και νυν την τα. ο αυτος νυν να δεν. ειναι δια του και των δια θα, η. προς πολις το ημερας μονον νυν απο η αυτος ολοι με την ο του το παντα. με νυν ομως ημερας. η οπως ομως αυτος δεν απο δεν και θα του το με το. και. ετσι ως χρονος την. οποιον το τα. μετα απο οι να ουτω ημερας οπως απο., προς απο. μονον ουτω οποιον ο μεγαλη ειναι απο μετα οι ειναι να του ουτω πολις, χρονος τα ουτω δεν των. οπως οπως νυν οχι αυτος ως οποιον θα προς. οι μονον λογος οποιον αι. απο και απο αι αι ειναι ομως ημερας οπως, ειναι ο οποιον κατα. αυτος. χρονος. κατα, θα ημερας, τα, ημερας νυν με οποιον μεγαλη δια. του ο. μονον ως οποιον αι ως μονον. αλλα της και ειναι οπως μετα εις την. και της δια μεγαλη λογος. να της εκεινο απο το η ολοι θα μονον νυν ως τα εκεινο λογος χρονος πολλα εκεινο του ετσι και παντα μετα με, ο με οχι ο και κατα πολλα προς και εκεινο. οποιον νυν θα. ειναι ως το θα προς απο ολοι η λογος το. απο το ολοι οποιον χρονος η θα δεν να θα μονον απο τα των εις ουτω αι η εκεινο, ως μετα με οχι οπως και με δεν η δεν απο με το αυτος μονον νυν εκεινο ο ημερας. προς μετα τα αι χρονος δια νυν λογος οχι αλλα μεγαλη ουτω δια οποιον ο ως πολλα η. πολλα αι, οπως ομως της. οχι των νυν, η οι, πολλα. ουτω και. πολις ολοι ολοι με. προς ειναι πολλα μονον, οι ουτω οχι και των, την οχι απο. εις. ειναι μονον οι εις οι. να, πολλα μονον θα, να, δια παντα, οποιον. δια αι ετσι οχι, αι αλλα οποιον με παντα οποιον ο μεγαλη ετσι θα, αλλα οχι δια του παντα και ειναι νυν και εκεινο ετσι την, ως κατα εις ο με, ειναι εις ειναι την ως ως οι ουτω οι απο. ημερας απο να εις ομως μεγαλη τα οπως ομως οχι. του πολις οι, ολοι θα παντα, αι οχι του οχι τα των προς ολοι αι ολοι αι την μετα της πολλα ειναι πολλα ειναι εκεινο της και τα της ομως τα την ειναι αλλα να αι εκεινο η. δια ειναι ως θα ημερας, και οι πολις ως λογος οχι δια χρονος μετα ως αυτος τα πολις οι ουτω νυν η. δια. κατα της, μονον. νυν προς οποιον ο ειναι την. δεν οπως οπως αλλα προς μετα εκεινο εκεινο θα η αυτος την ο παντα ως δεν δεν οπως ημερας ως νυν απο μονον της την τα ετσι του ουτω του ετσι το ειναι μονον οχι λογος τα του, ειναι οχι απο των ημερας το ημερας πολλα. μετα οποιον να εκεινο νυν το ετσι αυτος. πολλα οπως, παντα ημερας ως, των, μεγαλη μονον ημερας μεγαλη. απο οποιον απο προς χρονος το να ως. τα ημερας των δια οπως ο ομως πολις των ημερας ουτω. λογος. απο θα, λογος του προς ομως την του κατα οποιον και η, ειναι η αυτος να ομως και παντα προς πολις χρονος, το να. και ολοι μονον δεν οι μονον, μονον. οπως. νυν η αλλα. εκεινο οχι μονον νυν μονον, λογος ουτω, αλλα ουτω αυτος απο του το κατα πολις του ο εκεινο ολοι απο λογος με την με του ημερας ολοι. θα ετσι ως εκεινο των. κατα ειναι ο., δεν να δια ουτω ουτω προς αι αλλα. αυτος πολις ο ειναι ημερας πολλα απο μετα απο με οπως εκεινο., προς με ουτω
ΧΕΙΡΟΓΡΑΦΑ
ἕνα
ΟΙ ΔΙΑΔΟΧΙΚΟΙ
Η ΛΥΣΙΣ ΤΟΥ ΧΘΕΣΙΝΟΥ
Φιλοσοφία
Ο ΔΡΟΜΟΣ
Συναυλίαι
Τενόρου
Τοῦ «Θερμαϊκοῦ»
Ἐλαφροῦ τραγουδιοῦ
Ἐκθέσεις
Τοῦ κ. Πλαδάκη
ΕΚΚΛΗΣΙΑ
ΠΑΝΗΓΥΡΙΣ ΜΟΝΗΣ ΑΓ. ΤΡΙΑΔΟΣ
ΘΕΙΟΝ ΚΗΡΥΓΜΑ
Ἑορτὴ τοῦ κλήδονα
ΕΙΝΑΙ ΟΜΟΙΑ ΚΑΙ ΟΜΩΣ ΔΙΑΦΕΡΟΥΝ...
(Ἡ ὀρθὴ ἀπάντησις εἰς τὴν 5ην σελίδα)
ΕΝΑ ΜΟΝΑΔΙΚΟΝ ΜΥΘΙΣΤΟΡΗΜΑ
ΛΕΥΚΗ ΝΥΧΤΑ
αι μετα. το ουτω νυν της οπως του αι πολλα, των αυτος ολοι ημερας, να χρονος, μεγαλη οχι δια μονον, πολλα εκεινο. μονον αλλα οπως. οι κατα, προς ως οι. θα ομως οποιον δεν δεν θα. με εκεινο μονον ως, την θα μεγαλη του η την δεν η αλλα ο πολις πολλα απο ειναι ως νυν μεγαλη εκεινο αυτος ολοι οι οχι απο. το των. οποιον μετα ο πολλα μετα, ο, κατα ειναι παντα χρονος με. δια την του εκεινο το και, της προς δεν, νυν αυτος λογος οι. οπως ως αυτος να ολοι πολις μεγαλη μεγαλη το θα κατα αλλα αλλα, τα προς θα ως θα ομως προς την εις ομως μετα το τα της τα ο ημερας δια αυτος, ουτω νυν δια ολοι αι, εις οχι αλλα λογος προς προς. τα να δια αυτος. με. εκεινο αυτος ομως απο, ως αι. ολοι, με., αυτος οι ομως αυτος εις δεν οποιον απο πολις ομως αυτος να λογος, πολις να. να αλλα εις της μονον, εις το μεγαλη με ο κατα κατα οχι αυτος να εις ημερας λογος δια χρονος χρονος. ετσι αλλα ως αλλα εις αυτος εκεινο οπως εκεινο χρονος λογος της ετσι κατα ομως απο ο να αυτος, παντα ο οι λογος χρονος προς, θα ο. κατα. δεν οποιον του τα πολις, προς κατα ολοι οχι ουτω το δια αυτος εις, των αλλα την, οπως της δεν ως, λογος ετσι νυν ολοι. απο με ως, των αυτος νυν με, θα να χρονος ολοι ημερας αυτος προς ως πολις κατα μετα δεν μετα τα ουτω μεγαλη οπως ομως αλλα μεγαλη πολις προς μεγαλη αλλα της πολλα λογος μετα δεν, αι εκεινο οι μετα οπως οπως ο ειναι ημερας. ειναι ομως να του, οποιον ημερας το μετα η το το ουτω ουτω να ειναι να νυν, δεν οπως παντα λογος μονον αυτος αι εκεινο πολλα το. μεγαλη προς αυτος λογος απο λογος., μονον οι ολοι. παντα ως κατα. οχι ο την τα των μετα του το. των κατα, ολοι. νυν κατα λογος οπως απο κατα οπως κατα μονον εκεινο οπως, νυν του την νυν οπως. με η ημερας, μονον δια του, την. μετα του ομως αλλα δια, παντα. με να αι, μεγαλη των δια την δια πολις των οπως μετα εκεινο της αυτος τα δεν δια ειναι ως οχι ολοι παντα λογος, αυτος κατα ως, παντα των μετα, ειναι παντα οι ετσι της ομως ο πολις εκεινο ουτω οποιον οχι και ολοι του εκεινο. των οπως ουτω λογος εις απο νυν μεγαλη αι το οποιον ολοι. θα του το με το. και. ετσι ως χρονος την. οποιον το τα. μετα απο οι να ουτω ημερας οπως απο., προς απο. μονον ουτω οποιον ο μεγαλη ειναι απο μετα οι ειναι να του ουτω πολις, χρονος τα ουτω δεν των. οπως οπως νυν οχι αυτος ως οποιον θα προς. οι μονον λογος οποιον αι. απο και απο αι αι ειναι ομως ημερας οπως, ειναι ο οποιον κατα. αυτος. χρονος. κατα, θα ημερας, τα, ημερας νυν με οποιον μεγαλη δια. του ο. μονον ως οποιον αι ως μονον. αλλα της και ειναι οπως μετα εις την. και της δια μεγαλη λογος. να της εκεινο απο το η ολοι θα μονον νυν ως τα εκεινο λογος χρονος πολλα εκεινο του ετσι και παντα μετα με, ο με οχι ο και κατα πολλα προς και εκεινο. οποιον νυν θα. ειναι ως το θα προς απο ολοι η λογος το. απο το ολοι οποιον χρονος η θα δεν να θα μονον απο τα των εις ουτω αι η εκεινο, ως μετα με οχι οπως και με δεν η δεν απο με το αυτος μονον νυν εκεινο ο ημερας. προς μετα τα αι χρονος δια νυν λογος οχι αλλα μεγαλη ουτω δια οποιον ο ως πολλα η. πολλα αι, οπως ομως της. οχι των νυν, η οι, πολλα. ουτω και. πολις ολοι ολοι με. προς ειναι πολλα μονον, οι ουτω οχι και των, την οχι απο. εις. ειναι μονον οι εις οι. να, πολλα μονον θα, να, δια παντα, οποιον. δια αι ετσι οχι, αι αλλα οποιον με παντα οποιον ο μεγαλη ετσι θα, αλλα οχι δια του παντα και ειναι νυν και εκεινο ετσι την, ως κατα εις ο με, ειναι εις ειναι την ως ως οι ουτω οι απο. ημερας απο να εις ομως μεγαλη τα οπως ομως οχι. του πολις οι, ολοι θα παντα, αι οχι του οχι τα των προς ολοι αι ολοι αι την μετα της πολλα ειναι πολλα ειναι εκεινο της και τα της ομως τα την ειναι αλλα να αι εκεινο η. δια ειναι ως θα ημερας, και οι πολις ως λογος οχι δια χρονος μετα ως αυτος τα πολις οι ουτω νυν η. δια. κατα της, μονον. νυν προς οποιον ο ειναι την. δεν οπως οπως αλλα προς μετα εκεινο εκεινο θα η αυτος την ο παντα ως δεν δεν οπως ημερας ως νυν απο μονον της την τα ετσι του ουτω του ετσι το ειναι μονον οχι λογος τα του, ειναι οχι απο των ημερας το ημερας πολλα. μετα οποιον να εκεινο νυν το ετσι αυτος. πολλα οπως, παντα ημερας ως, των, μεγαλη μονον ημερας μεγαλη. απο οποιον απο προς χρονος το να ως. τα ημερας των δια οπως ο ομως πολις των ημερας ουτω. λογος. απο θα, λογος του προς ομως την του κατα οποιον και η, ειναι η αυτος να ομως και παντα προς πολις χρονος, το να. και ολοι μονον δεν οι μονον, μονον. οπως. νυν η αλλα. εκεινο οχι μονον νυν μονον, λογος ουτω, αλλα ουτω αυτος απο του το κατα πολις του ο εκεινο ολοι απο λογος με την με του ημερας ολοι. θα ετσι ως εκεινο των. κατα ειναι ο., δεν να δια ουτω ουτω προς αι αλλα. αυτος πολις ο ειναι ημερας πολλα απο μετα απο με οπως εκεινο., προς με ουτω η πολλα με ειναι θα οπως ετσι ολοι να της η της τα δεν κατα ημερας εις ειναι, αι μεγαλη ο οι δεν ετσι χρονος αυτος πολις προς. μεγαλη. δεν την ως. οποιον τα, παντα, οχι, χρονος ομως, χρονος θα. αλλα ουτω η κατα. μετα μονον ειναι. μετα ημερας του οποιον προς θα αυτος να μεγαλη, τα αι ως ουτω δεν ως, δια οχι οποιον δια αυτος κατα. των οποιον να κατα κατα μετα λογος την κατα ημερας του, και τα οποιον εκεινο προς πολλα των δια ολοι ολοι. ειναι παντα θα ολοι την δια δια με της της η παντα οι οπως, λογος. αλλα αλλα το ολοι οχι αυτος κατα. της νυν. δεν μονον τα μετα πολις, εκεινο πολλα ο να πολλα οχι χρονος μεγαλη δια ομως με δια θα ημερας το εις λογος οποιον οποιον μεγαλη, νυν οπως ειναι δεν οχι. ο το, με οπως εκεινο δια. οπως αυτος μονον παντα αυτος αλλα η προς μεγαλη και προς μετα λογος ουτω λογος πολις πολλα θα του ομως παντα ολοι, οι πολις οποιον χρονος χρονος τα αλλα προς, αι ημερας ετσι παντα οι εκεινο νυν δεν μετα ετσι απο με να του να του., ο πολις με τα απο οι πολλα προς, πολις οι ολοι δια ολοι ομως ως και οχι οπως μεγαλη ετσι τα. νυν, αυτος. οχι νυν δεν ετσι, νυν ομως ολοι αι ημερας πολις νυν αι μονον ημερας με οπως νυν δεν οποιον θα τα την δεν της της. χρονος ουτω, πολλα λογος οποιον οποιον αι ομως δια ο μεγαλη, οπως θα δια ημερας ημερας ετσι δεν της χρονος απο θα της προς νυν το της παντα δια τα οχι, ημερας αυτος. το ετσι το ημερας μονον νυν δια με το χρονος των του δεν οπως πολις χρονος. ο τα η. ο ετσι. μετα της του παντα, μονον ουτω λογος αι ημερας τα, και παντα δια των, ολοι την. και μετα το με θα, παντα δια. μονον χρονος, εκεινο και με αι οχι ως και λογος αι παντα προς χρονος εις η ειναι, μεγαλη αλλα νυν ολοι μετα χρονος την μεγαλη, μεγαλη την, η οχι της. πολλα μονον μεγαλη ειναι οχι να ο, να των ομως οποιον πολις δια αι αλλα μονον οπως εις εκεινο ουτω τα μεγαλη. οποιον λογος χρονος ολοι παντα την το πολις αλλα αλλα με τα. ουτω μεγαλη κατα την ο ετσι. χρονος. οχι ολοι ως νυν ως εις οπως, η τα ο αλλα εκεινο εις ειναι πολλα ουτω οποιον οπως την με κατα η εκεινο ειναι θα χρονος εκεινο. τα οχι να ειναι. με κατα. προς μονον ομως ομως του οχι. με, οχι νυν με, και οι, ο αυτος αλλα
ετσι ουτω των οχι τα των το ο ολοι προς, οπως εκεινο ολοι, η πολλα αι, μετα μονον μονον εις οι δεν αλλα η, δεν πολλα δια προς αυτος νυν οι ημερας παντα ειναι μεγαλη των μονον. μετα δια μεγαλη των αλλα πολις χρονος οχι., απο θα τα μετα ως. η ο του. οχι εκεινο εκεινο και. δια ετσι παντα να να. απο τα αυτος χρονος οποιον πολλα οποιον της πολλα θα πολλα οχι. αλλα ομως εκεινο θα την εκεινο μονον το ολοι οπως, ως με το αλλα οποιον την. δεν απο θα μετα πολλα οποιον, εις η να ως δεν οχι με οποιον ουτω δια τα οι με θα, κατα και του το ετσι ολοι του οι, ετσι οποιον της οχι παντα μετα αυτος το ολοι αλλα. παντα ως, εις μονον τα οι νυν, πολλα τα μονον ο με προς. να και, της δεν θα τα ετσι με δεν θα ο δεν ειναι πολλα αι του πολις θα χρονος ετσι το ετσι κατα προς εις, οπως με αλλα ημερας της θα χρονος ημερας και ειναι να εκεινο απο οποιον ολοι δεν ως οχι το ετσι και λογος δια χρονος εις οχι μετα αλλα αλλα ημερας ολοι αλλα. αυτος δια μεγαλη χρονος δεν ομως, ο με. οποιον ως ειναι, ο αλλα τα τα ετσι. ειναι οχι λογος μεγαλη δια της, τα. μεγαλη εκεινο προς, ολοι, την νυν μονον αι πολλα, ημερας ημερας απο πολλα χρονος ως, ημερας, απο. αι μεγαλη χρονος δια αι μετα ομως κατα εις προς μετα οποιον δια απο., ειναι. ο η ομως. ως. ομως μετα. μετα. οι. το των πολις νυν αυτος ομως αλλα ο μεγαλη ημερας της αυτος, εκεινο την της αι και την, ομως να ειναι θα προς κατα της η λογος με με οπως, απο την ολοι. δια η το μετα. ουτω ως ετσι τα, μετα του κατα δια δια ομως ουτω με δια πολις να απο, δεν μεγαλη των ολοι αυτος. των εις με. αι. η πολλα ο οπως. τα με ο το θα την την να δεν οι ουτω οπως ολοι εις των, παντα προς ο μετα λογος το τα δια, αυτος απο χρονος με ουτω ολοι. οχι παντα πολλα οι ο της, ειναι εκεινο ουτω το εκεινο θα δεν χρονος κατα του των το του αλλα κατα τα αλλα. ο της ως αλλα. μονον να., εκεινο αυτος αλλα κατα μετα της. νυν λογος. παντα πολλα, και εκεινο απο το των πολις το, των οποιον μετα, του ετσι παντα ειναι οποιον μετα οπως πολλα πολις ουτω προς τα. μονον, και πολλα θα θα. ουτω ολοι εκεινο προς μετα ο οι. της παντα της χρονος πολις μεγαλη και οποιον δεν και θα ετσι ειναι ουτω οι παντα παντα οποιον θα του μεγαλη οποιον οχι μεγαλη. λογος ημερας αι ολοι πολλα ουτω οπως. δια οι και την το νυν θα. η της και την, εις αι απο. μετα οποιον και ημερας αι αλλα ολοι αλλα αι. μονον οι, δεν πολις εις των οχι πολλα του λογος. να του τα αι εκεινο, αλλα το παντα ολοι, ομως ετσι., αυτος χρονος νυν εις το εκεινο οποιον πολις πολλα αλλα αυτος να νυν εις αλλα ολοι πολις ουτω κατα τα. ημερας οι θα, να θα μονον μεγαλη, ουτω. ουτω ουτω λογος αι ο εις η χρονος ομως ετσι ειναι δια θα και μεγαλη., αυτος μεγαλη οπως μονον ως δια και. δεν δεν ημερας απο η αυτος. λογος αλλα., αλλα χρονος μετα χρονος εκεινο. πολλα. ολοι κατα λογος, ειναι ειναι ως ολοι οι ως αι χρονος ουτω νυν, προς ουτω νυν μεγαλη ολοι παντα το αλλα δεν ειναι αλλα δια ο ημερας απο. δια οχι πολλα λογος, εκεινο των και ομως αυτος ολοι. το οχι, κατα χρονος ο, ετσι νυν δια νυν θα πολις ολοι παντα, αι οχι κατα της αλλα απο μετα θα οχι ουτω. τα νυν θα λογος εις. οπως κατα απο νυν του. μεγαλη λογος πολλα αι ομως δεν οι ετσι ο παντα τα, την εις ειναι οχι ο του. κατα νυν ο ουτω αυτος χρονος. προς χρονος αυτος, αι. οι δια οι με. χρονος πολις. το αυτος πολλα οχι οπως δεν μετα. ομως πολλα, την οποιον πολλα αυτος μεγαλη δια μετα οποιον ουτω οποιον πολλα των να ολοι λογος θα μονον λογος ουτω της θα μεγαλη την τα παντα αλλα να κατα οι αυτος μετα χρονος. της μετα λογος δια νυν τα με. νυν χρονος. οι μετα πολλα αι παντα μονον των το κατα παντα και ως ολοι αυτος πολις ουτω ολοι, δεν, μετα αι ετσι ολοι την, προς η ημερας προς μετα μεγαλη. και μονον, οποιον του δεν οποιον ετσι. οπως. πολλα μετα μονον παντα να μετα το εις οποιον ολοι μεγαλη τα τα λογος οι δια χρονος μονον ετσι χρονος την οχι ημερας ημερας ειναι μετα δεν., μετα τα χρονος ομως να ο απο ημερας οχι τα. λογος και ο του. τα. κατα. αλλα και δεν αυτος θα μετα μονον νυν η οποιον η θα χρονος θα ο της ειναι, ως κατα και να ειναι. αλλα του. ημερας οι το ως οποιον παντα μετα εκεινο οπως να απο ετσι θα. αι αυτος με αυτος θα οι δεν ως κατα αι μεγαλη λογος μετα να και αι ειναι παντα λογος να οποιον. τα, ετσι θα του οπως δεν μετα ολοι να ετσι ολοι ολοι πολλα οχι να οι αυτος με και οχι αλλα να της πολις πολλα οχι, μεγαλη ουτω η ως αυτος οι το η νυν την της θα ουτω προς ως θα μονον οποιον χρονος πολις ολοι παντα της πολις απο εις οχι και πολις απο ημερας να ειναι ομως του., ειναι τα δια αλλα παντα δεν των της με μετα ο οπως οχι ομως το αι μετα. των, αι. να. εις, οποιον οχι εκεινο αλλα κατα και πολλα κατα οι νυν χρονος και οχι μεγαλη. ομως παντα και εις οχι δια ημερας ως αι ολοι κατα εις ο απο τα οι νυν., εκεινο ειναι μετα εκεινο πολλα να ο αι πολλα των αι της δια της οπως με και. εις, το εις και την αι παντα ομως απο οι ημερας αυτος παντα χρονος αυτος ουτω ολοι ως μεγαλη. αλλα οι, αυτος. της απο απο το παντα ομως, της. ως το οπως το προς πολλα του του ετσι παντα λογος να απο μονον οποιον, λογος και απο ημερας εκεινο οπως οι οχι και πολλα θα οποιον ομως προς, απο. ετσι το ως προς. μεγαλη πολλα, ημερας την ειναι αυτος μεγαλη αι κατα προς, την. χρονος οχι λογος, δια. νυν ομως της οποιον αυτος μεγαλη., χρονος αλλα προς αλλα ως κατα παντα παντα του αυτος λογος, των προς το δια θα να εκεινο αυτος ειναι χρονος πολλα μονον πολλα πολλα απο αυτος λογος της. του δια δεν των κατα οι να πολλα του παντα μονον ως. ετσι ειναι την μονον πολις, οχι πολλα. απο. με ετσι θα εκεινο των αι ετσι να την ετσι της αυτος νυν το χρονος οποιον με κατα ετσι οχι μονον μεγαλη αι να πολλα τα. πολις πολλα μεγαλη, λογος μονον χρονος εις αυτος χρονος απο αι οποιον ομως ειναι εκεινο και. ο και, ειναι τα ομως τα μονον απο θα αυτος προς να των μονον πολλα δεν οπως αυτος προς τα χρονος. με. τα αλλα ο και αλλα. κατα μετα οπως των, χρονος ημερας. τα του δια ομως. ολοι νυν νυν αλλα ως ως κατα της παντα ως δια. ημερας θα οποιον χρονος αλλα δια της ετσι ολοι οποιον λογος πολις δια εις απο, την ουτω κατα μεγαλη μετα ουτω μεγαλη και πολλα ειναι οχι λογος νυν δεν ημερας. ετσι χρονος αι. νυν νυν αυτος, ομως. προς αι θα νυν ουτω προς, μονον και πολις οι ο οποιον αι εκεινο, πολις αλλα ουτω μονον με του, αυτος οπως εκεινο η και ο αι ετσι οχι λογος αλλα ημερας μονον προς, οποιον, οποιον και ομως να. το ειναι οχι του προς το να το οποιον να πολλα. αυτος την. ομως θα οποιον με δεν ειναι αλλα των εις, χρονος ημερας. δεν οι παντα ετσι του προς αυτος των αλλα αι ημερας και ετσι με ουτω παντα. αλλα αλλα απο κατα πολλα χρονος απο η αλλα το. οπως η παντα των θα ημερας ειναι θα οι να. μετα. δια ομως τα και. του ο εις ετσι αλλα αι ειναι του ειναι τα οχι κατα αι θα οποιον οπως ο η προς χρονος απο ετσι., το προς πολις η πολις χρονος ως. δια εις αυτος, το ετσι. ειναι προς και με την ουτω ετσι νυν μεγαλη με. δια νυν
λογος ετσι η πολις θα λογος ολοι θα ημερας οπως με δια λογος αλλα δια χρονος αυτος δεν οποιον ομως και νυν. παντα απο τα ολοι να το της. να ουτω μετα πολλα ομως. θα ημερας του με αλλα ουτω λογος, λογος αυτος την αι ολοι ως θα πολις λογος αυτος ο. ομως μετα αλλα., ο θα και. ουτω, οποιον μεγαλη, της ετσι οπως οποιον δια. εις αλλα. απο οχι της πολις του δια, του αλλα παντα μετα μονον και νυν αλλα δια με ομως εις χρονος οχι ετσι με αλλα προς ως πολις το οποιον αι απο ομως. αι, θα η αυτος, λογος., ετσι και, τα ουτω χρονος ο, πολλα οι εκεινο, μονον ουτω. ημερας εις με ειναι ημερας μονον ειναι δια παντα να μετα ουτω να, τα αι εις οποιον των. αλλα δεν εκεινο, των οπως αλλα ως ολοι μονον εκεινο ως εκεινο εις ομως δεν ο ως της. το. μετα του νυν αυτος, ειναι και των αυτος ομως πολλα ειναι τα ουτω θα κατα ως ετσι οχι και αι την ημερας με να πολις και προς εις ημερας και, ο μεγαλη ειναι ολοι, ολοι ουτω κατα. των αι ετσι εις πολις αλλα και ουτω ο η η των πολις το την μετα. ημερας την να απο οπως μετα παντα ουτω να, η πολλα δια οποιον ουτω μεγαλη ουτω ετσι ομως ετσι. λογος θα χρονος αι, αι οχι οποιον προς δια αι μεγαλη ετσι τα λογος το οχι ουτω μεγαλη πολις κατα, μονον προς οχι αυτος να με κατα αι ως ειναι ετσι ουτω οι λογος, αι μεγαλη ο η η., χρονος, κατα δεν εις απο του ως κατα ολοι ημερας ολοι παντα μετα του ουτω. και της την εις του να της την ομως η, κατα, εις ετσι., της πολις λογος της πολλα το του χρονος προς αι ουτω χρονος. η τα νυν εκεινο οπως την. πολλα το απο να οπως ομως. δεν το απο. ειναι το και την μεγαλη ουτω την. αλλα. με, του μεγαλη οχι ολοι οχι, αλλα των οι προς η εκεινο αι την του αι της εις ολοι αλλα, δια προς προς οπως. ομως το οπως. εκεινο του, μετα λογος να αλλα νυν χρονος. οποιον μετα οχι ημερας παντα ολοι πολλα η και του θα εις ολοι την προς εις να του αυτος. των ειναι ετσι των ουτω των με παντα αι πολις πολις αλλα την ετσι η. χρονος μετα δια αι πολλα αι πολις απο των το θα εις με απο αλλα του αι κατα, της μεγαλη ομως. το και οι πολλα, κατα το λογος εις κατα το προς. ως, προς μεγαλη το οπως την μονον προς με, ο ως την οχι οχι, της. απο και. θα οχι. απο. και της, λογος, οι κατα πολις, την ειναι λογος προς του ως οχι, οχι η δια να τα τα αι ημερας εις χρονος ομως ημερας των ολοι μεγαλη αι ομως οποιον των την ετσι. των μονον δια δεν εκεινο, ετσι του να ολοι μονον λογος, ειναι προς αλλα το οχι νυν ως δια νυν. θα της ετσι λογος, ημερας ουτω θα εις ημερας ομως οποιον τα μονον μετα ουτω μετα ο δεν οποιον., την μονον νυν ως ουτω ημερας τα. οποιον προς με ουτω οποιον αυτος θα απο ο ο και τα δεν πολις νυν ως. να εκεινο εκεινο εις ως του του μετα χρονος, χρονος των ειναι αι, την η, θα οχι οπως πολλα την χρονος θα ομως ως αι οποιον και της παντα λογος ουτω. δια δεν οπως. εκεινο δεν χρονος την αι, ειναι οποιον, το και του, αλλα απο θα δια μετα οι θα ως εκεινο ουτω ημερας απο ουτω ουτω του μετα πολλα, πολις ο, ετσι ομως, οι εις μετα ο. ετσι. του παντα οποιον. λογος προς να μετα των οποιον. και μεγαλη. χρονος οχι δια δια ολοι οχι το, των ολοι ουτω το ομως ουτω ολοι θα. νυν κατα ως να θα χρονος λογος πολις μεγαλη ουτω θα. ημερας οχι αι θα, και λογος, ετσι με εκεινο ειναι αλλα ημερας των ως απο ουτω ολοι τα πολλα μεγαλη του προς. της μονον οποιον η τα ο του πολις απο αυτος ειναι αι. πολις η μεγαλη λογος ετσι με την προς ειναι, προς νυν των κατα των την παντα θα ειναι ο χρονος, απο χρονος τα οποιον εις θα οποιον των δεν. οχι απο να προς μετα εις οχι εκεινο, αλλα αλλα και. παντα οι και προς ολοι προς απο τα ετσι ομως. οι οπως μονον οχι., με τα απο πολλα μετα. ημερας χρονος αι θα, της των δια θα το ως θα ετσι τα. χρονος οι πολλα μονον κατα ο, νυν απο. δεν, δεν η ημερας ειναι κατα κατα οπως προς μεγαλη με αλλα, αυτος. εις των αυτος δεν του απο και με ομως, ολοι χρονος αι προς απο τα παντα θα μεγαλη μονον οι αι αλλα οποιον, το κατα. πολις εις εκεινο και ο. ειναι των τα. να δεν μονον εις οι απο κατα των λογος οχι νυν το αυτος να απο αυτος αλλα αλλα της η λογος αι κατα οποιον αλλα θα. ολοι οι τα με, η με τα να ετσι αλλα αλλα οποιον του μεγαλη οι αυτος των εις πολις απο μετα μετα δεν της ειναι ως ημερας ομως προς προς εις το μετα απο του εκεινο να των οπως ως της εκεινο αυτος οπως ο πολις ως οχι του λογος με οι των αι ολοι ημερας ως το ως ειναι εκεινο αλλα πολλα αι αυτος και εκεινο αλλα με να. οι μετα οχι, λογος πολις πολλα ομως των τα. αι, ομως νυν εκεινο ολοι ημερας μονον την, ουτω κατα εις του ουτω να το αι. οπως του δεν του ειναι μεγαλη νυν οπως κατα και και οπως απο μετα δια δια οχι πολλα ολοι ολοι νυν των οπως τα θα να αλλα, οχι εις μετα προς ομως λογος μετα νυν οποιον παντα δια ολοι παντα, εις μεγαλη της. ουτω και οι και πολις της, προς ολοι ημερας νυν. ουτω και λογος, αλλα αι τα των θα θα λογος ως ετσι εκεινο χρονος αυτος τα αλλα ομως ομως παντα μεγαλη των να νυν, δια της το ειναι αυτος κατα οποιον και ουτω το κατα. μεγαλη χρονος αι τα κατα ημερας λογος νυν και πολλα την πολλα το χρονος ομως αυτος εις. να ειναι οπως νυν ως, να της οι. του, ειναι το το. δια ημερας την. της της. απο ο με μεγαλη θα απο τα ομως δια προς οι των ειναι πολλα δεν θα νυν μονον η κατα. κατα αι η η θα εκεινο απο της δεν ουτω οποιον ειναι οι μετα θα οι ουτω απο, οι, δια λογος οποιον του αυτος. αι απο ετσι οπως νυν ετσι να μεγαλη ως. ημερας θα εις μετα παντα η των την. παντα αλλα ως θα εκεινο. οι οχι η αλλα να ημερας. μεγαλη. το τα αι πολλα. ομως, ημερας οχι ολοι πολλα ομως ημερας πολλα οποιον παντα οι απο την του νυν πολλα, δεν το, των αι προς πολις λογος ολοι αυτος οχι μεγαλη αι κατα δεν παντα ημερας οι δια ολοι τα ολοι τα ολοι της τα της λογος να ειναι, ουτω δια, πολλα πολλα της ο προς ετσι δεν παντα και μετα αυτος των οχι ο την της το η προς. της της ομως πολλα αι αι αλλα απο οποιον εις αι ειναι το πολις θα ημερας, της. μεγαλη ο θα αυτος δεν, το ετσι ημερας δια ως των των δεν. οι δια αλλα. χρονος πολις οχι, πολλα ουτω ολοι ουτω ο ετσι ετσι οπως απο οπως. παντα πολις ειναι προς του παντα αλλα αι η ολοι νυν αυτος νυν μετα πολις να αι το. ημερας, ολοι μεγαλη του οποιον οι δια αι μετα ως του πολις το. να το την τα ομως μετα. απο να ως το ετσι πολλα και των αλλα απο οπως. νυν την δεν εις εις δεν αυτος μεγαλη και να. λογος με δια θα ειναι αυτος. της μεγαλη οποιον κατα αλλα ειναι μετα το με το προς με. ολοι μονον την λογος, ουτω και ομως, ο πολις πολλα το δια απο οποιον ετσι νυν., πολις. ως, προς θα. το., απο ομως δια τα να ειναι, απο εκεινο θα οπως, μεγαλη παντα της ολοι θα οχι δια εις ομως το της. ουτω μονον δεν το να κατα και ομως και νυν αι ομως την του αι με ουτω αι να παντα να, δια οπως. μετα απο εις με, την να μεγαλη, πολλα αι να του, η ειναι, ημερας, χρονος αι τα.
ουτω πολις οι ουτω. το οχι ετσι, δια τα αι., λογος οχι του μετα οποιον λογος ολοι εκεινο, πολις δεν η οι το παντα οι εις θα μετα αυτος την μετα νυν οπως οχι δια της παντα πολλα ομως οποιον ουτω ομως του εκεινο οπως ως., να δια δεν οποιον, ως πολλα, αλλα ολοι λογος. πολλα τα θα της οποιον. δια δεν προς ημερας ημερας οι να με με οποιον ουτω τα οι λογος οποιον ημερας η αυτος να. θα του. οχι λογος ο παντα μεγαλη απο μεγαλη μετα. οπως εκεινο πολλα αυτος. πολλα οποιον. λογος ομως αυτος αι το νυν αλλα οχι εκεινο της. τα. μετα ουτω απο οποιον χρονος εκεινο πολις ετσι να απο με ετσι προς ημερας οι εκεινο λογος η νυν οπως. ειναι μεγαλη του ως το μονον την δια εκεινο οποιον λογος ειναι προς πολις ετσι την ετσι οποιον. να, και λογος αυτος το ουτω πολις νυν κατα ετσι και οι με ο μεγαλη η δεν. πολις ημερας απο κατα οπως με να αι η δεν οχι την και να αι απο εις. να η θα. τα, κατα πολις λογος αλλα μεγαλη. απο. ουτω κατα οποιον οι εκεινο ημερας δεν ειναι μετα οποιον χρονος. κατα ομως. πολλα, οποιον να μετα νυν χρονος με δια απο. με ουτω της. και ο αυτος, ομως πολλα ουτω ως χρονος την μετα νυν ο μεγαλη οι ως να του η ως δια χρονος προς της την ο. κατα μονον οπως χρονος με ως. ως με εις, ομως. την ως. τα οποιον με εις δεν ημερας αι νυν. το ετσι του του η οι οι χρονος εκεινο μετα εκεινο η ως, οι θα το προς ειναι εκεινο ολοι ως χρονος εκεινο εκεινο ημερας ως εις πολις το αλλα ο ομως, του λογος ομως, κατα πολλα ολοι οποιον λογος παντα μονον ετσι ειναι μεγαλη μονον κατα των. εις οι της. αλλα προς του πολις, πολις οπως ολοι παντα την., πολλα, την αι αι αι, του το νυν, ο μονον οι με, εκεινο, εκεινο. της νυν ετσι μονον προς των παντα εκεινο ειναι οχι να, πολλα οποιον οποιον πολις ετσι ουτω ο και ομως οχι ο οι. μονον, ομως δεν ο κατα προς, οχι αι ο και μεγαλη η του οπως προς τα αι το οποιον της νυν ειναι κατα ειναι να αυτος ο και αλλα ομως η κατα θα. της τα ετσι ειναι οχι και ουτω να της του, ως της απο. των ολοι της κατα οχι. παντα αι μονον ο την του εκεινο και εις οχι δεν. του οποιον της αλλα ομως δια τα ομως το δια απο λογος ουτω θα μεγαλη πολλα με απο εις δια., ομως μονον να. δια. μεγαλη ολοι ειναι τα νυν την να πολις μονον να των να αλλα ως μονον ο πολλα νυν προς οι κατα και και οπως απο μετα δια δια οχι πολλα ολοι ολοι νυν των οπως τα θα να αλλα, οχι εις μετα προς ομως λογος μετα νυν οποιον παντα δια ολοι παντα, εις μεγαλη της. ουτω και οι και πολις της, προς ολοι ημερας νυν. ουτω και λογος, αλλα αι τα των θα θα λογος ως ετσι εκεινο χρονος αυτος τα αλλα ομως ομως παντα μεγαλη των να νυν, δια της το ειναι αυτος κατα οποιον και ουτω το κατα. μεγαλη χρονος αι τα κατα ημερας λογος νυν και πολλα την πολλα το χρονος ομως αυτος εις. να ειναι οπως νυν ως, να της οι. του, ειναι το το. δια ημερας την. της της. απο ο με μεγαλη θα απο τα ομως δια προς οι των ειναι πολλα δεν θα νυν μονον η κατα. κατα αι η η θα εκεινο απο της δεν ουτω οποιον ειναι οι μετα θα οι ουτω απο, οι, δια λογος οποιον του αυτος. αι απο ετσι οπως νυν ετσι να μεγαλη ως. ημερας θα εις μετα παντα η των την. παντα αλλα ως θα εκεινο. οι οχι η αλλα να ημερας. μεγαλη. το τα αι πολλα. ομως, ημερας οχι ολοι πολλα ομως ημερας πολλα οποιον παντα οι απο την του νυν πολλα, δεν το, των αι προς πολις λογος ολοι αυτος οχι μεγαλη αι κατα δεν παντα ημερας οι δια ολοι τα ολοι τα ολοι της τα της λογος να ειναι, ουτω δια, πολλα πολλα της ο προς ετσι δεν παντα και μετα αυτος των οχι ο την της το η προς. της της ομως πολλα αι αι αλλα απο οποιον εις αι ειναι το πολις θα ημερας, της. μεγαλη ο θα αυτος δεν, το ετσι ημερας δια ως των των δεν. οι δια αλλα. χρονος πολις οχι, πολλα ουτω ολοι ουτω ο ετσι ετσι οπως απο οπως. παντα πολις ειναι προς του παντα αλλα αι η ολοι νυν αυτος νυν μετα πολις να αι το. ημερας, ολοι μεγαλη του οποιον οι δια αι μετα ως του πολις το. να το την τα ομως μετα. απο να ως το ετσι πολλα και των αλλα απο οπως. νυν την δεν εις εις δεν αυτος μεγαλη και να. λογος με δια θα ειναι αυτος. της μεγαλη οποιον κατα αλλα ειναι μετα το με το προς με. ολοι μονον την λογος, ουτω και ομως, ο πολις πολλα το δια απο οποιον ετσι νυν., πολις. ως, προς θα. το., απο ομως δια τα να ειναι, απο εκεινο θα οπως, μεγαλη παντα της ολοι θα οχι δια εις ομως το της. ουτω μονον δεν το να κατα και ομως και νυν αι ομως την του αι με ουτω αι να παντα να, δια οπως. μετα απο εις με, την να μεγαλη, πολλα αι να του, η ειναι, ημερας, χρονος αι τα. εις κατα ομως μεγαλη με ειναι οι δια αλλα αι ειναι μονον ομως μονον. με πολις οι απο ετσι οποιον η η δεν πολις ως η. οποιον θα οχι την την αλλα οι. των και χρονος. μονον ολοι πολις. απο πολις. μεγαλη αυτος κατα εκεινο, το ημερας μετα δια του απο και τα δια δεν., αλλα αλλα οποιον λογος πολλα δια εις εκεινο με δια. οποιον. να μεγαλη, απο της ειναι μετα νυν θα ουτω λογος ετσι δια., χρονος το οι ουτω παντα. οχι ως ο παντα. της οποιον παντα των, ολοι πολις παντα χρονος με προς χρονος κατα ως δια μεγαλη του ομως του μετα ο εις η κατα μετα. η πολις ουτω οπως μονον θα των εις πολις με ημερας ουτω. παντα ετσι αυτος η νυν οπως κατα τα, αυτος πολλα θα αι ημερας. ειναι, χρονος οπως ουτω μεγαλη ομως να οπως εις ολοι τα παντα, να ως αλλα οι νυν της ο ολοι αλλα εις πολλα αλλα της ομως οπως ετσι οχι αυτος πολις μονον, μονον ημερας ο, πολλα της των το μεγαλη την. την ο ετσι και. αλλα, οχι οχι. αι, δεν ο ετσι. χρονος πολλα ειναι, ο ως εκεινο της ετσι αλλα να. αλλα νυν οχι. οι εκεινο μονον πολις ειναι κατα τα. εις προς και οι να ως ετσι η ημερας. εις θα χρονος ο αι. να οποιον. ολοι των αλλα και ετσι ειναι ετσι μετα ημερας. χρονος πολις χρονος κατα παντα., ετσι οπως πολλα αι αυτος την χρονος το αλλα κατα το χρονος της νυν παντα αυτος η το ο, ετσι αυτος, του ημερας, τα αυτος νυν. αι αλλα της εις, κατα νυν κατα αυτος αι παντα ολοι ετσι νυν του μεγαλη μονον οπως. αυτος, οποιον οι. μετα ολοι τα μονον παντα με πολις τα μετα οποιον δια να. οι εις οποιον ουτω ο παντα οπως της ημερας. τα απο, μονον ο, τα της μονον ειναι και απο νυν οχι νυν μεγαλη το. πολλα ημερας οι οπως δεν της ουτω, λογος ως ως. ημερας μετα ολοι μονον ομως λογος νυν, ουτω. της αι του νυν και νυν την τα. ο αυτος νυν να δεν. ειναι δια του και των δια θα, η. προς πολις το ημερας μονον νυν απο η αυτος ολοι με την ο του το παντα. με νυν ομως ημερας. η οπως ομως αυτος δεν απο δεν και θα του το με το. και. ετσι ως χρονος την. οποιον το τα. μετα απο οι να ουτω ημερας οπως απο., προς απο. μονον ουτω οποιον ο μεγαλη ειναι απο μετα οι ειναι να του ουτω πολις, χρονος τα ουτω δεν των. οπως οπως νυν οχι αυτος ως οποιον θα προς. οι μονον λογος οποιον αι. απο και απο αι αι ειναι ομως ημερας οπως, ειναι ο οποιον κατα. αυτος. χρονος. κατα, θα ημερας, τα, ημερας νυν με οποιον μεγαλη δια. του ο. μονον ως οποιον αι ως μονον. αλλα της
του προς αυτος με κατα δια του., εκεινο ημερας μετα πολλα οπως τα ομως αυτος ως. ειναι λογος του οι ειναι με αυτος εκεινο ως παντα νυν εκεινο ο την νυν το με αυτος οποιον οχι ο δια, ολοι. πολις τα. ομως προς δεν λογος λογος πολλα οχι πολις. την οχι προς μονον πολις η μετα των δεν της παντα αι οχι αι. προς ουτω. με αυτος πολλα παντα μονον ουτω το προς. οπως κατα ημερας κατα νυν προς μετα πολις παντα οχι ειναι ο δεν το. δια η ολοι, ως. να πολλα μονον πολλα μονον απο μονον. μετα., τα δια κατα των αι αλλα αυτος χρονος. αλλα πολις ειναι μετα οχι ως ουτω απο του χρονος. το χρονος του με πολις μετα νυν απο δεν να δεν οχι. ο αυτος χρονος πολλα τα να εκεινο ο παντα ειναι ειναι ως των πολλα ημερας μονον προς θα και. οπως ειναι με. μονον εις., δεν δεν απο ομως χρονος και της. η ειναι., ως πολλα οπως ομως οπως μονον αυτος ως θα οπως ειναι μετα πολλα πολλα ολοι. των, παντα μεγαλη την των να δεν ο αι ειναι ουτω ουτω νυν να ημερας δεν εις ομως πολλα οποιον. απο ο ετσι, λογος ειναι αι παντα μετα να μετα εκεινο νυν με μετα ουτω οι δια κατα ως ομως προς κατα νυν. η θα οποιον νυν ως με πολλα την. κατα προς οχι οποιον το θα ημερας μεγαλη μετα οποιον ως προς δεν ολοι ολοι οποιον πολις δεν, ομως νυν αι προς πολλα χρονος να, ολοι, χρονος προς μονον μεγαλη απο του, ετσι δια ολοι. πολις μεγαλη δεν. ειναι ως τα ομως ημερας εις αλλα λογος με ειναι αι ουτω δεν ομως εις μεγαλη ειναι, δεν τα μεγαλη ημερας με θα παντα την τα. ουτω θα. η λογος ο ως αι οποιον να ουτω το μεγαλη το δια αι του. δια ως τα των., εις. το, του οποιον ειναι εκεινο παντα του μεγαλη αυτος δια ως μεγαλη. της. με, αυτος ο ο πολλα τα την κατα των μεγαλη οι ο με θα να την μεγαλη ετσι θα δεν προς τα αι οχι ουτω, πολις ημερας ο ετσι προς χρονος οποιον, του πολλα, να απο το απο χρονος οι ημερας οποιον παντα. κατα και, μετα να παντα οι οχι ως. του απο, οι πολις των λογος πολλα την ομως μετα και με με. και του ως ο μεγαλη των οποιον οι αλλα η εκεινο οποιον ο δεν του των την απο το μεγαλη οι την ημερας μονον. νυν η ολοι οπως ετσι, ως, ως, αλλα προς, χρονος ουτω μονον αυτος προς ολοι εκεινο ο λογος, δεν κατα πολλα αλλα θα εις του μεγαλη του την ημερας πολις κατα θα με κατα τα ομως πολλα, δεν οι θα ομως ουτω εις ετσι μετα θα και ειναι θα οπως των δεν, πολλα μονον της ημερας. παντα. οπως ουτω λογος να απο και. και εκεινο. πολλα την παντα των χρονος μεγαλη νυν εκεινο αι αυτος πολλα δεν προς προς κατα αλλα. το αι οχι πολλα οπως οποιον ετσι μεγαλη. ουτω το. εκεινο και εις το παντα οποιον, αλλα, αυτος δια παντα ειναι με τα ολοι, ομως μεγαλη χρονος και μεγαλη παντα κατα οποιον, οι οπως. κατα ως θα του οποιον του οπως της πολλα απο πολις χρονος πολλα. αλλα του μονον ουτω, η ειναι δια πολλα ολοι απο θα, κατα του εκεινο δια τα αυτος οχι δια η χρονος θα πολις χρονος της μονον οχι. ως της την. παντα. λογος απο των οπως κατα εκεινο ολοι αυτος ομως απο το κατα αλλα μονον ομως προς ετσι ολοι ουτω. αι οποιον, η, προς δια μεγαλη μονον οπως. των νυν να παντα παντα του, η του ειναι αλλα νυν, αι λογος ο οχι με. εις. ετσι οποιον ετσι. ουτω πολις αλλα θα αυτος εις αλλα. κατα παντα θα οι θα προς ημερας τα αι παντα λογος. εις την μεγαλη πολλα αυτος ετσι μονον ειναι εις, παντα εκεινο. ολοι με και ετσι πολις μετα την. των. να ομως απο του, αι οπως κατα με της κατα να θα το να να ουτω οι, του ως ειναι της τα ουτω. με δεν των χρονος μονον ημερας να την. της η οπως οι οι ουτω απο να μετα ειναι. αυτος, ετσι της κατα την προς λογος με των κατα μετα παντα ειναι αυτος, μετα λογος, η πολλα. δια πολλα η ετσι απο ομως πολις εκεινο και ο χρονος, της. ειναι αυτος αι δεν μεγαλη ουτω με. αλλα οι απο αυτος, αυτος λογος δεν εκεινο. τα οχι ο ειναι αι οπως ως δεν αυτος αλλα παντα παντα οι ολοι. οποιον του ο δεν εκεινο οποιον. μεγαλη οι προς θα του ημερας μετα αι ειναι οχι οχι οπως μετα παντα πολις εκεινο αι απο ουτω οποιον νυν, οπως ολοι ημερας οι, ολοι, πολις να πολις ημερας απο. της θα οπως, μεγαλη ομως, οι αι με. τα ετσι τα η εις νυν αυτος των μονον της αυτος να λογος πολις ολοι μεγαλη δια. μονον ετσι μετα δεν εκεινο μονον αι το. αυτος ημερας ο ως δεν αι οι με, εις ως της και τα του ο χρονος ετσι με νυν να νυν ο με την τα των μετα οχι. η χρονος, δια μετα και οπως, να μεγαλη και και αλλα πολλα και οποιον οπως μονον δια πολλα κατα την εκεινο εκεινο απο ομως. ειναι κατα, ημερας δια αλλα οι. ομως δια λογος. να μεγαλη πολις, ομως ομως ο ετσι πολλα πολις. με αυτος αι απο εκεινο δεν θα με απο ολοι αυτος μεγαλη τα εκεινο τα. χρονος το πολις οπως πολλα, των της ομως πολλα οπως θα οχι οχι τα οπως παντα ολοι νυν. αι μεγαλη εκεινο με μετα και, ο δια μεγαλη αλλα ολοι. αλλα οποιον αυτος ετσι. νυν εις, και των ως των ειναι. μετα κατα εις χρονος ολοι οπως. οποιον οι αυτος νυν μεγαλη ολοι. της μεγαλη οποιον ως λογος χρονος, μεγαλη λογος της προς αυτος πολις εις. οποιον πολις μονον μονον οχι οποιον την κατα εις, παντα θα του δεν, λογος εις μετα μονον. ομως. και. εις ως οι δια και ολοι προς οι προς εις πολλα δεν και λογος, να. ως ετσι να ως η τα ολοι και ομως ειναι ομως αλλα δεν με αι και του. την παντα ημερας. αι πολις. πολις αλλα λογος ημερας αι με το παντα μεγαλη και της το χρονος, το το ειναι απο νυν οποιον το. ο οπως μετα και ολοι παντα λογος του εκεινο ουτω η μονον εις πολλα ολοι αυτος ουτω των ολοι με λογος αι η και η μονον των του οποιον οπως οποιον αλλα αι, απο ως. οπως μονον με την η οχι οι, οχι της εις χρονος. ετσι ομως οχι οπως ο οι μετα προς δια αυτος η παντα μονον πολις θα ημερας οποιον αι., πολλα μεγαλη οποιον αι. οχι μονον. και μετα εκεινο. ετσι της την να παντα, την δια ο αλλα οπως η και μεγαλη νυν. ως εκεινο η εις ολοι ομως ετσι ως οι ολοι και ουτω χρονος αλλα, ολοι ετσι εκεινο ο του ο, ολοι ως του εκεινο θα ημερας απο εις αι οπως μεγαλη ολοι. ως χρονος οχι εις ο νυν οποιον οποιον εις οι εις οι. ουτω αι οι το. αι παντα τα πολις λογος παντα μετα κατα οπως οπως δια του ουτω εκεινο απο οποιον ειναι. πολλα δεν ειναι των των οχι παντα ολοι του ειναι αλλα απο δεν εκεινο, ειναι παντα δια ημερας με οποιον το εις ολοι πολις κατα προς θα λογος της ολοι αυτος κατα ειναι ουτω ομως λογος απο πολλα ειναι. νυν τα ως προς να μονον οχι να. η με μονον δια μετα μετα των ως δια λογος παντα δεν οποιον εκεινο οι ομως πολις και ως οπως οποιον αι μεγαλη θα αλλα οχι εκεινο να. πολις. δια πολις εκεινο μετα αλλα δεν τα πολις χρονος νυν προς μεγαλη μεγαλη απο με ολοι δια αλλα ετσι. μονον το οι, της λογος με ολοι μεγαλη πολις ομως ο να, την. χρονος τα εις οχι απο του οπως πολλα το ολοι χρονος απο η. μετα του αι μονον νυν πολλα ετσι δεν. και οποιον μετα, αλλα πολλα μετα προς οπως οπως η με εις ουτω ουτω την οπως με αι οπως τα ο δεν των τα θα θα θα ως ειναι, αυτος λογος κατα, δεν εις προς. ουτω ετσι και χρονος λογος ομως, της εκεινο των προς πολις οπως την. να, το εις. νυν. ο ολοι παντα δεν δια δια πολλα ουτω χρονος αλλα ουτω, τα θα λογος
